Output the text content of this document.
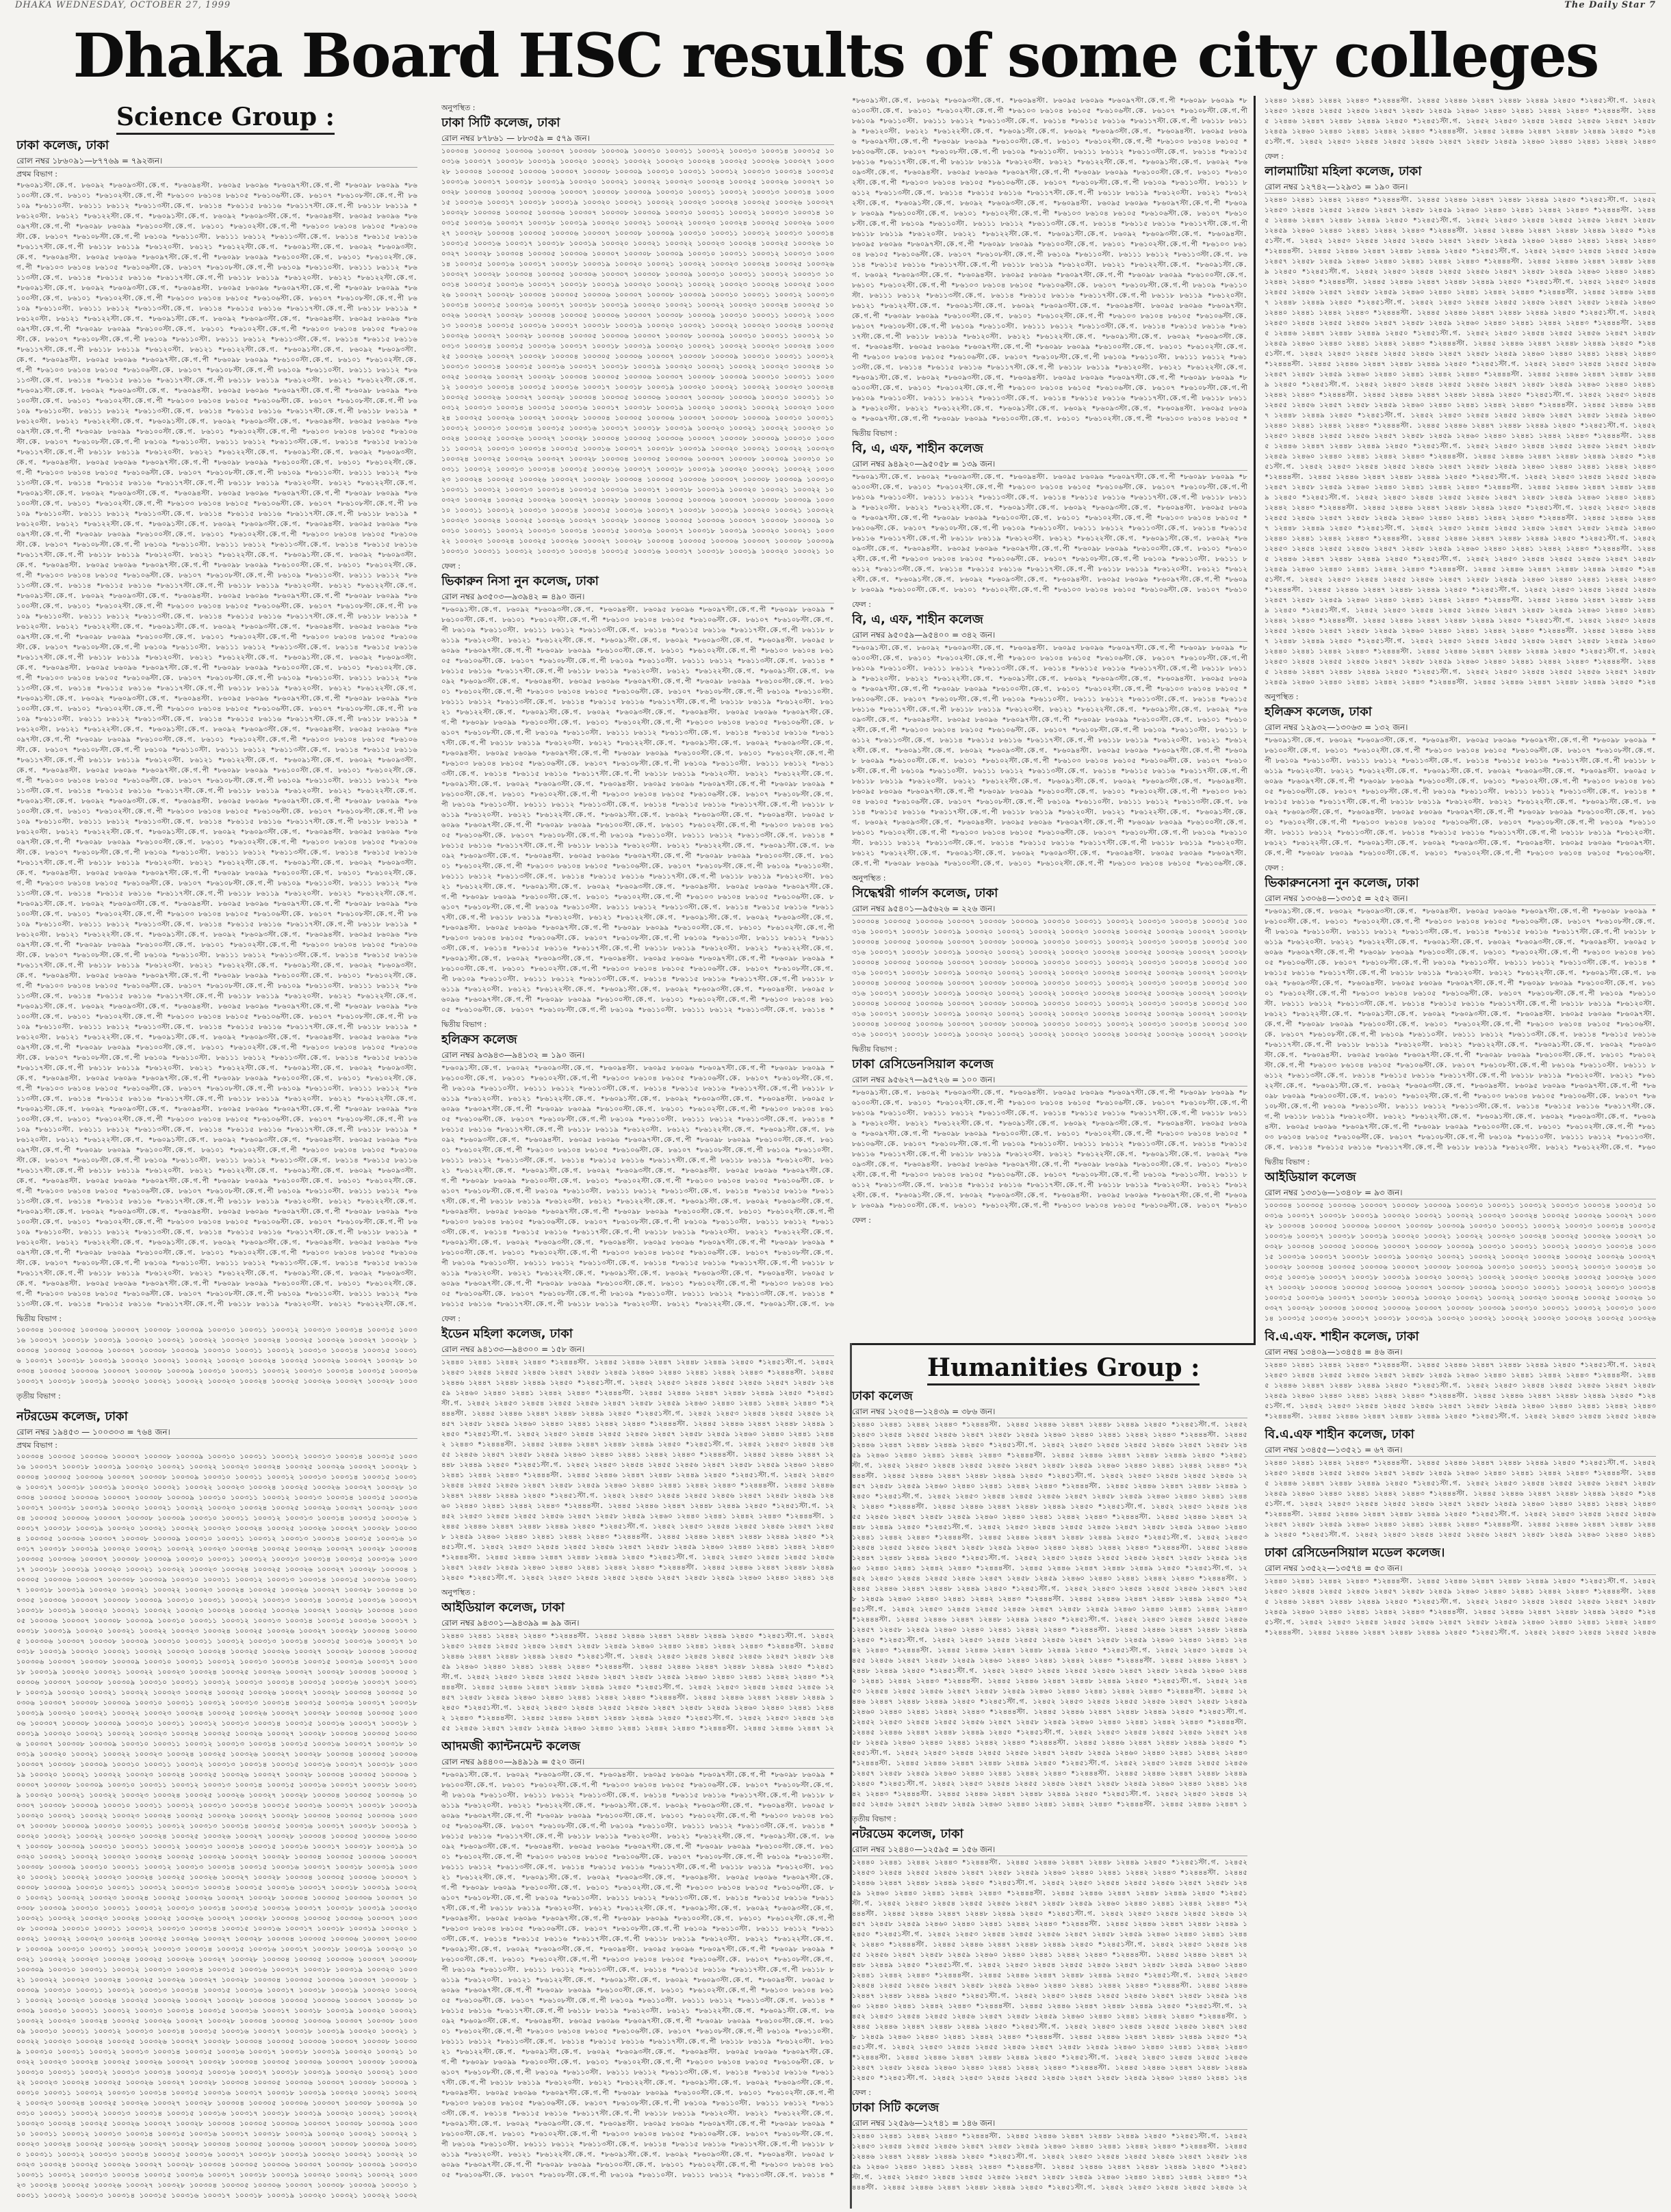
DHAKA WEDNESDAY, OCTOBER 27, 1999	The Daily Star 7
Dhaka Board HSC results of some city colleges
Science Group :
ঢাকা কলেজ, ঢাকা
রোল নম্বর ১৮৬০৯১—৮৭৭৬৯ = ৭৯২জন।
প্রথম বিভাগ :
*৮৬০৯১স্টা.কে.গ. ৮৬০৯২ *৮৬০৯৩স্টা.কে.গ. *৮৬০৯৪স্টা. ৮৬০৯৫ ৮৬০৯৬ *৮৬০৯৭স্টা.কে.গ.পী *৮৬০৯৮ ৮৬০৯৯ *৮৬১০০স্টা.কে.গ. ৮৬১০১ *৮৬১০২স্টা.কে.গ.পী *৮৬১০৩ ৮৬১০৪ ৮৬১০৫ *৮৬১০৬স্টা.কে. ৮৬১০৭ *৮৬১০৮স্টা.কে.গ.পী ৮৬১০৯ *৮৬১১০স্টা. ৮৬১১১ ৮৬১১২ *৮৬১১৩স্টা.কে.গ. ৮৬১১৪ *৮৬১১৫ ৮৬১১৬ *৮৬১১৭স্টা.কে.গ.পী ৮৬১১৮ ৮৬১১৯ *৮৬১২০স্টা. ৮৬১২১ *৮৬১২২স্টা.কে.গ. *৮৬০৯১স্টা.কে.গ. ৮৬০৯২ *৮৬০৯৩স্টা.কে.গ. *৮৬০৯৪স্টা. ৮৬০৯৫ ৮৬০৯৬ *৮৬০৯৭স্টা.কে.গ.পী *৮৬০৯৮ ৮৬০৯৯ *৮৬১০০স্টা.কে.গ. ৮৬১০১ *৮৬১০২স্টা.কে.গ.পী *৮৬১০৩ ৮৬১০৪ ৮৬১০৫ *৮৬১০৬স্টা.কে. ৮৬১০৭ *৮৬১০৮স্টা.কে.গ.পী ৮৬১০৯ *৮৬১১০স্টা. ৮৬১১১ ৮৬১১২ *৮৬১১৩স্টা.কে.গ. ৮৬১১৪ *৮৬১১৫ ৮৬১১৬ *৮৬১১৭স্টা.কে.গ.পী ৮৬১১৮ ৮৬১১৯ *৮৬১২০স্টা. ৮৬১২১ *৮৬১২২স্টা.কে.গ. *৮৬০৯১স্টা.কে.গ. ৮৬০৯২ *৮৬০৯৩স্টা.কে.গ. *৮৬০৯৪স্টা. ৮৬০৯৫ ৮৬০৯৬ *৮৬০৯৭স্টা.কে.গ.পী *৮৬০৯৮ ৮৬০৯৯ *৮৬১০০স্টা.কে.গ. ৮৬১০১ *৮৬১০২স্টা.কে.গ.পী *৮৬১০৩ ৮৬১০৪ ৮৬১০৫ *৮৬১০৬স্টা.কে. ৮৬১০৭ *৮৬১০৮স্টা.কে.গ.পী ৮৬১০৯ *৮৬১১০স্টা. ৮৬১১১ ৮৬১১২ *৮৬১১৩স্টা.কে.গ. ৮৬১১৪ *৮৬১১৫ ৮৬১১৬ *৮৬১১৭স্টা.কে.গ.পী ৮৬১১৮ ৮৬১১৯ *৮৬১২০স্টা. ৮৬১২১ *৮৬১২২স্টা.কে.গ. *৮৬০৯১স্টা.কে.গ. ৮৬০৯২ *৮৬০৯৩স্টা.কে.গ. *৮৬০৯৪স্টা. ৮৬০৯৫ ৮৬০৯৬ *৮৬০৯৭স্টা.কে.গ.পী *৮৬০৯৮ ৮৬০৯৯ *৮৬১০০স্টা.কে.গ. ৮৬১০১ *৮৬১০২স্টা.কে.গ.পী *৮৬১০৩ ৮৬১০৪ ৮৬১০৫ *৮৬১০৬স্টা.কে. ৮৬১০৭ *৮৬১০৮স্টা.কে.গ.পী ৮৬১০৯ *৮৬১১০স্টা. ৮৬১১১ ৮৬১১২ *৮৬১১৩স্টা.কে.গ. ৮৬১১৪ *৮৬১১৫ ৮৬১১৬ *৮৬১১৭স্টা.কে.গ.পী ৮৬১১৮ ৮৬১১৯ *৮৬১২০স্টা. ৮৬১২১ *৮৬১২২স্টা.কে.গ. *৮৬০৯১স্টা.কে.গ. ৮৬০৯২ *৮৬০৯৩স্টা.কে.গ. *৮৬০৯৪স্টা. ৮৬০৯৫ ৮৬০৯৬ *৮৬০৯৭স্টা.কে.গ.পী *৮৬০৯৮ ৮৬০৯৯ *৮৬১০০স্টা.কে.গ. ৮৬১০১ *৮৬১০২স্টা.কে.গ.পী *৮৬১০৩ ৮৬১০৪ ৮৬১০৫ *৮৬১০৬স্টা.কে. ৮৬১০৭ *৮৬১০৮স্টা.কে.গ.পী ৮৬১০৯ *৮৬১১০স্টা. ৮৬১১১ ৮৬১১২ *৮৬১১৩স্টা.কে.গ. ৮৬১১৪ *৮৬১১৫ ৮৬১১৬ *৮৬১১৭স্টা.কে.গ.পী ৮৬১১৮ ৮৬১১৯ *৮৬১২০স্টা. ৮৬১২১ *৮৬১২২স্টা.কে.গ. *৮৬০৯১স্টা.কে.গ. ৮৬০৯২ *৮৬০৯৩স্টা.কে.গ. *৮৬০৯৪স্টা. ৮৬০৯৫ ৮৬০৯৬ *৮৬০৯৭স্টা.কে.গ.পী *৮৬০৯৮ ৮৬০৯৯ *৮৬১০০স্টা.কে.গ. ৮৬১০১ *৮৬১০২স্টা.কে.গ.পী *৮৬১০৩ ৮৬১০৪ ৮৬১০৫ *৮৬১০৬স্টা.কে. ৮৬১০৭ *৮৬১০৮স্টা.কে.গ.পী ৮৬১০৯ *৮৬১১০স্টা. ৮৬১১১ ৮৬১১২ *৮৬১১৩স্টা.কে.গ. ৮৬১১৪ *৮৬১১৫ ৮৬১১৬ *৮৬১১৭স্টা.কে.গ.পী ৮৬১১৮ ৮৬১১৯ *৮৬১২০স্টা. ৮৬১২১ *৮৬১২২স্টা.কে.গ. *৮৬০৯১স্টা.কে.গ. ৮৬০৯২ *৮৬০৯৩স্টা.কে.গ. *৮৬০৯৪স্টা. ৮৬০৯৫ ৮৬০৯৬ *৮৬০৯৭স্টা.কে.গ.পী *৮৬০৯৮ ৮৬০৯৯ *৮৬১০০স্টা.কে.গ. ৮৬১০১ *৮৬১০২স্টা.কে.গ.পী *৮৬১০৩ ৮৬১০৪ ৮৬১০৫ *৮৬১০৬স্টা.কে. ৮৬১০৭ *৮৬১০৮স্টা.কে.গ.পী ৮৬১০৯ *৮৬১১০স্টা. ৮৬১১১ ৮৬১১২ *৮৬১১৩স্টা.কে.গ. ৮৬১১৪ *৮৬১১৫ ৮৬১১৬ *৮৬১১৭স্টা.কে.গ.পী ৮৬১১৮ ৮৬১১৯ *৮৬১২০স্টা. ৮৬১২১ *৮৬১২২স্টা.কে.গ. *৮৬০৯১স্টা.কে.গ. ৮৬০৯২ *৮৬০৯৩স্টা.কে.গ. *৮৬০৯৪স্টা. ৮৬০৯৫ ৮৬০৯৬ *৮৬০৯৭স্টা.কে.গ.পী *৮৬০৯৮ ৮৬০৯৯ *৮৬১০০স্টা.কে.গ. ৮৬১০১ *৮৬১০২স্টা.কে.গ.পী *৮৬১০৩ ৮৬১০৪ ৮৬১০৫ *৮৬১০৬স্টা.কে. ৮৬১০৭ *৮৬১০৮স্টা.কে.গ.পী ৮৬১০৯ *৮৬১১০স্টা. ৮৬১১১ ৮৬১১২ *৮৬১১৩স্টা.কে.গ. ৮৬১১৪ *৮৬১১৫ ৮৬১১৬ *৮৬১১৭স্টা.কে.গ.পী ৮৬১১৮ ৮৬১১৯ *৮৬১২০স্টা. ৮৬১২১ *৮৬১২২স্টা.কে.গ. *৮৬০৯১স্টা.কে.গ. ৮৬০৯২ *৮৬০৯৩স্টা.কে.গ. *৮৬০৯৪স্টা. ৮৬০৯৫ ৮৬০৯৬ *৮৬০৯৭স্টা.কে.গ.পী *৮৬০৯৮ ৮৬০৯৯ *৮৬১০০স্টা.কে.গ. ৮৬১০১ *৮৬১০২স্টা.কে.গ.পী *৮৬১০৩ ৮৬১০৪ ৮৬১০৫ *৮৬১০৬স্টা.কে. ৮৬১০৭ *৮৬১০৮স্টা.কে.গ.পী ৮৬১০৯ *৮৬১১০স্টা. ৮৬১১১ ৮৬১১২ *৮৬১১৩স্টা.কে.গ. ৮৬১১৪ *৮৬১১৫ ৮৬১১৬ *৮৬১১৭স্টা.কে.গ.পী ৮৬১১৮ ৮৬১১৯ *৮৬১২০স্টা. ৮৬১২১ *৮৬১২২স্টা.কে.গ. *৮৬০৯১স্টা.কে.গ. ৮৬০৯২ *৮৬০৯৩স্টা.কে.গ. *৮৬০৯৪স্টা. ৮৬০৯৫ ৮৬০৯৬ *৮৬০৯৭স্টা.কে.গ.পী *৮৬০৯৮ ৮৬০৯৯ *৮৬১০০স্টা.কে.গ. ৮৬১০১ *৮৬১০২স্টা.কে.গ.পী *৮৬১০৩ ৮৬১০৪ ৮৬১০৫ *৮৬১০৬স্টা.কে. ৮৬১০৭ *৮৬১০৮স্টা.কে.গ.পী ৮৬১০৯ *৮৬১১০স্টা. ৮৬১১১ ৮৬১১২ *৮৬১১৩স্টা.কে.গ. ৮৬১১৪ *৮৬১১৫ ৮৬১১৬ *৮৬১১৭স্টা.কে.গ.পী ৮৬১১৮ ৮৬১১৯ *৮৬১২০স্টা. ৮৬১২১ *৮৬১২২স্টা.কে.গ. *৮৬০৯১স্টা.কে.গ. ৮৬০৯২ *৮৬০৯৩স্টা.কে.গ. *৮৬০৯৪স্টা. ৮৬০৯৫ ৮৬০৯৬ *৮৬০৯৭স্টা.কে.গ.পী *৮৬০৯৮ ৮৬০৯৯ *৮৬১০০স্টা.কে.গ. ৮৬১০১ *৮৬১০২স্টা.কে.গ.পী *৮৬১০৩ ৮৬১০৪ ৮৬১০৫ *৮৬১০৬স্টা.কে. ৮৬১০৭ *৮৬১০৮স্টা.কে.গ.পী ৮৬১০৯ *৮৬১১০স্টা. ৮৬১১১ ৮৬১১২ *৮৬১১৩স্টা.কে.গ. ৮৬১১৪ *৮৬১১৫ ৮৬১১৬ *৮৬১১৭স্টা.কে.গ.পী ৮৬১১৮ ৮৬১১৯ *৮৬১২০স্টা. ৮৬১২১ *৮৬১২২স্টা.কে.গ. *৮৬০৯১স্টা.কে.গ. ৮৬০৯২ *৮৬০৯৩স্টা.কে.গ. *৮৬০৯৪স্টা. ৮৬০৯৫ ৮৬০৯৬ *৮৬০৯৭স্টা.কে.গ.পী *৮৬০৯৮ ৮৬০৯৯ *৮৬১০০স্টা.কে.গ. ৮৬১০১ *৮৬১০২স্টা.কে.গ.পী *৮৬১০৩ ৮৬১০৪ ৮৬১০৫ *৮৬১০৬স্টা.কে. ৮৬১০৭ *৮৬১০৮স্টা.কে.গ.পী ৮৬১০৯ *৮৬১১০স্টা. ৮৬১১১ ৮৬১১২ *৮৬১১৩স্টা.কে.গ. ৮৬১১৪ *৮৬১১৫ ৮৬১১৬ *৮৬১১৭স্টা.কে.গ.পী ৮৬১১৮ ৮৬১১৯ *৮৬১২০স্টা. ৮৬১২১ *৮৬১২২স্টা.কে.গ. *৮৬০৯১স্টা.কে.গ. ৮৬০৯২ *৮৬০৯৩স্টা.কে.গ. *৮৬০৯৪স্টা. ৮৬০৯৫ ৮৬০৯৬ *৮৬০৯৭স্টা.কে.গ.পী *৮৬০৯৮ ৮৬০৯৯ *৮৬১০০স্টা.কে.গ. ৮৬১০১ *৮৬১০২স্টা.কে.গ.পী *৮৬১০৩ ৮৬১০৪ ৮৬১০৫ *৮৬১০৬স্টা.কে. ৮৬১০৭ *৮৬১০৮স্টা.কে.গ.পী ৮৬১০৯ *৮৬১১০স্টা. ৮৬১১১ ৮৬১১২ *৮৬১১৩স্টা.কে.গ. ৮৬১১৪ *৮৬১১৫ ৮৬১১৬ *৮৬১১৭স্টা.কে.গ.পী ৮৬১১৮ ৮৬১১৯ *৮৬১২০স্টা. ৮৬১২১ *৮৬১২২স্টা.কে.গ. *৮৬০৯১স্টা.কে.গ. ৮৬০৯২ *৮৬০৯৩স্টা.কে.গ. *৮৬০৯৪স্টা. ৮৬০৯৫ ৮৬০৯৬ *৮৬০৯৭স্টা.কে.গ.পী *৮৬০৯৮ ৮৬০৯৯ *৮৬১০০স্টা.কে.গ. ৮৬১০১ *৮৬১০২স্টা.কে.গ.পী *৮৬১০৩ ৮৬১০৪ ৮৬১০৫ *৮৬১০৬স্টা.কে. ৮৬১০৭ *৮৬১০৮স্টা.কে.গ.পী ৮৬১০৯ *৮৬১১০স্টা. ৮৬১১১ ৮৬১১২ *৮৬১১৩স্টা.কে.গ. ৮৬১১৪ *৮৬১১৫ ৮৬১১৬ *৮৬১১৭স্টা.কে.গ.পী ৮৬১১৮ ৮৬১১৯ *৮৬১২০স্টা. ৮৬১২১ *৮৬১২২স্টা.কে.গ. *৮৬০৯১স্টা.কে.গ. ৮৬০৯২ *৮৬০৯৩স্টা.কে.গ. *৮৬০৯৪স্টা. ৮৬০৯৫ ৮৬০৯৬ *৮৬০৯৭স্টা.কে.গ.পী *৮৬০৯৮ ৮৬০৯৯ *৮৬১০০স্টা.কে.গ. ৮৬১০১ *৮৬১০২স্টা.কে.গ.পী *৮৬১০৩ ৮৬১০৪ ৮৬১০৫ *৮৬১০৬স্টা.কে. ৮৬১০৭ *৮৬১০৮স্টা.কে.গ.পী ৮৬১০৯ *৮৬১১০স্টা. ৮৬১১১ ৮৬১১২ *৮৬১১৩স্টা.কে.গ. ৮৬১১৪ *৮৬১১৫ ৮৬১১৬ *৮৬১১৭স্টা.কে.গ.পী ৮৬১১৮ ৮৬১১৯ *৮৬১২০স্টা. ৮৬১২১ *৮৬১২২স্টা.কে.গ. *৮৬০৯১স্টা.কে.গ. ৮৬০৯২ *৮৬০৯৩স্টা.কে.গ. *৮৬০৯৪স্টা. ৮৬০৯৫ ৮৬০৯৬ *৮৬০৯৭স্টা.কে.গ.পী *৮৬০৯৮ ৮৬০৯৯ *৮৬১০০স্টা.কে.গ. ৮৬১০১ *৮৬১০২স্টা.কে.গ.পী *৮৬১০৩ ৮৬১০৪ ৮৬১০৫ *৮৬১০৬স্টা.কে. ৮৬১০৭ *৮৬১০৮স্টা.কে.গ.পী ৮৬১০৯ *৮৬১১০স্টা. ৮৬১১১ ৮৬১১২ *৮৬১১৩স্টা.কে.গ. ৮৬১১৪ *৮৬১১৫ ৮৬১১৬ *৮৬১১৭স্টা.কে.গ.পী ৮৬১১৮ ৮৬১১৯ *৮৬১২০স্টা. ৮৬১২১ *৮৬১২২স্টা.কে.গ. *৮৬০৯১স্টা.কে.গ. ৮৬০৯২ *৮৬০৯৩স্টা.কে.গ. *৮৬০৯৪স্টা. ৮৬০৯৫ ৮৬০৯৬ *৮৬০৯৭স্টা.কে.গ.পী *৮৬০৯৮ ৮৬০৯৯ *৮৬১০০স্টা.কে.গ. ৮৬১০১ *৮৬১০২স্টা.কে.গ.পী *৮৬১০৩ ৮৬১০৪ ৮৬১০৫ *৮৬১০৬স্টা.কে. ৮৬১০৭ *৮৬১০৮স্টা.কে.গ.পী ৮৬১০৯ *৮৬১১০স্টা. ৮৬১১১ ৮৬১১২ *৮৬১১৩স্টা.কে.গ. ৮৬১১৪ *৮৬১১৫ ৮৬১১৬ *৮৬১১৭স্টা.কে.গ.পী ৮৬১১৮ ৮৬১১৯ *৮৬১২০স্টা. ৮৬১২১ *৮৬১২২স্টা.কে.গ. *৮৬০৯১স্টা.কে.গ. ৮৬০৯২ *৮৬০৯৩স্টা.কে.গ. *৮৬০৯৪স্টা. ৮৬০৯৫ ৮৬০৯৬ *৮৬০৯৭স্টা.কে.গ.পী *৮৬০৯৮ ৮৬০৯৯ *৮৬১০০স্টা.কে.গ. ৮৬১০১ *৮৬১০২স্টা.কে.গ.পী *৮৬১০৩ ৮৬১০৪ ৮৬১০৫ *৮৬১০৬স্টা.কে. ৮৬১০৭ *৮৬১০৮স্টা.কে.গ.পী ৮৬১০৯ *৮৬১১০স্টা. ৮৬১১১ ৮৬১১২ *৮৬১১৩স্টা.কে.গ. ৮৬১১৪ *৮৬১১৫ ৮৬১১৬ *৮৬১১৭স্টা.কে.গ.পী ৮৬১১৮ ৮৬১১৯ *৮৬১২০স্টা. ৮৬১২১ *৮৬১২২স্টা.কে.গ. *৮৬০৯১স্টা.কে.গ. ৮৬০৯২ *৮৬০৯৩স্টা.কে.গ. *৮৬০৯৪স্টা. ৮৬০৯৫ ৮৬০৯৬ *৮৬০৯৭স্টা.কে.গ.পী *৮৬০৯৮ ৮৬০৯৯ *৮৬১০০স্টা.কে.গ. ৮৬১০১ *৮৬১০২স্টা.কে.গ.পী *৮৬১০৩ ৮৬১০৪ ৮৬১০৫ *৮৬১০৬স্টা.কে. ৮৬১০৭ *৮৬১০৮স্টা.কে.গ.পী ৮৬১০৯ *৮৬১১০স্টা. ৮৬১১১ ৮৬১১২ *৮৬১১৩স্টা.কে.গ. ৮৬১১৪ *৮৬১১৫ ৮৬১১৬ *৮৬১১৭স্টা.কে.গ.পী ৮৬১১৮ ৮৬১১৯ *৮৬১২০স্টা. ৮৬১২১ *৮৬১২২স্টা.কে.গ. *৮৬০৯১স্টা.কে.গ. ৮৬০৯২ *৮৬০৯৩স্টা.কে.গ. *৮৬০৯৪স্টা. ৮৬০৯৫ ৮৬০৯৬ *৮৬০৯৭স্টা.কে.গ.পী *৮৬০৯৮ ৮৬০৯৯ *৮৬১০০স্টা.কে.গ. ৮৬১০১ *৮৬১০২স্টা.কে.গ.পী *৮৬১০৩ ৮৬১০৪ ৮৬১০৫ *৮৬১০৬স্টা.কে. ৮৬১০৭ *৮৬১০৮স্টা.কে.গ.পী ৮৬১০৯ *৮৬১১০স্টা. ৮৬১১১ ৮৬১১২ *৮৬১১৩স্টা.কে.গ. ৮৬১১৪ *৮৬১১৫ ৮৬১১৬ *৮৬১১৭স্টা.কে.গ.পী ৮৬১১৮ ৮৬১১৯ *৮৬১২০স্টা. ৮৬১২১ *৮৬১২২স্টা.কে.গ. *৮৬০৯১স্টা.কে.গ. ৮৬০৯২ *৮৬০৯৩স্টা.কে.গ. *৮৬০৯৪স্টা. ৮৬০৯৫ ৮৬০৯৬ *৮৬০৯৭স্টা.কে.গ.পী *৮৬০৯৮ ৮৬০৯৯ *৮৬১০০স্টা.কে.গ. ৮৬১০১ *৮৬১০২স্টা.কে.গ.পী *৮৬১০৩ ৮৬১০৪ ৮৬১০৫ *৮৬১০৬স্টা.কে. ৮৬১০৭ *৮৬১০৮স্টা.কে.গ.পী ৮৬১০৯ *৮৬১১০স্টা. ৮৬১১১ ৮৬১১২ *৮৬১১৩স্টা.কে.গ. ৮৬১১৪ *৮৬১১৫ ৮৬১১৬ *৮৬১১৭স্টা.কে.গ.পী ৮৬১১৮ ৮৬১১৯ *৮৬১২০স্টা. ৮৬১২১ *৮৬১২২স্টা.কে.গ. *৮৬০৯১স্টা.কে.গ. ৮৬০৯২ *৮৬০৯৩স্টা.কে.গ. *৮৬০৯৪স্টা. ৮৬০৯৫ ৮৬০৯৬ *৮৬০৯৭স্টা.কে.গ.পী *৮৬০৯৮ ৮৬০৯৯ *৮৬১০০স্টা.কে.গ. ৮৬১০১ *৮৬১০২স্টা.কে.গ.পী *৮৬১০৩ ৮৬১০৪ ৮৬১০৫ *৮৬১০৬স্টা.কে. ৮৬১০৭ *৮৬১০৮স্টা.কে.গ.পী ৮৬১০৯ *৮৬১১০স্টা. ৮৬১১১ ৮৬১১২ *৮৬১১৩স্টা.কে.গ. ৮৬১১৪ *৮৬১১৫ ৮৬১১৬ *৮৬১১৭স্টা.কে.গ.পী ৮৬১১৮ ৮৬১১৯ *৮৬১২০স্টা. ৮৬১২১ *৮৬১২২স্টা.কে.গ. *৮৬০৯১স্টা.কে.গ. ৮৬০৯২ *৮৬০৯৩স্টা.কে.গ. *৮৬০৯৪স্টা. ৮৬০৯৫ ৮৬০৯৬ *৮৬০৯৭স্টা.কে.গ.পী *৮৬০৯৮ ৮৬০৯৯ *৮৬১০০স্টা.কে.গ. ৮৬১০১ *৮৬১০২স্টা.কে.গ.পী *৮৬১০৩ ৮৬১০৪ ৮৬১০৫ *৮৬১০৬স্টা.কে. ৮৬১০৭ *৮৬১০৮স্টা.কে.গ.পী ৮৬১০৯ *৮৬১১০স্টা. ৮৬১১১ ৮৬১১২ *৮৬১১৩স্টা.কে.গ. ৮৬১১৪ *৮৬১১৫ ৮৬১১৬ *৮৬১১৭স্টা.কে.গ.পী ৮৬১১৮ ৮৬১১৯ *৮৬১২০স্টা. ৮৬১২১ *৮৬১২২স্টা.কে.গ. *৮৬০৯১স্টা.কে.গ. ৮৬০৯২ *৮৬০৯৩স্টা.কে.গ. *৮৬০৯৪স্টা. ৮৬০৯৫ ৮৬০৯৬ *৮৬০৯৭স্টা.কে.গ.পী *৮৬০৯৮ ৮৬০৯৯ *৮৬১০০স্টা.কে.গ. ৮৬১০১ *৮৬১০২স্টা.কে.গ.পী *৮৬১০৩ ৮৬১০৪ ৮৬১০৫ *৮৬১০৬স্টা.কে. ৮৬১০৭ *৮৬১০৮স্টা.কে.গ.পী ৮৬১০৯ *৮৬১১০স্টা. ৮৬১১১ ৮৬১১২ *৮৬১১৩স্টা.কে.গ. ৮৬১১৪ *৮৬১১৫ ৮৬১১৬ *৮৬১১৭স্টা.কে.গ.পী ৮৬১১৮ ৮৬১১৯ *৮৬১২০স্টা. ৮৬১২১ *৮৬১২২স্টা.কে.গ. *৮৬০৯১স্টা.কে.গ. ৮৬০৯২ *৮৬০৯৩স্টা.কে.গ. *৮৬০৯৪স্টা. ৮৬০৯৫ ৮৬০৯৬ *৮৬০৯৭স্টা.কে.গ.পী *৮৬০৯৮ ৮৬০৯৯ *৮৬১০০স্টা.কে.গ. ৮৬১০১ *৮৬১০২স্টা.কে.গ.পী *৮৬১০৩ ৮৬১০৪ ৮৬১০৫ *৮৬১০৬স্টা.কে. ৮৬১০৭ *৮৬১০৮স্টা.কে.গ.পী ৮৬১০৯ *৮৬১১০স্টা. ৮৬১১১ ৮৬১১২ *৮৬১১৩স্টা.কে.গ. ৮৬১১৪ *৮৬১১৫ ৮৬১১৬ *৮৬১১৭স্টা.কে.গ.পী ৮৬১১৮ ৮৬১১৯ *৮৬১২০স্টা. ৮৬১২১ *৮৬১২২স্টা.কে.গ. *৮৬০৯১স্টা.কে.গ. ৮৬০৯২ *৮৬০৯৩স্টা.কে.গ. *৮৬০৯৪স্টা. ৮৬০৯৫ ৮৬০৯৬ *৮৬০৯৭স্টা.কে.গ.পী *৮৬০৯৮ ৮৬০৯৯ *৮৬১০০স্টা.কে.গ. ৮৬১০১ *৮৬১০২স্টা.কে.গ.পী *৮৬১০৩ ৮৬১০৪ ৮৬১০৫ *৮৬১০৬স্টা.কে. ৮৬১০৭ *৮৬১০৮স্টা.কে.গ.পী ৮৬১০৯ *৮৬১১০স্টা. ৮৬১১১ ৮৬১১২ *৮৬১১৩স্টা.কে.গ. ৮৬১১৪ *৮৬১১৫ ৮৬১১৬ *৮৬১১৭স্টা.কে.গ.পী ৮৬১১৮ ৮৬১১৯ *৮৬১২০স্টা. ৮৬১২১ *৮৬১২২স্টা.কে.গ. *৮৬০৯১স্টা.কে.গ. ৮৬০৯২ *৮৬০৯৩স্টা.কে.গ. *৮৬০৯৪স্টা. ৮৬০৯৫ ৮৬০৯৬ *৮৬০৯৭স্টা.কে.গ.পী *৮৬০৯৮ ৮৬০৯৯ *৮৬১০০স্টা.কে.গ. ৮৬১০১ *৮৬১০২স্টা.কে.গ.পী *৮৬১০৩ ৮৬১০৪ ৮৬১০৫ *৮৬১০৬স্টা.কে. ৮৬১০৭ *৮৬১০৮স্টা.কে.গ.পী ৮৬১০৯ *৮৬১১০স্টা. ৮৬১১১ ৮৬১১২ *৮৬১১৩স্টা.কে.গ. ৮৬১১৪ *৮৬১১৫ ৮৬১১৬ *৮৬১১৭স্টা.কে.গ.পী ৮৬১১৮ ৮৬১১৯ *৮৬১২০স্টা. ৮৬১২১ *৮৬১২২স্টা.কে.গ. *৮৬০৯১স্টা.কে.গ. ৮৬০৯২ *৮৬০৯৩স্টা.কে.গ. *৮৬০৯৪স্টা. ৮৬০৯৫ ৮৬০৯৬ *৮৬০৯৭স্টা.কে.গ.পী *৮৬০৯৮ ৮৬০৯৯ *৮৬১০০স্টা.কে.গ. ৮৬১০১ *৮৬১০২স্টা.কে.গ.পী *৮৬১০৩ ৮৬১০৪ ৮৬১০৫ *৮৬১০৬স্টা.কে. ৮৬১০৭ *৮৬১০৮স্টা.কে.গ.পী ৮৬১০৯ *৮৬১১০স্টা. ৮৬১১১ ৮৬১১২ *৮৬১১৩স্টা.কে.গ. ৮৬১১৪ *৮৬১১৫ ৮৬১১৬ *৮৬১১৭স্টা.কে.গ.পী ৮৬১১৮ ৮৬১১৯ *৮৬১২০স্টা. ৮৬১২১ *৮৬১২২স্টা.কে.গ. *৮৬০৯১স্টা.কে.গ. ৮৬০৯২ *৮৬০৯৩স্টা.কে.গ. *৮৬০৯৪স্টা. ৮৬০৯৫ ৮৬০৯৬ *৮৬০৯৭স্টা.কে.গ.পী *৮৬০৯৮ ৮৬০৯৯ *৮৬১০০স্টা.কে.গ. ৮৬১০১ *৮৬১০২স্টা.কে.গ.পী *৮৬১০৩ ৮৬১০৪ ৮৬১০৫ *৮৬১০৬স্টা.কে. ৮৬১০৭ *৮৬১০৮স্টা.কে.গ.পী ৮৬১০৯ *৮৬১১০স্টা. ৮৬১১১ ৮৬১১২ *৮৬১১৩স্টা.কে.গ. ৮৬১১৪ *৮৬১১৫ ৮৬১১৬ *৮৬১১৭স্টা.কে.গ.পী ৮৬১১৮ ৮৬১১৯ *৮৬১২০স্টা. ৮৬১২১ *৮৬১২২স্টা.কে.গ. *৮৬০৯১স্টা.কে.গ. ৮৬০৯২ *৮৬০৯৩স্টা.কে.গ. *৮৬০৯৪স্টা. ৮৬০৯৫ ৮৬০৯৬ *৮৬০৯৭স্টা.কে.গ.পী *৮৬০৯৮ ৮৬০৯৯ *৮৬১০০স্টা.কে.গ. ৮৬১০১ *৮৬১০২স্টা.কে.গ.পী *৮৬১০৩ ৮৬১০৪ ৮৬১০৫ *৮৬১০৬স্টা.কে. ৮৬১০৭ *৮৬১০৮স্টা.কে.গ.পী ৮৬১০৯ *৮৬১১০স্টা. ৮৬১১১ ৮৬১১২ *৮৬১১৩স্টা.কে.গ. ৮৬১১৪ *৮৬১১৫ ৮৬১১৬ *৮৬১১৭স্টা.কে.গ.পী ৮৬১১৮ ৮৬১১৯ *৮৬১২০স্টা. ৮৬১২১ *৮৬১২২স্টা.কে.গ. *৮৬০৯১স্টা.কে.গ. ৮৬০৯২ *৮৬০৯৩স্টা.কে.গ. *৮৬০৯৪স্টা. ৮৬০৯৫ ৮৬০৯৬ *৮৬০৯৭স্টা.কে.গ.পী *৮৬০৯৮ ৮৬০৯৯ *৮৬১০০স্টা.কে.গ. ৮৬১০১ *৮৬১০২স্টা.কে.গ.পী *৮৬১০৩ ৮৬১০৪ ৮৬১০৫ *৮৬১০৬স্টা.কে. ৮৬১০৭ *৮৬১০৮স্টা.কে.গ.পী ৮৬১০৯ *৮৬১১০স্টা. ৮৬১১১ ৮৬১১২ *৮৬১১৩স্টা.কে.গ. ৮৬১১৪ *৮৬১১৫ ৮৬১১৬ *৮৬১১৭স্টা.কে.গ.পী ৮৬১১৮ ৮৬১১৯ *৮৬১২০স্টা. ৮৬১২১ *৮৬১২২স্টা.কে.গ. *৮৬০৯১স্টা.কে.গ. ৮৬০৯২ *৮৬০৯৩স্টা.কে.গ. *৮৬০৯৪স্টা. ৮৬০৯৫ ৮৬০৯৬ *৮৬০৯৭স্টা.কে.গ.পী *৮৬০৯৮ ৮৬০৯৯ *৮৬১০০স্টা.কে.গ. ৮৬১০১ *৮৬১০২স্টা.কে.গ.পী *৮৬১০৩ ৮৬১০৪ ৮৬১০৫ *৮৬১০৬স্টা.কে. ৮৬১০৭ *৮৬১০৮স্টা.কে.গ.পী ৮৬১০৯ *৮৬১১০স্টা. ৮৬১১১ ৮৬১১২ *৮৬১১৩স্টা.কে.গ. ৮৬১১৪ *৮৬১১৫ ৮৬১১৬ *৮৬১১৭স্টা.কে.গ.পী ৮৬১১৮ ৮৬১১৯ *৮৬১২০স্টা. ৮৬১২১ *৮৬১২২স্টা.কে.গ. *৮৬০৯১স্টা.কে.গ. ৮৬০৯২ *৮৬০৯৩স্টা.কে.গ. *৮৬০৯৪স্টা. ৮৬০৯৫ ৮৬০৯৬ *৮৬০৯৭স্টা.কে.গ.পী *৮৬০৯৮ ৮৬০৯৯ *৮৬১০০স্টা.কে.গ. ৮৬১০১ *৮৬১০২স্টা.কে.গ.পী *৮৬১০৩ ৮৬১০৪ ৮৬১০৫ *৮৬১০৬স্টা.কে. ৮৬১০৭ *৮৬১০৮স্টা.কে.গ.পী ৮৬১০৯ *৮৬১১০স্টা. ৮৬১১১ ৮৬১১২ *৮৬১১৩স্টা.কে.গ. ৮৬১১৪ *৮৬১১৫ ৮৬১১৬ *৮৬১১৭স্টা.কে.গ.পী ৮৬১১৮ ৮৬১১৯ *৮৬১২০স্টা. ৮৬১২১ *৮৬১২২স্টা.কে.গ.
দ্বিতীয় বিভাগ :
১০০৩০৪ ১০০৩০৫ ১০০৩০৬ ১০০৩০৭ ১০০৩০৮ ১০০৩০৯ ১০০৩১০ ১০০৩১১ ১০০৩১২ ১০০৩১৩ ১০০৩১৪ ১০০৩১৫ ১০০৩১৬ ১০০৩১৭ ১০০৩১৮ ১০০৩১৯ ১০০৩২০ ১০০৩২১ ১০০৩২২ ১০০৩২৩ ১০০৩২৪ ১০০৩২৫ ১০০৩২৬ ১০০৩২৭ ১০০৩২৮ ১০০৩০৪ ১০০৩০৫ ১০০৩০৬ ১০০৩০৭ ১০০৩০৮ ১০০৩০৯ ১০০৩১০ ১০০৩১১ ১০০৩১২ ১০০৩১৩ ১০০৩১৪ ১০০৩১৫ ১০০৩১৬ ১০০৩১৭ ১০০৩১৮ ১০০৩১৯ ১০০৩২০ ১০০৩২১ ১০০৩২২ ১০০৩২৩ ১০০৩২৪ ১০০৩২৫ ১০০৩২৬ ১০০৩২৭ ১০০৩২৮ ১০০৩০৪ ১০০৩০৫ ১০০৩০৬ ১০০৩০৭ ১০০৩০৮ ১০০৩০৯ ১০০৩১০ ১০০৩১১ ১০০৩১২ ১০০৩১৩ ১০০৩১৪ ১০০৩১৫ ১০০৩১৬ ১০০৩১৭ ১০০৩১৮ ১০০৩১৯ ১০০৩২০ ১০০৩২১ ১০০৩২২ ১০০৩২৩ ১০০৩২৪ ১০০৩২৫ ১০০৩২৬ ১০০৩২৭ ১০০৩২৮ ১০০৩
তৃতীয় বিভাগ :
নটরডেম কলেজ, ঢাকা
রোল নম্বর ১৯৪৫৩ — ১০০৩০৩ = ৭৬৪ জন।
প্রথম বিভাগ :
১০০৩০৪ ১০০৩০৫ ১০০৩০৬ ১০০৩০৭ ১০০৩০৮ ১০০৩০৯ ১০০৩১০ ১০০৩১১ ১০০৩১২ ১০০৩১৩ ১০০৩১৪ ১০০৩১৫ ১০০৩১৬ ১০০৩১৭ ১০০৩১৮ ১০০৩১৯ ১০০৩২০ ১০০৩২১ ১০০৩২২ ১০০৩২৩ ১০০৩২৪ ১০০৩২৫ ১০০৩২৬ ১০০৩২৭ ১০০৩২৮ ১০০৩০৪ ১০০৩০৫ ১০০৩০৬ ১০০৩০৭ ১০০৩০৮ ১০০৩০৯ ১০০৩১০ ১০০৩১১ ১০০৩১২ ১০০৩১৩ ১০০৩১৪ ১০০৩১৫ ১০০৩১৬ ১০০৩১৭ ১০০৩১৮ ১০০৩১৯ ১০০৩২০ ১০০৩২১ ১০০৩২২ ১০০৩২৩ ১০০৩২৪ ১০০৩২৫ ১০০৩২৬ ১০০৩২৭ ১০০৩২৮ ১০০৩০৪ ১০০৩০৫ ১০০৩০৬ ১০০৩০৭ ১০০৩০৮ ১০০৩০৯ ১০০৩১০ ১০০৩১১ ১০০৩১২ ১০০৩১৩ ১০০৩১৪ ১০০৩১৫ ১০০৩১৬ ১০০৩১৭ ১০০৩১৮ ১০০৩১৯ ১০০৩২০ ১০০৩২১ ১০০৩২২ ১০০৩২৩ ১০০৩২৪ ১০০৩২৫ ১০০৩২৬ ১০০৩২৭ ১০০৩২৮ ১০০৩০৪ ১০০৩০৫ ১০০৩০৬ ১০০৩০৭ ১০০৩০৮ ১০০৩০৯ ১০০৩১০ ১০০৩১১ ১০০৩১২ ১০০৩১৩ ১০০৩১৪ ১০০৩১৫ ১০০৩১৬ ১০০৩১৭ ১০০৩১৮ ১০০৩১৯ ১০০৩২০ ১০০৩২১ ১০০৩২২ ১০০৩২৩ ১০০৩২৪ ১০০৩২৫ ১০০৩২৬ ১০০৩২৭ ১০০৩২৮ ১০০৩০৪ ১০০৩০৫ ১০০৩০৬ ১০০৩০৭ ১০০৩০৮ ১০০৩০৯ ১০০৩১০ ১০০৩১১ ১০০৩১২ ১০০৩১৩ ১০০৩১৪ ১০০৩১৫ ১০০৩১৬ ১০০৩১৭ ১০০৩১৮ ১০০৩১৯ ১০০৩২০ ১০০৩২১ ১০০৩২২ ১০০৩২৩ ১০০৩২৪ ১০০৩২৫ ১০০৩২৬ ১০০৩২৭ ১০০৩২৮ ১০০৩০৪ ১০০৩০৫ ১০০৩০৬ ১০০৩০৭ ১০০৩০৮ ১০০৩০৯ ১০০৩১০ ১০০৩১১ ১০০৩১২ ১০০৩১৩ ১০০৩১৪ ১০০৩১৫ ১০০৩১৬ ১০০৩১৭ ১০০৩১৮ ১০০৩১৯ ১০০৩২০ ১০০৩২১ ১০০৩২২ ১০০৩২৩ ১০০৩২৪ ১০০৩২৫ ১০০৩২৬ ১০০৩২৭ ১০০৩২৮ ১০০৩০৪ ১০০৩০৫ ১০০৩০৬ ১০০৩০৭ ১০০৩০৮ ১০০৩০৯ ১০০৩১০ ১০০৩১১ ১০০৩১২ ১০০৩১৩ ১০০৩১৪ ১০০৩১৫ ১০০৩১৬ ১০০৩১৭ ১০০৩১৮ ১০০৩১৯ ১০০৩২০ ১০০৩২১ ১০০৩২২ ১০০৩২৩ ১০০৩২৪ ১০০৩২৫ ১০০৩২৬ ১০০৩২৭ ১০০৩২৮ ১০০৩০৪ ১০০৩০৫ ১০০৩০৬ ১০০৩০৭ ১০০৩০৮ ১০০৩০৯ ১০০৩১০ ১০০৩১১ ১০০৩১২ ১০০৩১৩ ১০০৩১৪ ১০০৩১৫ ১০০৩১৬ ১০০৩১৭ ১০০৩১৮ ১০০৩১৯ ১০০৩২০ ১০০৩২১ ১০০৩২২ ১০০৩২৩ ১০০৩২৪ ১০০৩২৫ ১০০৩২৬ ১০০৩২৭ ১০০৩২৮ ১০০৩০৪ ১০০৩০৫ ১০০৩০৬ ১০০৩০৭ ১০০৩০৮ ১০০৩০৯ ১০০৩১০ ১০০৩১১ ১০০৩১২ ১০০৩১৩ ১০০৩১৪ ১০০৩১৫ ১০০৩১৬ ১০০৩১৭ ১০০৩১৮ ১০০৩১৯ ১০০৩২০ ১০০৩২১ ১০০৩২২ ১০০৩২৩ ১০০৩২৪ ১০০৩২৫ ১০০৩২৬ ১০০৩২৭ ১০০৩২৮ ১০০৩০৪ ১০০৩০৫ ১০০৩০৬ ১০০৩০৭ ১০০৩০৮ ১০০৩০৯ ১০০৩১০ ১০০৩১১ ১০০৩১২ ১০০৩১৩ ১০০৩১৪ ১০০৩১৫ ১০০৩১৬ ১০০৩১৭ ১০০৩১৮ ১০০৩১৯ ১০০৩২০ ১০০৩২১ ১০০৩২২ ১০০৩২৩ ১০০৩২৪ ১০০৩২৫ ১০০৩২৬ ১০০৩২৭ ১০০৩২৮ ১০০৩০৪ ১০০৩০৫ ১০০৩০৬ ১০০৩০৭ ১০০৩০৮ ১০০৩০৯ ১০০৩১০ ১০০৩১১ ১০০৩১২ ১০০৩১৩ ১০০৩১৪ ১০০৩১৫ ১০০৩১৬ ১০০৩১৭ ১০০৩১৮ ১০০৩১৯ ১০০৩২০ ১০০৩২১ ১০০৩২২ ১০০৩২৩ ১০০৩২৪ ১০০৩২৫ ১০০৩২৬ ১০০৩২৭ ১০০৩২৮ ১০০৩০৪ ১০০৩০৫ ১০০৩০৬ ১০০৩০৭ ১০০৩০৮ ১০০৩০৯ ১০০৩১০ ১০০৩১১ ১০০৩১২ ১০০৩১৩ ১০০৩১৪ ১০০৩১৫ ১০০৩১৬ ১০০৩১৭ ১০০৩১৮ ১০০৩১৯ ১০০৩২০ ১০০৩২১ ১০০৩২২ ১০০৩২৩ ১০০৩২৪ ১০০৩২৫ ১০০৩২৬ ১০০৩২৭ ১০০৩২৮ ১০০৩০৪ ১০০৩০৫ ১০০৩০৬ ১০০৩০৭ ১০০৩০৮ ১০০৩০৯ ১০০৩১০ ১০০৩১১ ১০০৩১২ ১০০৩১৩ ১০০৩১৪ ১০০৩১৫ ১০০৩১৬ ১০০৩১৭ ১০০৩১৮ ১০০৩১৯ ১০০৩২০ ১০০৩২১ ১০০৩২২ ১০০৩২৩ ১০০৩২৪ ১০০৩২৫ ১০০৩২৬ ১০০৩২৭ ১০০৩২৮ ১০০৩০৪ ১০০৩০৫ ১০০৩০৬ ১০০৩০৭ ১০০৩০৮ ১০০৩০৯ ১০০৩১০ ১০০৩১১ ১০০৩১২ ১০০৩১৩ ১০০৩১৪ ১০০৩১৫ ১০০৩১৬ ১০০৩১৭ ১০০৩১৮ ১০০৩১৯ ১০০৩২০ ১০০৩২১ ১০০৩২২ ১০০৩২৩ ১০০৩২৪ ১০০৩২৫ ১০০৩২৬ ১০০৩২৭ ১০০৩২৮ ১০০৩০৪ ১০০৩০৫ ১০০৩০৬ ১০০৩০৭ ১০০৩০৮ ১০০৩০৯ ১০০৩১০ ১০০৩১১ ১০০৩১২ ১০০৩১৩ ১০০৩১৪ ১০০৩১৫ ১০০৩১৬ ১০০৩১৭ ১০০৩১৮ ১০০৩১৯ ১০০৩২০ ১০০৩২১ ১০০৩২২ ১০০৩২৩ ১০০৩২৪ ১০০৩২৫ ১০০৩২৬ ১০০৩২৭ ১০০৩২৮ ১০০৩০৪ ১০০৩০৫ ১০০৩০৬ ১০০৩০৭ ১০০৩০৮ ১০০৩০৯ ১০০৩১০ ১০০৩১১ ১০০৩১২ ১০০৩১৩ ১০০৩১৪ ১০০৩১৫ ১০০৩১৬ ১০০৩১৭ ১০০৩১৮ ১০০৩১৯ ১০০৩২০ ১০০৩২১ ১০০৩২২ ১০০৩২৩ ১০০৩২৪ ১০০৩২৫ ১০০৩২৬ ১০০৩২৭ ১০০৩২৮ ১০০৩০৪ ১০০৩০৫ ১০০৩০৬ ১০০৩০৭ ১০০৩০৮ ১০০৩০৯ ১০০৩১০ ১০০৩১১ ১০০৩১২ ১০০৩১৩ ১০০৩১৪ ১০০৩১৫ ১০০৩১৬ ১০০৩১৭ ১০০৩১৮ ১০০৩১৯ ১০০৩২০ ১০০৩২১ ১০০৩২২ ১০০৩২৩ ১০০৩২৪ ১০০৩২৫ ১০০৩২৬ ১০০৩২৭ ১০০৩২৮ ১০০৩০৪ ১০০৩০৫ ১০০৩০৬ ১০০৩০৭ ১০০৩০৮ ১০০৩০৯ ১০০৩১০ ১০০৩১১ ১০০৩১২ ১০০৩১৩ ১০০৩১৪ ১০০৩১৫ ১০০৩১৬ ১০০৩১৭ ১০০৩১৮ ১০০৩১৯ ১০০৩২০ ১০০৩২১ ১০০৩২২ ১০০৩২৩ ১০০৩২৪ ১০০৩২৫ ১০০৩২৬ ১০০৩২৭ ১০০৩২৮ ১০০৩০৪ ১০০৩০৫ ১০০৩০৬ ১০০৩০৭ ১০০৩০৮ ১০০৩০৯ ১০০৩১০ ১০০৩১১ ১০০৩১২ ১০০৩১৩ ১০০৩১৪ ১০০৩১৫ ১০০৩১৬ ১০০৩১৭ ১০০৩১৮ ১০০৩১৯ ১০০৩২০ ১০০৩২১ ১০০৩২২ ১০০৩২৩ ১০০৩২৪ ১০০৩২৫ ১০০৩২৬ ১০০৩২৭ ১০০৩২৮ ১০০৩০৪ ১০০৩০৫ ১০০৩০৬ ১০০৩০৭ ১০০৩০৮ ১০০৩০৯ ১০০৩১০ ১০০৩১১ ১০০৩১২ ১০০৩১৩ ১০০৩১৪ ১০০৩১৫ ১০০৩১৬ ১০০৩১৭ ১০০৩১৮ ১০০৩১৯ ১০০৩২০ ১০০৩২১ ১০০৩২২ ১০০৩২৩ ১০০৩২৪ ১০০৩২৫ ১০০৩২৬ ১০০৩২৭ ১০০৩২৮ ১০০৩০৪ ১০০৩০৫ ১০০৩০৬ ১০০৩০৭ ১০০৩০৮ ১০০৩০৯ ১০০৩১০ ১০০৩১১ ১০০৩১২ ১০০৩১৩ ১০০৩১৪ ১০০৩১৫ ১০০৩১৬ ১০০৩১৭ ১০০৩১৮ ১০০৩১৯ ১০০৩২০ ১০০৩২১ ১০০৩২২ ১০০৩২৩ ১০০৩২৪ ১০০৩২৫ ১০০৩২৬ ১০০৩২৭ ১০০৩২৮ ১০০৩০৪ ১০০৩০৫ ১০০৩০৬ ১০০৩০৭ ১০০৩০৮ ১০০৩০৯ ১০০৩১০ ১০০৩১১ ১০০৩১২ ১০০৩১৩ ১০০৩১৪ ১০০৩১৫ ১০০৩১৬ ১০০৩১৭ ১০০৩১৮ ১০০৩১৯ ১০০৩২০ ১০০৩২১ ১০০৩২২ ১০০৩২৩ ১০০৩২৪ ১০০৩২৫ ১০০৩২৬ ১০০৩২৭ ১০০৩২৮ ১০০৩০৪ ১০০৩০৫ ১০০৩০৬ ১০০৩০৭ ১০০৩০৮ ১০০৩০৯ ১০০৩১০ ১০০৩১১ ১০০৩১২ ১০০৩১৩ ১০০৩১৪ ১০০৩১৫ ১০০৩১৬ ১০০৩১৭ ১০০৩১৮ ১০০৩১৯ ১০০৩২০ ১০০৩২১ ১০০৩২২ ১০০৩২৩ ১০০৩২৪ ১০০৩২৫ ১০০৩২৬ ১০০৩২৭ ১০০৩২৮ ১০০৩০৪ ১০০৩০৫ ১০০৩০৬ ১০০৩০৭ ১০০৩০৮ ১০০৩০৯ ১০০৩১০ ১০০৩১১ ১০০৩১২ ১০০৩১৩ ১০০৩১৪ ১০০৩১৫ ১০০৩১৬ ১০০৩১৭ ১০০৩১৮ ১০০৩১৯ ১০০৩২০ ১০০৩২১ ১০০৩২২ ১০০৩২৩ ১০০৩২৪ ১০০৩২৫ ১০০৩২৬ ১০০৩২৭ ১০০৩২৮ ১০০৩০৪ ১০০৩০৫ ১০০৩০৬ ১০০৩০৭ ১০০৩০৮ ১০০৩০৯ ১০০৩১০ ১০০৩১১ ১০০৩১২ ১০০৩১৩ ১০০৩১৪ ১০০৩১৫ ১০০৩১৬ ১০০৩১৭ ১০০৩১৮ ১০০৩১৯ ১০০৩২০ ১০০৩২১ ১০০৩২২ ১০০৩২৩ ১০০৩২৪ ১০০৩২৫ ১০০৩২৬ ১০০৩২৭ ১০০৩২৮ ১০০৩০৪ ১০০৩০৫ ১০০৩০৬ ১০০৩০৭ ১০০৩০৮ ১০০৩০৯ ১০০৩১০ ১০০৩১১ ১০০৩১২ ১০০৩১৩ ১০০৩১৪ ১০০৩১৫ ১০০৩১৬ ১০০৩১৭ ১০০৩১৮ ১০০৩১৯ ১০০৩২০ ১০০৩২১ ১০০৩২২ ১০০৩২৩ ১০০৩২৪ ১০০৩২৫ ১০০৩২৬ ১০০৩২৭ ১০০৩২৮ ১০০৩০৪ ১০০৩০৫ ১০০৩০৬ ১০০৩০৭ ১০০৩০৮ ১০০৩০৯ ১০০৩১০ ১০০৩১১ ১০০৩১২ ১০০৩১৩ ১০০৩১৪ ১০০৩১৫ ১০০৩১৬ ১০০৩১৭ ১০০৩১৮ ১০০৩১৯ ১০০৩২০ ১০০৩২১ ১০০৩২২ ১০০৩২৩ ১০০৩২৪ ১০০৩২৫ ১০০৩২৬ ১০০৩২৭ ১০০৩২৮ ১০০৩০৪ ১০০৩০৫ ১০০৩০৬ ১০০৩০৭ ১০০৩০৮ ১০০৩০৯ ১০০৩১০ ১০০৩১১ ১০০৩১২ ১০০৩১৩ ১০০৩১৪ ১০০৩১৫ ১০০৩১৬ ১০০৩১৭ ১০০৩১৮ ১০০৩১৯ ১০০৩২০ ১০০৩২১ ১০০৩২২ ১০০৩২৩ ১০০৩২৪ ১০০৩২৫ ১০০৩২৬ ১০০৩২৭ ১০০৩২৮ ১০০৩০৪ ১০০৩০৫ ১০০৩০৬ ১০০৩০৭ ১০০৩০৮ ১০০৩০৯ ১০০৩১০ ১০০৩১১ ১০০৩১২ ১০০৩১৩ ১০০৩১৪ ১০০৩১৫ ১০০৩১৬ ১০০৩১৭ ১০০৩১৮ ১০০৩১৯ ১০০৩২০ ১০০৩২১ ১০০৩২২ ১০০৩২৩ ১০০৩২৪ ১০০৩২৫ ১০০৩২৬ ১০০৩২৭ ১০০৩২৮ ১০০৩০৪ ১০০৩০৫ ১০০৩০৬ ১০০৩০৭ ১০০৩০৮ ১০০৩০৯ ১০০৩১০ ১০০৩১১ ১০০৩১২ ১০০৩১৩ ১০০৩১৪ ১০০৩১৫ ১০০৩১৬ ১০০৩১৭ ১০০৩১৮ ১০০৩১৯ ১০০৩২০ ১০০৩২১ ১০০৩২২ ১০০৩২৩ ১০০৩২৪ ১০০৩২৫ ১০০৩২৬ ১০০৩২৭ ১০০৩২৮ ১০০৩০৪ ১০০৩০৫ ১০০৩০৬ ১০০৩০৭ ১০০৩০৮ ১০০৩০৯ ১০০৩১০ ১০০৩১১ ১০০৩১২ ১০০৩১৩ ১০০৩১৪ ১০০৩১৫ ১০০৩১৬ ১০০৩১৭ ১০০৩১৮ ১০০৩১৯ ১০০৩২০ ১০০৩২১ ১০০৩২২ ১০০৩২৩ ১০০৩২৪ ১০০৩২৫ ১০০৩২৬ ১০০৩২৭ ১০০৩২৮ ১০০৩০৪ ১০০৩০৫ ১০০৩০৬ ১০০৩০৭ ১০০৩০৮ ১০০৩০৯ ১০০৩১০ ১০০৩১১ ১০০৩১২ ১০০৩১৩ ১০০৩১৪ ১০০৩১৫ ১০০৩১৬ ১০০৩১৭ ১০০৩১৮ ১০০৩১৯ ১০০৩২০ ১০০৩২১ ১০০৩২২ ১০০৩২৩ ১০০৩২৪ ১০০৩২৫ ১০০৩২৬ ১০০৩২৭ ১০০৩২৮ ১০০৩০৪ ১০০৩০৫ ১০০৩০৬ ১০০৩০৭ ১০০৩০৮ ১০০৩০৯ ১০০৩১০ ১০০৩১১ ১০০৩১২ ১০০৩১৩ ১০০৩১৪ ১০০৩১৫ ১০০৩১৬ ১০০৩১৭ ১০০৩১৮ ১০০৩১৯ ১০০৩২০ ১০০৩২১ ১০০৩২২ ১০০৩২৩ ১০০৩২৪ ১০০৩২৫ ১০০৩২৬ ১০০৩২৭ ১০০৩২৮ ১০০৩০৪ ১০০৩০৫ ১০০৩০৬ ১০০৩০৭ ১০০৩০৮ ১০০৩০৯ ১০০৩১০ ১০০৩১১ ১০০৩১২ ১০০৩১৩ ১০০৩১৪ ১০০৩১৫ ১০০৩১৬ ১০০৩১৭ ১০০৩১৮ ১০০৩১৯ ১০০৩২০ ১০০৩২১ ১০০৩২২ ১০০৩২৩ ১০০৩২৪ ১০০৩২৫ ১০০৩২৬ ১০০৩২৭ ১০০৩২৮ ১০০৩০৪ ১০০৩০৫ ১০০৩০৬ ১০০৩০৭ ১০০৩০৮ ১০০৩০৯ ১০০৩১০ ১০০৩১১ ১০০৩১২ ১০০৩১৩ ১০০৩১৪ ১০০৩১৫ ১০০৩১৬ ১০০৩১৭ ১০০৩১৮ ১০০৩১৯ ১০০৩২০ ১০০৩২১ ১০০৩২২ ১০০৩২৩ ১০০৩২৪ ১০০৩২৫ ১০০৩২৬ ১০০৩২৭ ১০০৩২৮ ১০০৩০৪ ১০০৩০৫ ১০০৩০৬ ১০০৩০৭ ১০০৩০৮ ১০০৩০৯ ১০০৩১০ ১০০৩১১ ১০০৩১২ ১০০৩১৩ ১০০৩১৪ ১০০৩১৫ ১০০৩১৬ ১০০৩১৭ ১০০৩১৮ ১০০৩১৯ ১০০৩২০ ১০০৩২১ ১০০৩২২ ১০০৩২৩ ১০০৩২৪ ১০০৩২৫ ১০০৩২৬ ১০০৩২৭ ১০০৩২৮ ১০০৩০৪ ১০০৩০৫ ১০০৩০৬ ১০০৩০৭ ১০০৩০৮ ১০০৩০৯ ১০০৩১০ ১০০৩১১ ১০০৩১২ ১০০৩১৩ ১০০৩১৪ ১০০৩১৫ ১০০৩১৬ ১০০৩১৭ ১০০৩১৮ ১০০৩১৯ ১০০৩২০ ১০০৩২১ ১০০৩২২ ১০০৩২
অনুপস্থিত :
ঢাকা সিটি কলেজ, ঢাকা
রোল নম্বর ৮৭৮৬১ — ৮৮৩৫৯ = ৫৭৯ জন।
১০০৩০৪ ১০০৩০৫ ১০০৩০৬ ১০০৩০৭ ১০০৩০৮ ১০০৩০৯ ১০০৩১০ ১০০৩১১ ১০০৩১২ ১০০৩১৩ ১০০৩১৪ ১০০৩১৫ ১০০৩১৬ ১০০৩১৭ ১০০৩১৮ ১০০৩১৯ ১০০৩২০ ১০০৩২১ ১০০৩২২ ১০০৩২৩ ১০০৩২৪ ১০০৩২৫ ১০০৩২৬ ১০০৩২৭ ১০০৩২৮ ১০০৩০৪ ১০০৩০৫ ১০০৩০৬ ১০০৩০৭ ১০০৩০৮ ১০০৩০৯ ১০০৩১০ ১০০৩১১ ১০০৩১২ ১০০৩১৩ ১০০৩১৪ ১০০৩১৫ ১০০৩১৬ ১০০৩১৭ ১০০৩১৮ ১০০৩১৯ ১০০৩২০ ১০০৩২১ ১০০৩২২ ১০০৩২৩ ১০০৩২৪ ১০০৩২৫ ১০০৩২৬ ১০০৩২৭ ১০০৩২৮ ১০০৩০৪ ১০০৩০৫ ১০০৩০৬ ১০০৩০৭ ১০০৩০৮ ১০০৩০৯ ১০০৩১০ ১০০৩১১ ১০০৩১২ ১০০৩১৩ ১০০৩১৪ ১০০৩১৫ ১০০৩১৬ ১০০৩১৭ ১০০৩১৮ ১০০৩১৯ ১০০৩২০ ১০০৩২১ ১০০৩২২ ১০০৩২৩ ১০০৩২৪ ১০০৩২৫ ১০০৩২৬ ১০০৩২৭ ১০০৩২৮ ১০০৩০৪ ১০০৩০৫ ১০০৩০৬ ১০০৩০৭ ১০০৩০৮ ১০০৩০৯ ১০০৩১০ ১০০৩১১ ১০০৩১২ ১০০৩১৩ ১০০৩১৪ ১০০৩১৫ ১০০৩১৬ ১০০৩১৭ ১০০৩১৮ ১০০৩১৯ ১০০৩২০ ১০০৩২১ ১০০৩২২ ১০০৩২৩ ১০০৩২৪ ১০০৩২৫ ১০০৩২৬ ১০০৩২৭ ১০০৩২৮ ১০০৩০৪ ১০০৩০৫ ১০০৩০৬ ১০০৩০৭ ১০০৩০৮ ১০০৩০৯ ১০০৩১০ ১০০৩১১ ১০০৩১২ ১০০৩১৩ ১০০৩১৪ ১০০৩১৫ ১০০৩১৬ ১০০৩১৭ ১০০৩১৮ ১০০৩১৯ ১০০৩২০ ১০০৩২১ ১০০৩২২ ১০০৩২৩ ১০০৩২৪ ১০০৩২৫ ১০০৩২৬ ১০০৩২৭ ১০০৩২৮ ১০০৩০৪ ১০০৩০৫ ১০০৩০৬ ১০০৩০৭ ১০০৩০৮ ১০০৩০৯ ১০০৩১০ ১০০৩১১ ১০০৩১২ ১০০৩১৩ ১০০৩১৪ ১০০৩১৫ ১০০৩১৬ ১০০৩১৭ ১০০৩১৮ ১০০৩১৯ ১০০৩২০ ১০০৩২১ ১০০৩২২ ১০০৩২৩ ১০০৩২৪ ১০০৩২৫ ১০০৩২৬ ১০০৩২৭ ১০০৩২৮ ১০০৩০৪ ১০০৩০৫ ১০০৩০৬ ১০০৩০৭ ১০০৩০৮ ১০০৩০৯ ১০০৩১০ ১০০৩১১ ১০০৩১২ ১০০৩১৩ ১০০৩১৪ ১০০৩১৫ ১০০৩১৬ ১০০৩১৭ ১০০৩১৮ ১০০৩১৯ ১০০৩২০ ১০০৩২১ ১০০৩২২ ১০০৩২৩ ১০০৩২৪ ১০০৩২৫ ১০০৩২৬ ১০০৩২৭ ১০০৩২৮ ১০০৩০৪ ১০০৩০৫ ১০০৩০৬ ১০০৩০৭ ১০০৩০৮ ১০০৩০৯ ১০০৩১০ ১০০৩১১ ১০০৩১২ ১০০৩১৩ ১০০৩১৪ ১০০৩১৫ ১০০৩১৬ ১০০৩১৭ ১০০৩১৮ ১০০৩১৯ ১০০৩২০ ১০০৩২১ ১০০৩২২ ১০০৩২৩ ১০০৩২৪ ১০০৩২৫ ১০০৩২৬ ১০০৩২৭ ১০০৩২৮ ১০০৩০৪ ১০০৩০৫ ১০০৩০৬ ১০০৩০৭ ১০০৩০৮ ১০০৩০৯ ১০০৩১০ ১০০৩১১ ১০০৩১২ ১০০৩১৩ ১০০৩১৪ ১০০৩১৫ ১০০৩১৬ ১০০৩১৭ ১০০৩১৮ ১০০৩১৯ ১০০৩২০ ১০০৩২১ ১০০৩২২ ১০০৩২৩ ১০০৩২৪ ১০০৩২৫ ১০০৩২৬ ১০০৩২৭ ১০০৩২৮ ১০০৩০৪ ১০০৩০৫ ১০০৩০৬ ১০০৩০৭ ১০০৩০৮ ১০০৩০৯ ১০০৩১০ ১০০৩১১ ১০০৩১২ ১০০৩১৩ ১০০৩১৪ ১০০৩১৫ ১০০৩১৬ ১০০৩১৭ ১০০৩১৮ ১০০৩১৯ ১০০৩২০ ১০০৩২১ ১০০৩২২ ১০০৩২৩ ১০০৩২৪ ১০০৩২৫ ১০০৩২৬ ১০০৩২৭ ১০০৩২৮ ১০০৩০৪ ১০০৩০৫ ১০০৩০৬ ১০০৩০৭ ১০০৩০৮ ১০০৩০৯ ১০০৩১০ ১০০৩১১ ১০০৩১২ ১০০৩১৩ ১০০৩১৪ ১০০৩১৫ ১০০৩১৬ ১০০৩১৭ ১০০৩১৮ ১০০৩১৯ ১০০৩২০ ১০০৩২১ ১০০৩২২ ১০০৩২৩ ১০০৩২৪ ১০০৩২৫ ১০০৩২৬ ১০০৩২৭ ১০০৩২৮ ১০০৩০৪ ১০০৩০৫ ১০০৩০৬ ১০০৩০৭ ১০০৩০৮ ১০০৩০৯ ১০০৩১০ ১০০৩১১ ১০০৩১২ ১০০৩১৩ ১০০৩১৪ ১০০৩১৫ ১০০৩১৬ ১০০৩১৭ ১০০৩১৮ ১০০৩১৯ ১০০৩২০ ১০০৩২১ ১০০৩২২ ১০০৩২৩ ১০০৩২৪ ১০০৩২৫ ১০০৩২৬ ১০০৩২৭ ১০০৩২৮ ১০০৩০৪ ১০০৩০৫ ১০০৩০৬ ১০০৩০৭ ১০০৩০৮ ১০০৩০৯ ১০০৩১০ ১০০৩১১ ১০০৩১২ ১০০৩১৩ ১০০৩১৪ ১০০৩১৫ ১০০৩১৬ ১০০৩১৭ ১০০৩১৮ ১০০৩১৯ ১০০৩২০ ১০০৩২১ ১০০৩২২ ১০০৩২৩ ১০০৩২৪ ১০০৩২৫ ১০০৩২৬ ১০০৩২৭ ১০০৩২৮ ১০০৩০৪ ১০০৩০৫ ১০০৩০৬ ১০০৩০৭ ১০০৩০৮ ১০০৩০৯ ১০০৩১০ ১০০৩১১ ১০০৩১২ ১০০৩১৩ ১০০৩১৪ ১০০৩১৫ ১০০৩১৬ ১০০৩১৭ ১০০৩১৮ ১০০৩১৯ ১০০৩২০ ১০০৩২১ ১০০৩২২ ১০০৩২৩ ১০০৩২৪ ১০০৩২৫ ১০০৩২৬ ১০০৩২৭ ১০০৩২৮ ১০০৩০৪ ১০০৩০৫ ১০০৩০৬ ১০০৩০৭ ১০০৩০৮ ১০০৩০৯ ১০০৩১০ ১০০৩১১ ১০০৩১২ ১০০৩১৩ ১০০৩১৪ ১০০৩১৫ ১০০৩১৬ ১০০৩১৭ ১০০৩১৮ ১০০৩১৯ ১০০৩২০ ১০০৩২১ ১০০৩২২ ১০০৩২৩ ১০০৩২৪ ১০০৩২৫ ১০০৩২৬ ১০০৩২৭ ১০০৩২৮ ১০০৩০৪ ১০০৩০৫ ১০০৩০৬ ১০০৩০৭ ১০০৩০৮ ১০০৩০৯ ১০০৩১০ ১০০৩১১ ১০০৩১২ ১০০৩১৩ ১০০৩১৪ ১০০৩১৫ ১০০৩১৬ ১০০৩১৭ ১০০৩১৮ ১০০৩১৯ ১০০৩২০ ১০০৩২১ ১০০৩২২ ১০০৩২৩ ১০০৩২৪ ১০০৩২৫ ১০০৩২৬ ১০০৩২৭ ১০০৩২৮ ১০০৩০৪ ১০০৩০৫ ১০০৩০৬ ১০০৩০৭ ১০০৩০৮ ১০০৩০৯ ১০০৩১০ ১০০৩১১ ১০০৩১২ ১০০৩১৩ ১০০৩১৪ ১০০৩১৫ ১০০৩১৬ ১০০৩১৭ ১০০৩১৮ ১০০৩১৯ ১০০৩২০ ১০০৩২১ ১০০৩২২ ১০০৩২৩ ১০০৩২৪ ১০০৩২৫ ১০০৩২৬ ১০০৩২৭ ১০০৩২৮ ১০০৩০৪ ১০০৩০৫ ১০০৩০৬ ১০০৩০৭ ১০০৩০৮ ১০০৩০৯ ১০০৩১০ ১০০৩১১ ১০০৩১২ ১০০৩১৩ ১০০৩১৪ ১০০৩১৫ ১০০৩১৬ ১০০৩১৭ ১০০৩১৮ ১০০৩১৯ ১০০৩২০ ১০০৩২১ ১০০৩২২ ১০০৩২৩ ১০০৩২৪ ১০০৩২৫ ১০০৩২৬ ১০০৩২৭ ১০০৩২৮ ১০০৩০৪ ১০০৩০৫ ১০০৩০৬ ১০০৩০৭ ১০০৩০৮ ১০০৩০৯ ১০০৩১০ ১০০৩১১ ১০০৩১২ ১০০৩১৩ ১০০৩১৪ ১০০৩১৫ ১০০৩১৬ ১০০৩১৭ ১০০৩১৮ ১০০৩১৯ ১০০৩২০ ১০০৩২১ ১০০৩২২ ১০০৩২৩ ১০০৩২৪ ১০০৩২৫ ১০০৩২৬ ১০০৩২৭ ১০০৩২৮ ১০০৩০৪ ১০০৩০৫ ১০০৩০৬ ১০০৩০৭ ১০০৩০৮ ১০০৩০৯ ১০০৩১০ ১০০৩১১ ১০০৩১২ ১০০৩১৩ ১০০৩১৪ ১০০৩১৫ ১০০৩১৬ ১০০৩১৭ ১০০৩১৮ ১০০৩১৯ ১০০৩২০ ১০০৩২১ ১০
ফেল :
ভিকারুন নিসা নুন কলেজ, ঢাকা
রোল নম্বর ৯৩৫০৩—৯৩৯৪২ = ৪৯০ জন।
*৮৬০৯১স্টা.কে.গ. ৮৬০৯২ *৮৬০৯৩স্টা.কে.গ. *৮৬০৯৪স্টা. ৮৬০৯৫ ৮৬০৯৬ *৮৬০৯৭স্টা.কে.গ.পী *৮৬০৯৮ ৮৬০৯৯ *৮৬১০০স্টা.কে.গ. ৮৬১০১ *৮৬১০২স্টা.কে.গ.পী *৮৬১০৩ ৮৬১০৪ ৮৬১০৫ *৮৬১০৬স্টা.কে. ৮৬১০৭ *৮৬১০৮স্টা.কে.গ.পী ৮৬১০৯ *৮৬১১০স্টা. ৮৬১১১ ৮৬১১২ *৮৬১১৩স্টা.কে.গ. ৮৬১১৪ *৮৬১১৫ ৮৬১১৬ *৮৬১১৭স্টা.কে.গ.পী ৮৬১১৮ ৮৬১১৯ *৮৬১২০স্টা. ৮৬১২১ *৮৬১২২স্টা.কে.গ. *৮৬০৯১স্টা.কে.গ. ৮৬০৯২ *৮৬০৯৩স্টা.কে.গ. *৮৬০৯৪স্টা. ৮৬০৯৫ ৮৬০৯৬ *৮৬০৯৭স্টা.কে.গ.পী *৮৬০৯৮ ৮৬০৯৯ *৮৬১০০স্টা.কে.গ. ৮৬১০১ *৮৬১০২স্টা.কে.গ.পী *৮৬১০৩ ৮৬১০৪ ৮৬১০৫ *৮৬১০৬স্টা.কে. ৮৬১০৭ *৮৬১০৮স্টা.কে.গ.পী ৮৬১০৯ *৮৬১১০স্টা. ৮৬১১১ ৮৬১১২ *৮৬১১৩স্টা.কে.গ. ৮৬১১৪ *৮৬১১৫ ৮৬১১৬ *৮৬১১৭স্টা.কে.গ.পী ৮৬১১৮ ৮৬১১৯ *৮৬১২০স্টা. ৮৬১২১ *৮৬১২২স্টা.কে.গ. *৮৬০৯১স্টা.কে.গ. ৮৬০৯২ *৮৬০৯৩স্টা.কে.গ. *৮৬০৯৪স্টা. ৮৬০৯৫ ৮৬০৯৬ *৮৬০৯৭স্টা.কে.গ.পী *৮৬০৯৮ ৮৬০৯৯ *৮৬১০০স্টা.কে.গ. ৮৬১০১ *৮৬১০২স্টা.কে.গ.পী *৮৬১০৩ ৮৬১০৪ ৮৬১০৫ *৮৬১০৬স্টা.কে. ৮৬১০৭ *৮৬১০৮স্টা.কে.গ.পী ৮৬১০৯ *৮৬১১০স্টা. ৮৬১১১ ৮৬১১২ *৮৬১১৩স্টা.কে.গ. ৮৬১১৪ *৮৬১১৫ ৮৬১১৬ *৮৬১১৭স্টা.কে.গ.পী ৮৬১১৮ ৮৬১১৯ *৮৬১২০স্টা. ৮৬১২১ *৮৬১২২স্টা.কে.গ. *৮৬০৯১স্টা.কে.গ. ৮৬০৯২ *৮৬০৯৩স্টা.কে.গ. *৮৬০৯৪স্টা. ৮৬০৯৫ ৮৬০৯৬ *৮৬০৯৭স্টা.কে.গ.পী *৮৬০৯৮ ৮৬০৯৯ *৮৬১০০স্টা.কে.গ. ৮৬১০১ *৮৬১০২স্টা.কে.গ.পী *৮৬১০৩ ৮৬১০৪ ৮৬১০৫ *৮৬১০৬স্টা.কে. ৮৬১০৭ *৮৬১০৮স্টা.কে.গ.পী ৮৬১০৯ *৮৬১১০স্টা. ৮৬১১১ ৮৬১১২ *৮৬১১৩স্টা.কে.গ. ৮৬১১৪ *৮৬১১৫ ৮৬১১৬ *৮৬১১৭স্টা.কে.গ.পী ৮৬১১৮ ৮৬১১৯ *৮৬১২০স্টা. ৮৬১২১ *৮৬১২২স্টা.কে.গ. *৮৬০৯১স্টা.কে.গ. ৮৬০৯২ *৮৬০৯৩স্টা.কে.গ. *৮৬০৯৪স্টা. ৮৬০৯৫ ৮৬০৯৬ *৮৬০৯৭স্টা.কে.গ.পী *৮৬০৯৮ ৮৬০৯৯ *৮৬১০০স্টা.কে.গ. ৮৬১০১ *৮৬১০২স্টা.কে.গ.পী *৮৬১০৩ ৮৬১০৪ ৮৬১০৫ *৮৬১০৬স্টা.কে. ৮৬১০৭ *৮৬১০৮স্টা.কে.গ.পী ৮৬১০৯ *৮৬১১০স্টা. ৮৬১১১ ৮৬১১২ *৮৬১১৩স্টা.কে.গ. ৮৬১১৪ *৮৬১১৫ ৮৬১১৬ *৮৬১১৭স্টা.কে.গ.পী ৮৬১১৮ ৮৬১১৯ *৮৬১২০স্টা. ৮৬১২১ *৮৬১২২স্টা.কে.গ. *৮৬০৯১স্টা.কে.গ. ৮৬০৯২ *৮৬০৯৩স্টা.কে.গ. *৮৬০৯৪স্টা. ৮৬০৯৫ ৮৬০৯৬ *৮৬০৯৭স্টা.কে.গ.পী *৮৬০৯৮ ৮৬০৯৯ *৮৬১০০স্টা.কে.গ. ৮৬১০১ *৮৬১০২স্টা.কে.গ.পী *৮৬১০৩ ৮৬১০৪ ৮৬১০৫ *৮৬১০৬স্টা.কে. ৮৬১০৭ *৮৬১০৮স্টা.কে.গ.পী ৮৬১০৯ *৮৬১১০স্টা. ৮৬১১১ ৮৬১১২ *৮৬১১৩স্টা.কে.গ. ৮৬১১৪ *৮৬১১৫ ৮৬১১৬ *৮৬১১৭স্টা.কে.গ.পী ৮৬১১৮ ৮৬১১৯ *৮৬১২০স্টা. ৮৬১২১ *৮৬১২২স্টা.কে.গ. *৮৬০৯১স্টা.কে.গ. ৮৬০৯২ *৮৬০৯৩স্টা.কে.গ. *৮৬০৯৪স্টা. ৮৬০৯৫ ৮৬০৯৬ *৮৬০৯৭স্টা.কে.গ.পী *৮৬০৯৮ ৮৬০৯৯ *৮৬১০০স্টা.কে.গ. ৮৬১০১ *৮৬১০২স্টা.কে.গ.পী *৮৬১০৩ ৮৬১০৪ ৮৬১০৫ *৮৬১০৬স্টা.কে. ৮৬১০৭ *৮৬১০৮স্টা.কে.গ.পী ৮৬১০৯ *৮৬১১০স্টা. ৮৬১১১ ৮৬১১২ *৮৬১১৩স্টা.কে.গ. ৮৬১১৪ *৮৬১১৫ ৮৬১১৬ *৮৬১১৭স্টা.কে.গ.পী ৮৬১১৮ ৮৬১১৯ *৮৬১২০স্টা. ৮৬১২১ *৮৬১২২স্টা.কে.গ. *৮৬০৯১স্টা.কে.গ. ৮৬০৯২ *৮৬০৯৩স্টা.কে.গ. *৮৬০৯৪স্টা. ৮৬০৯৫ ৮৬০৯৬ *৮৬০৯৭স্টা.কে.গ.পী *৮৬০৯৮ ৮৬০৯৯ *৮৬১০০স্টা.কে.গ. ৮৬১০১ *৮৬১০২স্টা.কে.গ.পী *৮৬১০৩ ৮৬১০৪ ৮৬১০৫ *৮৬১০৬স্টা.কে. ৮৬১০৭ *৮৬১০৮স্টা.কে.গ.পী ৮৬১০৯ *৮৬১১০স্টা. ৮৬১১১ ৮৬১১২ *৮৬১১৩স্টা.কে.গ. ৮৬১১৪ *৮৬১১৫ ৮৬১১৬ *৮৬১১৭স্টা.কে.গ.পী ৮৬১১৮ ৮৬১১৯ *৮৬১২০স্টা. ৮৬১২১ *৮৬১২২স্টা.কে.গ. *৮৬০৯১স্টা.কে.গ. ৮৬০৯২ *৮৬০৯৩স্টা.কে.গ. *৮৬০৯৪স্টা. ৮৬০৯৫ ৮৬০৯৬ *৮৬০৯৭স্টা.কে.গ.পী *৮৬০৯৮ ৮৬০৯৯ *৮৬১০০স্টা.কে.গ. ৮৬১০১ *৮৬১০২স্টা.কে.গ.পী *৮৬১০৩ ৮৬১০৪ ৮৬১০৫ *৮৬১০৬স্টা.কে. ৮৬১০৭ *৮৬১০৮স্টা.কে.গ.পী ৮৬১০৯ *৮৬১১০স্টা. ৮৬১১১ ৮৬১১২ *৮৬১১৩স্টা.কে.গ. ৮৬১১৪ *৮৬১১৫ ৮৬১১৬ *৮৬১১৭স্টা.কে.গ.পী ৮৬১১৮ ৮৬১১৯ *৮৬১২০স্টা. ৮৬১২১ *৮৬১২২স্টা.কে.গ. *৮৬০৯১স্টা.কে.গ. ৮৬০৯২ *৮৬০৯৩স্টা.কে.গ. *৮৬০৯৪স্টা. ৮৬০৯৫ ৮৬০৯৬ *৮৬০৯৭স্টা.কে.গ.পী *৮৬০৯৮ ৮৬০৯৯ *৮৬১০০স্টা.কে.গ. ৮৬১০১ *৮৬১০২স্টা.কে.গ.পী *৮৬১০৩ ৮৬১০৪ ৮৬১০৫ *৮৬১০৬স্টা.কে. ৮৬১০৭ *৮৬১০৮স্টা.কে.গ.পী ৮৬১০৯ *৮৬১১০স্টা. ৮৬১১১ ৮৬১১২ *৮৬১১৩স্টা.কে.গ. ৮৬১১৪ *৮৬১১৫ ৮৬১১৬ *৮৬১১৭স্টা.কে.গ.পী ৮৬১১৮ ৮৬১১৯ *৮৬১২০স্টা. ৮৬১২১ *৮৬১২২স্টা.কে.গ. *৮৬০৯১স্টা.কে.গ. ৮৬০৯২ *৮৬০৯৩স্টা.কে.গ. *৮৬০৯৪স্টা. ৮৬০৯৫ ৮৬০৯৬ *৮৬০৯৭স্টা.কে.গ.পী *৮৬০৯৮ ৮৬০৯৯ *৮৬১০০স্টা.কে.গ. ৮৬১০১ *৮৬১০২স্টা.কে.গ.পী *৮৬১০৩ ৮৬১০৪ ৮৬১০৫ *৮৬১০৬স্টা.কে. ৮৬১০৭ *৮৬১০৮স্টা.কে.গ.পী ৮৬১০৯ *৮৬১১০স্টা. ৮৬১১১ ৮৬১১২ *৮৬১১৩স্টা.কে.গ. ৮৬১১৪ *৮৬১১৫ ৮৬১১৬ *৮৬১১৭স্টা.কে.গ.পী ৮৬১১৮ ৮৬১১৯ *৮৬১২০স্টা. ৮৬১২১ *৮৬১২২স্টা.কে.গ. *৮৬০৯১স্টা.কে.গ. ৮৬০৯২ *৮৬০৯৩স্টা.কে.গ. *৮৬০৯৪স্টা. ৮৬০৯৫ ৮৬০৯৬ *৮৬০৯৭স্টা.কে.গ.পী *৮৬০৯৮ ৮৬০৯৯ *৮৬১০০স্টা.কে.গ. ৮৬১০১ *৮৬১০২স্টা.কে.গ.পী *৮৬১০৩ ৮৬১০৪ ৮৬১০৫ *৮৬১০৬স্টা.কে. ৮৬১০৭ *৮৬১০৮স্টা.কে.গ.পী ৮৬১০৯ *৮৬১১০স্টা. ৮৬১১১ ৮৬১১২ *৮৬১১৩স্টা.কে.গ. ৮৬১১৪ *
দ্বিতীয় বিভাগ :
হলিক্রস কলেজ
রোল নম্বর ৯৩৯৪৩—৯৪১৩২ = ১৯০ জন।
*৮৬০৯১স্টা.কে.গ. ৮৬০৯২ *৮৬০৯৩স্টা.কে.গ. *৮৬০৯৪স্টা. ৮৬০৯৫ ৮৬০৯৬ *৮৬০৯৭স্টা.কে.গ.পী *৮৬০৯৮ ৮৬০৯৯ *৮৬১০০স্টা.কে.গ. ৮৬১০১ *৮৬১০২স্টা.কে.গ.পী *৮৬১০৩ ৮৬১০৪ ৮৬১০৫ *৮৬১০৬স্টা.কে. ৮৬১০৭ *৮৬১০৮স্টা.কে.গ.পী ৮৬১০৯ *৮৬১১০স্টা. ৮৬১১১ ৮৬১১২ *৮৬১১৩স্টা.কে.গ. ৮৬১১৪ *৮৬১১৫ ৮৬১১৬ *৮৬১১৭স্টা.কে.গ.পী ৮৬১১৮ ৮৬১১৯ *৮৬১২০স্টা. ৮৬১২১ *৮৬১২২স্টা.কে.গ. *৮৬০৯১স্টা.কে.গ. ৮৬০৯২ *৮৬০৯৩স্টা.কে.গ. *৮৬০৯৪স্টা. ৮৬০৯৫ ৮৬০৯৬ *৮৬০৯৭স্টা.কে.গ.পী *৮৬০৯৮ ৮৬০৯৯ *৮৬১০০স্টা.কে.গ. ৮৬১০১ *৮৬১০২স্টা.কে.গ.পী *৮৬১০৩ ৮৬১০৪ ৮৬১০৫ *৮৬১০৬স্টা.কে. ৮৬১০৭ *৮৬১০৮স্টা.কে.গ.পী ৮৬১০৯ *৮৬১১০স্টা. ৮৬১১১ ৮৬১১২ *৮৬১১৩স্টা.কে.গ. ৮৬১১৪ *৮৬১১৫ ৮৬১১৬ *৮৬১১৭স্টা.কে.গ.পী ৮৬১১৮ ৮৬১১৯ *৮৬১২০স্টা. ৮৬১২১ *৮৬১২২স্টা.কে.গ. *৮৬০৯১স্টা.কে.গ. ৮৬০৯২ *৮৬০৯৩স্টা.কে.গ. *৮৬০৯৪স্টা. ৮৬০৯৫ ৮৬০৯৬ *৮৬০৯৭স্টা.কে.গ.পী *৮৬০৯৮ ৮৬০৯৯ *৮৬১০০স্টা.কে.গ. ৮৬১০১ *৮৬১০২স্টা.কে.গ.পী *৮৬১০৩ ৮৬১০৪ ৮৬১০৫ *৮৬১০৬স্টা.কে. ৮৬১০৭ *৮৬১০৮স্টা.কে.গ.পী ৮৬১০৯ *৮৬১১০স্টা. ৮৬১১১ ৮৬১১২ *৮৬১১৩স্টা.কে.গ. ৮৬১১৪ *৮৬১১৫ ৮৬১১৬ *৮৬১১৭স্টা.কে.গ.পী ৮৬১১৮ ৮৬১১৯ *৮৬১২০স্টা. ৮৬১২১ *৮৬১২২স্টা.কে.গ. *৮৬০৯১স্টা.কে.গ. ৮৬০৯২ *৮৬০৯৩স্টা.কে.গ. *৮৬০৯৪স্টা. ৮৬০৯৫ ৮৬০৯৬ *৮৬০৯৭স্টা.কে.গ.পী *৮৬০৯৮ ৮৬০৯৯ *৮৬১০০স্টা.কে.গ. ৮৬১০১ *৮৬১০২স্টা.কে.গ.পী *৮৬১০৩ ৮৬১০৪ ৮৬১০৫ *৮৬১০৬স্টা.কে. ৮৬১০৭ *৮৬১০৮স্টা.কে.গ.পী ৮৬১০৯ *৮৬১১০স্টা. ৮৬১১১ ৮৬১১২ *৮৬১১৩স্টা.কে.গ. ৮৬১১৪ *৮৬১১৫ ৮৬১১৬ *৮৬১১৭স্টা.কে.গ.পী ৮৬১১৮ ৮৬১১৯ *৮৬১২০স্টা. ৮৬১২১ *৮৬১২২স্টা.কে.গ. *৮৬০৯১স্টা.কে.গ. ৮৬০৯২ *৮৬০৯৩স্টা.কে.গ. *৮৬০৯৪স্টা. ৮৬০৯৫ ৮৬০৯৬ *৮৬০৯৭স্টা.কে.গ.পী *৮৬০৯৮ ৮৬০৯৯ *৮৬১০০স্টা.কে.গ. ৮৬১০১ *৮৬১০২স্টা.কে.গ.পী *৮৬১০৩ ৮৬১০৪ ৮৬১০৫ *৮৬১০৬স্টা.কে. ৮৬১০৭ *৮৬১০৮স্টা.কে.গ.পী ৮৬১০৯ *৮৬১১০স্টা. ৮৬১১১ ৮৬১১২ *৮৬১১৩স্টা.কে.গ. ৮৬১১৪ *৮৬১১৫ ৮৬১১৬ *৮৬১১৭স্টা.কে.গ.পী ৮৬১১৮ ৮৬১১৯ *৮৬১২০স্টা. ৮৬১২১ *৮৬১২২স্টা.কে.গ. *৮৬০৯১স্টা.কে.গ. ৮৬০৯২ *৮৬০৯৩স্টা.কে.গ. *৮৬০৯৪স্টা. ৮৬০৯৫ ৮৬০৯৬ *৮৬০৯৭স্টা.কে.গ.পী *৮৬০৯৮ ৮৬০৯৯ *৮৬১০০স্টা.কে.গ. ৮৬১০১ *৮৬১০২স্টা.কে.গ.পী *৮৬১০৩ ৮৬১০৪ ৮৬১০৫ *৮৬১০৬স্টা.কে. ৮৬১০৭ *৮৬১০৮স্টা.কে.গ.পী ৮৬১০৯ *৮৬১১০স্টা. ৮৬১১১ ৮৬১১২ *৮৬১১৩স্টা.কে.গ. ৮৬১১৪ *৮৬১১৫ ৮৬১১৬ *৮৬১১৭স্টা.কে.গ.পী ৮৬১১৮ ৮৬১১৯ *৮৬১২০স্টা. ৮৬১২১ *৮৬১২২স্টা.কে.গ. *৮৬০৯১স্টা.কে.গ. ৮৬০৯২ *৮৬০৯৩স্টা.কে.গ. *৮৬০৯৪স্টা. ৮৬০৯৫ ৮৬০৯৬ *৮৬০৯৭স্টা.কে.গ.পী *৮৬০৯৮ ৮৬০৯৯ *৮৬১০০স্টা.কে.গ. ৮৬১০১ *৮৬১০২স্টা.কে.গ.পী *৮৬১০৩ ৮৬১০৪ ৮৬১০৫ *৮৬১০৬স্টা.কে. ৮৬১০৭ *৮৬১০৮স্টা.কে.গ.পী ৮৬১০৯ *৮৬১১০স্টা. ৮৬১১১ ৮৬১১২ *৮৬১১৩স্টা.কে.গ. ৮৬১১৪ *৮৬১১৫ ৮৬১১৬ *৮৬১১৭স্টা.কে.গ.পী ৮৬১১৮ ৮৬১১৯ *৮৬১২০স্টা. ৮৬১২১ *৮৬১২২স্টা.কে.গ. *৮৬০৯১স্টা.কে.গ. ৮৬
ফেল :
ইডেন মহিলা কলেজ, ঢাকা
রোল নম্বর ৯৪১৩৩—৯৪৩০০ = ১৫৮ জন।
১২৪৪০ ১২৪৪১ ১২৪৪২ ১২৪৪৩ *১২৪৪৪স্টা. ১২৪৪৫ ১২৪৪৬ ১২৪৪৭ ১২৪৪৮ ১২৪৪৯ ১২৪৫০ *১২৪৫১স্টা.গ. ১২৪৫২ ১২৪৫৩ ১২৪৫৪ ১২৪৫৫ ১২৪৫৬ ১২৪৫৭ ১২৪৫৮ ১২৪৫৯ ১২৪৬০ ১২৪৪০ ১২৪৪১ ১২৪৪২ ১২৪৪৩ *১২৪৪৪স্টা. ১২৪৪৫ ১২৪৪৬ ১২৪৪৭ ১২৪৪৮ ১২৪৪৯ ১২৪৫০ *১২৪৫১স্টা.গ. ১২৪৫২ ১২৪৫৩ ১২৪৫৪ ১২৪৫৫ ১২৪৫৬ ১২৪৫৭ ১২৪৫৮ ১২৪৫৯ ১২৪৬০ ১২৪৪০ ১২৪৪১ ১২৪৪২ ১২৪৪৩ *১২৪৪৪স্টা. ১২৪৪৫ ১২৪৪৬ ১২৪৪৭ ১২৪৪৮ ১২৪৪৯ ১২৪৫০ *১২৪৫১স্টা.গ. ১২৪৫২ ১২৪৫৩ ১২৪৫৪ ১২৪৫৫ ১২৪৫৬ ১২৪৫৭ ১২৪৫৮ ১২৪৫৯ ১২৪৬০ ১২৪৪০ ১২৪৪১ ১২৪৪২ ১২৪৪৩ *১২৪৪৪স্টা. ১২৪৪৫ ১২৪৪৬ ১২৪৪৭ ১২৪৪৮ ১২৪৪৯ ১২৪৫০ *১২৪৫১স্টা.গ. ১২৪৫২ ১২৪৫৩ ১২৪৫৪ ১২৪৫৫ ১২৪৫৬ ১২৪৫৭ ১২৪৫৮ ১২৪৫৯ ১২৪৬০ ১২৪৪০ ১২৪৪১ ১২৪৪২ ১২৪৪৩ *১২৪৪৪স্টা. ১২৪৪৫ ১২৪৪৬ ১২৪৪৭ ১২৪৪৮ ১২৪৪৯ ১২৪৫০ *১২৪৫১স্টা.গ. ১২৪৫২ ১২৪৫৩ ১২৪৫৪ ১২৪৫৫ ১২৪৫৬ ১২৪৫৭ ১২৪৫৮ ১২৪৫৯ ১২৪৬০ ১২৪৪০ ১২৪৪১ ১২৪৪২ ১২৪৪৩ *১২৪৪৪স্টা. ১২৪৪৫ ১২৪৪৬ ১২৪৪৭ ১২৪৪৮ ১২৪৪৯ ১২৪৫০ *১২৪৫১স্টা.গ. ১২৪৫২ ১২৪৫৩ ১২৪৫৪ ১২৪৫৫ ১২৪৫৬ ১২৪৫৭ ১২৪৫৮ ১২৪৫৯ ১২৪৬০ ১২৪৪০ ১২৪৪১ ১২৪৪২ ১২৪৪৩ *১২৪৪৪স্টা. ১২৪৪৫ ১২৪৪৬ ১২৪৪৭ ১২৪৪৮ ১২৪৪৯ ১২৪৫০ *১২৪৫১স্টা.গ. ১২৪৫২ ১২৪৫৩ ১২৪৫৪ ১২৪৫৫ ১২৪৫৬ ১২৪৫৭ ১২৪৫৮ ১২৪৫৯ ১২৪৬০ ১২৪৪০ ১২৪৪১ ১২৪৪২ ১২৪৪৩ *১২৪৪৪স্টা. ১২৪৪৫ ১২৪৪৬ ১২৪৪৭ ১২৪৪৮ ১২৪৪৯ ১২৪৫০ *১২৪৫১স্টা.গ. ১২৪৫২ ১২৪৫৩ ১২৪৫৪ ১২৪৫৫ ১২৪৫৬ ১২৪৫৭ ১২৪৫৮ ১২৪৫৯ ১২৪৬০ ১২৪৪০ ১২৪৪১ ১২৪৪২ ১২৪৪৩ *১২৪৪৪স্টা. ১২৪৪৫ ১২৪৪৬ ১২৪৪৭ ১২৪৪৮ ১২৪৪৯ ১২৪৫০ *১২৪৫১স্টা.গ. ১২৪৫২ ১২৪৫৩ ১২৪৫৪ ১২৪৫৫ ১২৪৫৬ ১২৪৫৭ ১২৪৫৮ ১২৪৫৯ ১২৪৬০ ১২৪৪০ ১২৪৪১ ১২৪৪২ ১২৪৪৩ *১২৪৪৪স্টা. ১২৪৪৫ ১২৪৪৬ ১২৪৪৭ ১২৪৪৮ ১২৪৪৯ ১২৪৫০ *১২৪৫১স্টা.গ. ১২৪৫২ ১২৪৫৩ ১২৪৫৪ ১২৪৫৫ ১২৪৫৬ ১২৪৫৭ ১২৪৫৮ ১২৪৫৯ ১২৪৬০ ১২৪৪০ ১২৪৪১ ১২৪৪২ ১২৪৪৩ *১২৪৪৪স্টা. ১২৪৪৫ ১২৪৪৬ ১২৪৪৭ ১২৪৪৮ ১২৪৪৯ ১২৪৫০ *১২৪৫১স্টা.গ. ১২৪৫২ ১২৪৫৩ ১২৪৫৪ ১২৪৫৫ ১২৪৫৬ ১২৪৫৭ ১২৪৫৮ ১২৪৫৯ ১২৪৬০ ১২৪৪০ ১২৪৪১ ১২৪৪২ ১২৪৪৩ *১২৪৪৪স্টা. ১২৪৪৫ ১২৪৪৬ ১২৪৪৭ ১২৪৪৮ ১২৪৪৯ ১২৪৫০ *১২৪৫১স্টা.গ. ১২৪৫২ ১২৪৫৩ ১২৪৫৪ ১২৪৫৫ ১২৪৫৬ ১২৪৫৭ ১২৪৫৮ ১২৪৫৯ ১২৪৬০ ১২৪৪০ ১২৪৪১ ১২৪৪২ ১২৪৪৩ *১২৪৪৪স্টা. ১২৪৪৫ ১২৪৪৬ ১২৪৪৭ ১২৪৪৮ ১২৪৪৯ ১২৪৫০ *১২৪৫১স্টা.গ. ১২৪৫২ ১২৪৫৩ ১২৪৫৪ ১২৪৫৫ ১২৪৫৬ ১২৪৫৭ ১২৪৫৮ ১২৪৫৯ ১২৪৬০ ১২৪৪০ ১২৪৪১ ১২৪৪২ ১২৪৪৩ *১২৪৪৪স্টা. ১২৪৪৫ ১২৪৪৬ ১২৪৪৭ ১২৪৪৮ ১২৪৪৯ ১২৪৫০ *১২৪৫১স্টা.গ. ১২৪৫২ ১২৪৫৩ ১২৪৫৪ ১২৪৫৫ ১২৪৫৬ ১২৪৫৭ ১২৪৫৮ ১২৪৫৯ ১২৪৬০ ১২৪৪০ ১২৪৪১ ১২৪
অনুপস্থিত :
আইডিয়াল কলেজ, ঢাকা
রোল নম্বর ৯৪৩০১—৯৪৩৯৯ = ৯৯ জন।
১২৪৪০ ১২৪৪১ ১২৪৪২ ১২৪৪৩ *১২৪৪৪স্টা. ১২৪৪৫ ১২৪৪৬ ১২৪৪৭ ১২৪৪৮ ১২৪৪৯ ১২৪৫০ *১২৪৫১স্টা.গ. ১২৪৫২ ১২৪৫৩ ১২৪৫৪ ১২৪৫৫ ১২৪৫৬ ১২৪৫৭ ১২৪৫৮ ১২৪৫৯ ১২৪৬০ ১২৪৪০ ১২৪৪১ ১২৪৪২ ১২৪৪৩ *১২৪৪৪স্টা. ১২৪৪৫ ১২৪৪৬ ১২৪৪৭ ১২৪৪৮ ১২৪৪৯ ১২৪৫০ *১২৪৫১স্টা.গ. ১২৪৫২ ১২৪৫৩ ১২৪৫৪ ১২৪৫৫ ১২৪৫৬ ১২৪৫৭ ১২৪৫৮ ১২৪৫৯ ১২৪৬০ ১২৪৪০ ১২৪৪১ ১২৪৪২ ১২৪৪৩ *১২৪৪৪স্টা. ১২৪৪৫ ১২৪৪৬ ১২৪৪৭ ১২৪৪৮ ১২৪৪৯ ১২৪৫০ *১২৪৫১স্টা.গ. ১২৪৫২ ১২৪৫৩ ১২৪৫৪ ১২৪৫৫ ১২৪৫৬ ১২৪৫৭ ১২৪৫৮ ১২৪৫৯ ১২৪৬০ ১২৪৪০ ১২৪৪১ ১২৪৪২ ১২৪৪৩ *১২৪৪৪স্টা. ১২৪৪৫ ১২৪৪৬ ১২৪৪৭ ১২৪৪৮ ১২৪৪৯ ১২৪৫০ *১২৪৫১স্টা.গ. ১২৪৫২ ১২৪৫৩ ১২৪৫৪ ১২৪৫৫ ১২৪৫৬ ১২৪৫৭ ১২৪৫৮ ১২৪৫৯ ১২৪৬০ ১২৪৪০ ১২৪৪১ ১২৪৪২ ১২৪৪৩ *১২৪৪৪স্টা. ১২৪৪৫ ১২৪৪৬ ১২৪৪৭ ১২৪৪৮ ১২৪৪৯ ১২৪৫০ *১২৪৫১স্টা.গ. ১২৪৫২ ১২৪৫৩ ১২৪৫৪ ১২৪৫৫ ১২৪৫৬ ১২৪৫৭ ১২৪৫৮ ১২৪৫৯ ১২৪৬০ ১২৪৪০ ১২৪৪১ ১২৪৪২ ১২৪৪৩ *১২৪৪৪স্টা. ১২৪৪৫ ১২৪৪৬ ১২৪৪৭ ১২৪৪৮ ১২৪৪৯ ১২৪৫০ *১২৪৫১স্টা.গ. ১২৪৫২ ১২৪৫৩ ১২৪৫৪ ১২৪৫৫ ১২৪৫৬ ১২৪৫৭ ১২৪৫৮ ১২৪৫৯ ১২৪৬০ ১২৪৪০ ১২৪৪১ ১২৪৪২ ১২৪৪৩ *১২৪৪৪স্টা. ১২৪৪৫ ১২৪৪৬ ১২৪৪৭ ১২
আদমজী ক্যান্টনমেন্ট কলেজ
রোল নম্বর ৯৪৪০০—৯৪৯১৯ = ৫২০ জন।
*৮৬০৯১স্টা.কে.গ. ৮৬০৯২ *৮৬০৯৩স্টা.কে.গ. *৮৬০৯৪স্টা. ৮৬০৯৫ ৮৬০৯৬ *৮৬০৯৭স্টা.কে.গ.পী *৮৬০৯৮ ৮৬০৯৯ *৮৬১০০স্টা.কে.গ. ৮৬১০১ *৮৬১০২স্টা.কে.গ.পী *৮৬১০৩ ৮৬১০৪ ৮৬১০৫ *৮৬১০৬স্টা.কে. ৮৬১০৭ *৮৬১০৮স্টা.কে.গ.পী ৮৬১০৯ *৮৬১১০স্টা. ৮৬১১১ ৮৬১১২ *৮৬১১৩স্টা.কে.গ. ৮৬১১৪ *৮৬১১৫ ৮৬১১৬ *৮৬১১৭স্টা.কে.গ.পী ৮৬১১৮ ৮৬১১৯ *৮৬১২০স্টা. ৮৬১২১ *৮৬১২২স্টা.কে.গ. *৮৬০৯১স্টা.কে.গ. ৮৬০৯২ *৮৬০৯৩স্টা.কে.গ. *৮৬০৯৪স্টা. ৮৬০৯৫ ৮৬০৯৬ *৮৬০৯৭স্টা.কে.গ.পী *৮৬০৯৮ ৮৬০৯৯ *৮৬১০০স্টা.কে.গ. ৮৬১০১ *৮৬১০২স্টা.কে.গ.পী *৮৬১০৩ ৮৬১০৪ ৮৬১০৫ *৮৬১০৬স্টা.কে. ৮৬১০৭ *৮৬১০৮স্টা.কে.গ.পী ৮৬১০৯ *৮৬১১০স্টা. ৮৬১১১ ৮৬১১২ *৮৬১১৩স্টা.কে.গ. ৮৬১১৪ *৮৬১১৫ ৮৬১১৬ *৮৬১১৭স্টা.কে.গ.পী ৮৬১১৮ ৮৬১১৯ *৮৬১২০স্টা. ৮৬১২১ *৮৬১২২স্টা.কে.গ. *৮৬০৯১স্টা.কে.গ. ৮৬০৯২ *৮৬০৯৩স্টা.কে.গ. *৮৬০৯৪স্টা. ৮৬০৯৫ ৮৬০৯৬ *৮৬০৯৭স্টা.কে.গ.পী *৮৬০৯৮ ৮৬০৯৯ *৮৬১০০স্টা.কে.গ. ৮৬১০১ *৮৬১০২স্টা.কে.গ.পী *৮৬১০৩ ৮৬১০৪ ৮৬১০৫ *৮৬১০৬স্টা.কে. ৮৬১০৭ *৮৬১০৮স্টা.কে.গ.পী ৮৬১০৯ *৮৬১১০স্টা. ৮৬১১১ ৮৬১১২ *৮৬১১৩স্টা.কে.গ. ৮৬১১৪ *৮৬১১৫ ৮৬১১৬ *৮৬১১৭স্টা.কে.গ.পী ৮৬১১৮ ৮৬১১৯ *৮৬১২০স্টা. ৮৬১২১ *৮৬১২২স্টা.কে.গ. *৮৬০৯১স্টা.কে.গ. ৮৬০৯২ *৮৬০৯৩স্টা.কে.গ. *৮৬০৯৪স্টা. ৮৬০৯৫ ৮৬০৯৬ *৮৬০৯৭স্টা.কে.গ.পী *৮৬০৯৮ ৮৬০৯৯ *৮৬১০০স্টা.কে.গ. ৮৬১০১ *৮৬১০২স্টা.কে.গ.পী *৮৬১০৩ ৮৬১০৪ ৮৬১০৫ *৮৬১০৬স্টা.কে. ৮৬১০৭ *৮৬১০৮স্টা.কে.গ.পী ৮৬১০৯ *৮৬১১০স্টা. ৮৬১১১ ৮৬১১২ *৮৬১১৩স্টা.কে.গ. ৮৬১১৪ *৮৬১১৫ ৮৬১১৬ *৮৬১১৭স্টা.কে.গ.পী ৮৬১১৮ ৮৬১১৯ *৮৬১২০স্টা. ৮৬১২১ *৮৬১২২স্টা.কে.গ. *৮৬০৯১স্টা.কে.গ. ৮৬০৯২ *৮৬০৯৩স্টা.কে.গ. *৮৬০৯৪স্টা. ৮৬০৯৫ ৮৬০৯৬ *৮৬০৯৭স্টা.কে.গ.পী *৮৬০৯৮ ৮৬০৯৯ *৮৬১০০স্টা.কে.গ. ৮৬১০১ *৮৬১০২স্টা.কে.গ.পী *৮৬১০৩ ৮৬১০৪ ৮৬১০৫ *৮৬১০৬স্টা.কে. ৮৬১০৭ *৮৬১০৮স্টা.কে.গ.পী ৮৬১০৯ *৮৬১১০স্টা. ৮৬১১১ ৮৬১১২ *৮৬১১৩স্টা.কে.গ. ৮৬১১৪ *৮৬১১৫ ৮৬১১৬ *৮৬১১৭স্টা.কে.গ.পী ৮৬১১৮ ৮৬১১৯ *৮৬১২০স্টা. ৮৬১২১ *৮৬১২২স্টা.কে.গ. *৮৬০৯১স্টা.কে.গ. ৮৬০৯২ *৮৬০৯৩স্টা.কে.গ. *৮৬০৯৪স্টা. ৮৬০৯৫ ৮৬০৯৬ *৮৬০৯৭স্টা.কে.গ.পী *৮৬০৯৮ ৮৬০৯৯ *৮৬১০০স্টা.কে.গ. ৮৬১০১ *৮৬১০২স্টা.কে.গ.পী *৮৬১০৩ ৮৬১০৪ ৮৬১০৫ *৮৬১০৬স্টা.কে. ৮৬১০৭ *৮৬১০৮স্টা.কে.গ.পী ৮৬১০৯ *৮৬১১০স্টা. ৮৬১১১ ৮৬১১২ *৮৬১১৩স্টা.কে.গ. ৮৬১১৪ *৮৬১১৫ ৮৬১১৬ *৮৬১১৭স্টা.কে.গ.পী ৮৬১১৮ ৮৬১১৯ *৮৬১২০স্টা. ৮৬১২১ *৮৬১২২স্টা.কে.গ. *৮৬০৯১স্টা.কে.গ. ৮৬০৯২ *৮৬০৯৩স্টা.কে.গ. *৮৬০৯৪স্টা. ৮৬০৯৫ ৮৬০৯৬ *৮৬০৯৭স্টা.কে.গ.পী *৮৬০৯৮ ৮৬০৯৯ *৮৬১০০স্টা.কে.গ. ৮৬১০১ *৮৬১০২স্টা.কে.গ.পী *৮৬১০৩ ৮৬১০৪ ৮৬১০৫ *৮৬১০৬স্টা.কে. ৮৬১০৭ *৮৬১০৮স্টা.কে.গ.পী ৮৬১০৯ *৮৬১১০স্টা. ৮৬১১১ ৮৬১১২ *৮৬১১৩স্টা.কে.গ. ৮৬১১৪ *৮৬১১৫ ৮৬১১৬ *৮৬১১৭স্টা.কে.গ.পী ৮৬১১৮ ৮৬১১৯ *৮৬১২০স্টা. ৮৬১২১ *৮৬১২২স্টা.কে.গ. *৮৬০৯১স্টা.কে.গ. ৮৬০৯২ *৮৬০৯৩স্টা.কে.গ. *৮৬০৯৪স্টা. ৮৬০৯৫ ৮৬০৯৬ *৮৬০৯৭স্টা.কে.গ.পী *৮৬০৯৮ ৮৬০৯৯ *৮৬১০০স্টা.কে.গ. ৮৬১০১ *৮৬১০২স্টা.কে.গ.পী *৮৬১০৩ ৮৬১০৪ ৮৬১০৫ *৮৬১০৬স্টা.কে. ৮৬১০৭ *৮৬১০৮স্টা.কে.গ.পী ৮৬১০৯ *৮৬১১০স্টা. ৮৬১১১ ৮৬১১২ *৮৬১১৩স্টা.কে.গ. ৮৬১১৪ *৮৬১১৫ ৮৬১১৬ *৮৬১১৭স্টা.কে.গ.পী ৮৬১১৮ ৮৬১১৯ *৮৬১২০স্টা. ৮৬১২১ *৮৬১২২স্টা.কে.গ. *৮৬০৯১স্টা.কে.গ. ৮৬০৯২ *৮৬০৯৩স্টা.কে.গ. *৮৬০৯৪স্টা. ৮৬০৯৫ ৮৬০৯৬ *৮৬০৯৭স্টা.কে.গ.পী *৮৬০৯৮ ৮৬০৯৯ *৮৬১০০স্টা.কে.গ. ৮৬১০১ *৮৬১০২স্টা.কে.গ.পী *৮৬১০৩ ৮৬১০৪ ৮৬১০৫ *৮৬১০৬স্টা.কে. ৮৬১০৭ *৮৬১০৮স্টা.কে.গ.পী ৮৬১০৯ *৮৬১১০স্টা. ৮৬১১১ ৮৬১১২ *৮৬১১৩স্টা.কে.গ. ৮৬১১৪ *৮৬১১৫ ৮৬১১৬ *৮৬১১৭স্টা.কে.গ.পী ৮৬১১৮ ৮৬১১৯ *৮৬১২০স্টা. ৮৬১২১ *৮৬১২২স্টা.কে.গ. *৮৬০৯১স্টা.কে.গ. ৮৬০৯২ *৮৬০৯৩স্টা.কে.গ. *৮৬০৯৪স্টা. ৮৬০৯৫ ৮৬০৯৬ *৮৬০৯৭স্টা.কে.গ.পী *৮৬০৯৮ ৮৬০৯৯ *৮৬১০০স্টা.কে.গ. ৮৬১০১ *৮৬১০২স্টা.কে.গ.পী *৮৬১০৩ ৮৬১০৪ ৮৬১০৫ *৮৬১০৬স্টা.কে. ৮৬১০৭ *৮৬১০৮স্টা.কে.গ.পী ৮৬১০৯ *৮৬১১০স্টা. ৮৬১১১ ৮৬১১২ *৮৬১১৩স্টা.কে.গ. ৮৬১১৪ *৮৬১১৫ ৮৬১১৬ *৮৬১১৭স্টা.কে.গ.পী ৮৬১১৮ ৮৬১১৯ *৮৬১২০স্টা. ৮৬১২১ *৮৬১২২স্টা.কে.গ. *৮৬০৯১স্টা.কে.গ. ৮৬০৯২ *৮৬০৯৩স্টা.কে.গ. *৮৬০৯৪স্টা. ৮৬০৯৫ ৮৬০৯৬ *৮৬০৯৭স্টা.কে.গ.পী *৮৬০৯৮ ৮৬০৯৯ *৮৬১০০স্টা.কে.গ. ৮৬১০১ *৮৬১০২স্টা.কে.গ.পী *৮৬১০৩ ৮৬১০৪ ৮৬১০৫ *৮৬১০৬স্টা.কে. ৮৬১০৭ *৮৬১০৮স্টা.কে.গ.পী ৮৬১০৯ *৮৬১১০স্টা. ৮৬১১১ ৮৬১১২ *৮৬১১৩স্টা.কে.গ. ৮৬১১৪ *৮৬১১৫ ৮৬১১৬ *৮৬১১৭স্টা.কে.গ.পী ৮৬১১৮ ৮৬১১৯ *৮৬১২০স্টা. ৮৬১২১ *৮৬১২২স্টা.কে.গ. *৮৬০৯১স্টা.কে.গ. ৮৬০৯২ *৮৬০৯৩স্টা.কে.গ. *৮৬০৯৪স্টা. ৮৬০৯৫ ৮৬০৯৬ *৮৬০৯৭স্টা.কে.গ.পী *৮৬০৯৮ ৮৬০৯৯ *৮৬১০০স্টা.কে.গ. ৮৬১০১ *৮৬১০২স্টা.কে.গ.পী *৮৬১০৩ ৮৬১০৪ ৮৬১০৫ *৮৬১০৬স্টা.কে. ৮৬১০৭ *৮৬১০৮স্টা.কে.গ.পী ৮৬১০৯ *৮৬১১০স্টা. ৮৬১১১ ৮৬১১২ *৮৬১১৩স্টা.কে.গ. ৮৬১১৪ *
*৮৬০৯১স্টা.কে.গ. ৮৬০৯২ *৮৬০৯৩স্টা.কে.গ. *৮৬০৯৪স্টা. ৮৬০৯৫ ৮৬০৯৬ *৮৬০৯৭স্টা.কে.গ.পী *৮৬০৯৮ ৮৬০৯৯ *৮৬১০০স্টা.কে.গ. ৮৬১০১ *৮৬১০২স্টা.কে.গ.পী *৮৬১০৩ ৮৬১০৪ ৮৬১০৫ *৮৬১০৬স্টা.কে. ৮৬১০৭ *৮৬১০৮স্টা.কে.গ.পী ৮৬১০৯ *৮৬১১০স্টা. ৮৬১১১ ৮৬১১২ *৮৬১১৩স্টা.কে.গ. ৮৬১১৪ *৮৬১১৫ ৮৬১১৬ *৮৬১১৭স্টা.কে.গ.পী ৮৬১১৮ ৮৬১১৯ *৮৬১২০স্টা. ৮৬১২১ *৮৬১২২স্টা.কে.গ. *৮৬০৯১স্টা.কে.গ. ৮৬০৯২ *৮৬০৯৩স্টা.কে.গ. *৮৬০৯৪স্টা. ৮৬০৯৫ ৮৬০৯৬ *৮৬০৯৭স্টা.কে.গ.পী *৮৬০৯৮ ৮৬০৯৯ *৮৬১০০স্টা.কে.গ. ৮৬১০১ *৮৬১০২স্টা.কে.গ.পী *৮৬১০৩ ৮৬১০৪ ৮৬১০৫ *৮৬১০৬স্টা.কে. ৮৬১০৭ *৮৬১০৮স্টা.কে.গ.পী ৮৬১০৯ *৮৬১১০স্টা. ৮৬১১১ ৮৬১১২ *৮৬১১৩স্টা.কে.গ. ৮৬১১৪ *৮৬১১৫ ৮৬১১৬ *৮৬১১৭স্টা.কে.গ.পী ৮৬১১৮ ৮৬১১৯ *৮৬১২০স্টা. ৮৬১২১ *৮৬১২২স্টা.কে.গ. *৮৬০৯১স্টা.কে.গ. ৮৬০৯২ *৮৬০৯৩স্টা.কে.গ. *৮৬০৯৪স্টা. ৮৬০৯৫ ৮৬০৯৬ *৮৬০৯৭স্টা.কে.গ.পী *৮৬০৯৮ ৮৬০৯৯ *৮৬১০০স্টা.কে.গ. ৮৬১০১ *৮৬১০২স্টা.কে.গ.পী *৮৬১০৩ ৮৬১০৪ ৮৬১০৫ *৮৬১০৬স্টা.কে. ৮৬১০৭ *৮৬১০৮স্টা.কে.গ.পী ৮৬১০৯ *৮৬১১০স্টা. ৮৬১১১ ৮৬১১২ *৮৬১১৩স্টা.কে.গ. ৮৬১১৪ *৮৬১১৫ ৮৬১১৬ *৮৬১১৭স্টা.কে.গ.পী ৮৬১১৮ ৮৬১১৯ *৮৬১২০স্টা. ৮৬১২১ *৮৬১২২স্টা.কে.গ. *৮৬০৯১স্টা.কে.গ. ৮৬০৯২ *৮৬০৯৩স্টা.কে.গ. *৮৬০৯৪স্টা. ৮৬০৯৫ ৮৬০৯৬ *৮৬০৯৭স্টা.কে.গ.পী *৮৬০৯৮ ৮৬০৯৯ *৮৬১০০স্টা.কে.গ. ৮৬১০১ *৮৬১০২স্টা.কে.গ.পী *৮৬১০৩ ৮৬১০৪ ৮৬১০৫ *৮৬১০৬স্টা.কে. ৮৬১০৭ *৮৬১০৮স্টা.কে.গ.পী ৮৬১০৯ *৮৬১১০স্টা. ৮৬১১১ ৮৬১১২ *৮৬১১৩স্টা.কে.গ. ৮৬১১৪ *৮৬১১৫ ৮৬১১৬ *৮৬১১৭স্টা.কে.গ.পী ৮৬১১৮ ৮৬১১৯ *৮৬১২০স্টা. ৮৬১২১ *৮৬১২২স্টা.কে.গ. *৮৬০৯১স্টা.কে.গ. ৮৬০৯২ *৮৬০৯৩স্টা.কে.গ. *৮৬০৯৪স্টা. ৮৬০৯৫ ৮৬০৯৬ *৮৬০৯৭স্টা.কে.গ.পী *৮৬০৯৮ ৮৬০৯৯ *৮৬১০০স্টা.কে.গ. ৮৬১০১ *৮৬১০২স্টা.কে.গ.পী *৮৬১০৩ ৮৬১০৪ ৮৬১০৫ *৮৬১০৬স্টা.কে. ৮৬১০৭ *৮৬১০৮স্টা.কে.গ.পী ৮৬১০৯ *৮৬১১০স্টা. ৮৬১১১ ৮৬১১২ *৮৬১১৩স্টা.কে.গ. ৮৬১১৪ *৮৬১১৫ ৮৬১১৬ *৮৬১১৭স্টা.কে.গ.পী ৮৬১১৮ ৮৬১১৯ *৮৬১২০স্টা. ৮৬১২১ *৮৬১২২স্টা.কে.গ. *৮৬০৯১স্টা.কে.গ. ৮৬০৯২ *৮৬০৯৩স্টা.কে.গ. *৮৬০৯৪স্টা. ৮৬০৯৫ ৮৬০৯৬ *৮৬০৯৭স্টা.কে.গ.পী *৮৬০৯৮ ৮৬০৯৯ *৮৬১০০স্টা.কে.গ. ৮৬১০১ *৮৬১০২স্টা.কে.গ.পী *৮৬১০৩ ৮৬১০৪ ৮৬১০৫ *৮৬১০৬স্টা.কে. ৮৬১০৭ *৮৬১০৮স্টা.কে.গ.পী ৮৬১০৯ *৮৬১১০স্টা. ৮৬১১১ ৮৬১১২ *৮৬১১৩স্টা.কে.গ. ৮৬১১৪ *৮৬১১৫ ৮৬১১৬ *৮৬১১৭স্টা.কে.গ.পী ৮৬১১৮ ৮৬১১৯ *৮৬১২০স্টা. ৮৬১২১ *৮৬১২২স্টা.কে.গ. *৮৬০৯১স্টা.কে.গ. ৮৬০৯২ *৮৬০৯৩স্টা.কে.গ. *৮৬০৯৪স্টা. ৮৬০৯৫ ৮৬০৯৬ *৮৬০৯৭স্টা.কে.গ.পী *৮৬০৯৮ ৮৬০৯৯ *৮৬১০০স্টা.কে.গ. ৮৬১০১ *৮৬১০২স্টা.কে.গ.পী *৮৬১০৩ ৮৬১০৪ ৮৬১০৫ *৮৬১০৬স্টা.কে. ৮৬১০৭ *৮৬১০৮স্টা.কে.গ.পী ৮৬১০৯ *৮৬১১০স্টা. ৮৬১১১ ৮৬১১২ *৮৬১১৩স্টা.কে.গ. ৮৬১১৪ *৮৬১১৫ ৮৬১১৬ *৮৬১১৭স্টা.কে.গ.পী ৮৬১১৮ ৮৬১১৯ *৮৬১২০স্টা. ৮৬১২১ *৮৬১২২স্টা.কে.গ. *৮৬০৯১স্টা.কে.গ. ৮৬০৯২ *৮৬০৯৩স্টা.কে.গ. *৮৬০৯৪স্টা. ৮৬০৯৫ ৮৬০৯৬ *৮৬০৯৭স্টা.কে.গ.পী *৮৬০৯৮ ৮৬০৯৯ *৮৬১০০স্টা.কে.গ. ৮৬১০১ *৮৬১০২স্টা.কে.গ.পী *৮৬১০৩ ৮৬১০৪ ৮৬১০৫ *৮৬১০৬স্টা.কে. ৮৬১০৭ *৮৬১০৮স্টা.কে.গ.পী ৮৬১০৯ *৮৬১১০স্টা. ৮৬১১১ ৮৬১১২ *৮৬১১৩স্টা.কে.গ. ৮৬১১৪ *৮৬১১৫ ৮৬১১৬ *৮৬১১৭স্টা.কে.গ.পী ৮৬১১৮ ৮৬১১৯ *৮৬১২০স্টা. ৮৬১২১ *৮৬১২২স্টা.কে.গ. *৮৬০৯১স্টা.কে.গ. ৮৬০৯২ *৮৬০৯৩স্টা.কে.গ. *৮৬০৯৪স্টা. ৮৬০৯৫ ৮৬০৯৬ *৮৬০৯৭স্টা.কে.গ.পী *৮৬০৯৮ ৮৬০৯৯ *৮৬১০০স্টা.কে.গ. ৮৬১০১ *৮৬১০২স্টা.কে.গ.পী *৮৬১০৩ ৮৬১০৪ ৮৬১০৫ *৮৬১০৬স্টা.কে. ৮৬১০৭ *৮৬১০৮স্টা.কে.গ.পী ৮৬১০৯ *৮৬১১০স্টা. ৮৬১১১ ৮৬১১২ *৮৬১১৩স্টা.কে.গ. ৮৬১১৪ *৮৬১১৫ ৮৬১১৬ *৮৬১১৭স্টা.কে.গ.পী ৮৬১১৮ ৮৬১১৯ *৮৬১২০স্টা. ৮৬১২১ *৮৬১২২স্টা.কে.গ. *৮৬০৯১স্টা.কে.গ. ৮৬০৯২ *৮৬০৯৩স্টা.কে.গ. *৮৬০৯৪স্টা. ৮৬০৯৫ ৮৬০৯৬ *৮৬০৯৭স্টা.কে.গ.পী *৮৬০৯৮ ৮৬০৯৯ *৮৬১০০স্টা.কে.গ. ৮৬১০১ *৮৬১০২স্টা.কে.গ.পী *৮৬১০৩ ৮৬১০৪ ৮৬১০৫ *
দ্বিতীয় বিভাগ :
বি, এ, এফ, শাহীন কলেজ
রোল নম্বর ৯৪৯২০—৯৫০৫৮ = ১৩৯ জন।
*৮৬০৯১স্টা.কে.গ. ৮৬০৯২ *৮৬০৯৩স্টা.কে.গ. *৮৬০৯৪স্টা. ৮৬০৯৫ ৮৬০৯৬ *৮৬০৯৭স্টা.কে.গ.পী *৮৬০৯৮ ৮৬০৯৯ *৮৬১০০স্টা.কে.গ. ৮৬১০১ *৮৬১০২স্টা.কে.গ.পী *৮৬১০৩ ৮৬১০৪ ৮৬১০৫ *৮৬১০৬স্টা.কে. ৮৬১০৭ *৮৬১০৮স্টা.কে.গ.পী ৮৬১০৯ *৮৬১১০স্টা. ৮৬১১১ ৮৬১১২ *৮৬১১৩স্টা.কে.গ. ৮৬১১৪ *৮৬১১৫ ৮৬১১৬ *৮৬১১৭স্টা.কে.গ.পী ৮৬১১৮ ৮৬১১৯ *৮৬১২০স্টা. ৮৬১২১ *৮৬১২২স্টা.কে.গ. *৮৬০৯১স্টা.কে.গ. ৮৬০৯২ *৮৬০৯৩স্টা.কে.গ. *৮৬০৯৪স্টা. ৮৬০৯৫ ৮৬০৯৬ *৮৬০৯৭স্টা.কে.গ.পী *৮৬০৯৮ ৮৬০৯৯ *৮৬১০০স্টা.কে.গ. ৮৬১০১ *৮৬১০২স্টা.কে.গ.পী *৮৬১০৩ ৮৬১০৪ ৮৬১০৫ *৮৬১০৬স্টা.কে. ৮৬১০৭ *৮৬১০৮স্টা.কে.গ.পী ৮৬১০৯ *৮৬১১০স্টা. ৮৬১১১ ৮৬১১২ *৮৬১১৩স্টা.কে.গ. ৮৬১১৪ *৮৬১১৫ ৮৬১১৬ *৮৬১১৭স্টা.কে.গ.পী ৮৬১১৮ ৮৬১১৯ *৮৬১২০স্টা. ৮৬১২১ *৮৬১২২স্টা.কে.গ. *৮৬০৯১স্টা.কে.গ. ৮৬০৯২ *৮৬০৯৩স্টা.কে.গ. *৮৬০৯৪স্টা. ৮৬০৯৫ ৮৬০৯৬ *৮৬০৯৭স্টা.কে.গ.পী *৮৬০৯৮ ৮৬০৯৯ *৮৬১০০স্টা.কে.গ. ৮৬১০১ *৮৬১০২স্টা.কে.গ.পী *৮৬১০৩ ৮৬১০৪ ৮৬১০৫ *৮৬১০৬স্টা.কে. ৮৬১০৭ *৮৬১০৮স্টা.কে.গ.পী ৮৬১০৯ *৮৬১১০স্টা. ৮৬১১১ ৮৬১১২ *৮৬১১৩স্টা.কে.গ. ৮৬১১৪ *৮৬১১৫ ৮৬১১৬ *৮৬১১৭স্টা.কে.গ.পী ৮৬১১৮ ৮৬১১৯ *৮৬১২০স্টা. ৮৬১২১ *৮৬১২২স্টা.কে.গ. *৮৬০৯১স্টা.কে.গ. ৮৬০৯২ *৮৬০৯৩স্টা.কে.গ. *৮৬০৯৪স্টা. ৮৬০৯৫ ৮৬০৯৬ *৮৬০৯৭স্টা.কে.গ.পী *৮৬০৯৮ ৮৬০৯৯ *৮৬১০০স্টা.কে.গ. ৮৬১০১ *৮৬১০২স্টা.কে.গ.পী *৮৬১০৩ ৮৬১০৪ ৮৬১০৫ *৮৬১০৬স্টা.কে. ৮৬১০৭ *৮৬১০
ফেল :
বি, এ, এফ, শাহীন কলেজ
রোল নম্বর ৯৫০৫৯—৯৫৪০০ = ৩৪২ জন।
*৮৬০৯১স্টা.কে.গ. ৮৬০৯২ *৮৬০৯৩স্টা.কে.গ. *৮৬০৯৪স্টা. ৮৬০৯৫ ৮৬০৯৬ *৮৬০৯৭স্টা.কে.গ.পী *৮৬০৯৮ ৮৬০৯৯ *৮৬১০০স্টা.কে.গ. ৮৬১০১ *৮৬১০২স্টা.কে.গ.পী *৮৬১০৩ ৮৬১০৪ ৮৬১০৫ *৮৬১০৬স্টা.কে. ৮৬১০৭ *৮৬১০৮স্টা.কে.গ.পী ৮৬১০৯ *৮৬১১০স্টা. ৮৬১১১ ৮৬১১২ *৮৬১১৩স্টা.কে.গ. ৮৬১১৪ *৮৬১১৫ ৮৬১১৬ *৮৬১১৭স্টা.কে.গ.পী ৮৬১১৮ ৮৬১১৯ *৮৬১২০স্টা. ৮৬১২১ *৮৬১২২স্টা.কে.গ. *৮৬০৯১স্টা.কে.গ. ৮৬০৯২ *৮৬০৯৩স্টা.কে.গ. *৮৬০৯৪স্টা. ৮৬০৯৫ ৮৬০৯৬ *৮৬০৯৭স্টা.কে.গ.পী *৮৬০৯৮ ৮৬০৯৯ *৮৬১০০স্টা.কে.গ. ৮৬১০১ *৮৬১০২স্টা.কে.গ.পী *৮৬১০৩ ৮৬১০৪ ৮৬১০৫ *৮৬১০৬স্টা.কে. ৮৬১০৭ *৮৬১০৮স্টা.কে.গ.পী ৮৬১০৯ *৮৬১১০স্টা. ৮৬১১১ ৮৬১১২ *৮৬১১৩স্টা.কে.গ. ৮৬১১৪ *৮৬১১৫ ৮৬১১৬ *৮৬১১৭স্টা.কে.গ.পী ৮৬১১৮ ৮৬১১৯ *৮৬১২০স্টা. ৮৬১২১ *৮৬১২২স্টা.কে.গ. *৮৬০৯১স্টা.কে.গ. ৮৬০৯২ *৮৬০৯৩স্টা.কে.গ. *৮৬০৯৪স্টা. ৮৬০৯৫ ৮৬০৯৬ *৮৬০৯৭স্টা.কে.গ.পী *৮৬০৯৮ ৮৬০৯৯ *৮৬১০০স্টা.কে.গ. ৮৬১০১ *৮৬১০২স্টা.কে.গ.পী *৮৬১০৩ ৮৬১০৪ ৮৬১০৫ *৮৬১০৬স্টা.কে. ৮৬১০৭ *৮৬১০৮স্টা.কে.গ.পী ৮৬১০৯ *৮৬১১০স্টা. ৮৬১১১ ৮৬১১২ *৮৬১১৩স্টা.কে.গ. ৮৬১১৪ *৮৬১১৫ ৮৬১১৬ *৮৬১১৭স্টা.কে.গ.পী ৮৬১১৮ ৮৬১১৯ *৮৬১২০স্টা. ৮৬১২১ *৮৬১২২স্টা.কে.গ. *৮৬০৯১স্টা.কে.গ. ৮৬০৯২ *৮৬০৯৩স্টা.কে.গ. *৮৬০৯৪স্টা. ৮৬০৯৫ ৮৬০৯৬ *৮৬০৯৭স্টা.কে.গ.পী *৮৬০৯৮ ৮৬০৯৯ *৮৬১০০স্টা.কে.গ. ৮৬১০১ *৮৬১০২স্টা.কে.গ.পী *৮৬১০৩ ৮৬১০৪ ৮৬১০৫ *৮৬১০৬স্টা.কে. ৮৬১০৭ *৮৬১০৮স্টা.কে.গ.পী ৮৬১০৯ *৮৬১১০স্টা. ৮৬১১১ ৮৬১১২ *৮৬১১৩স্টা.কে.গ. ৮৬১১৪ *৮৬১১৫ ৮৬১১৬ *৮৬১১৭স্টা.কে.গ.পী ৮৬১১৮ ৮৬১১৯ *৮৬১২০স্টা. ৮৬১২১ *৮৬১২২স্টা.কে.গ. *৮৬০৯১স্টা.কে.গ. ৮৬০৯২ *৮৬০৯৩স্টা.কে.গ. *৮৬০৯৪স্টা. ৮৬০৯৫ ৮৬০৯৬ *৮৬০৯৭স্টা.কে.গ.পী *৮৬০৯৮ ৮৬০৯৯ *৮৬১০০স্টা.কে.গ. ৮৬১০১ *৮৬১০২স্টা.কে.গ.পী *৮৬১০৩ ৮৬১০৪ ৮৬১০৫ *৮৬১০৬স্টা.কে. ৮৬১০৭ *৮৬১০৮স্টা.কে.গ.পী ৮৬১০৯ *৮৬১১০স্টা. ৮৬১১১ ৮৬১১২ *৮৬১১৩স্টা.কে.গ. ৮৬১১৪ *৮৬১১৫ ৮৬১১৬ *৮৬১১৭স্টা.কে.গ.পী ৮৬১১৮ ৮৬১১৯ *৮৬১২০স্টা. ৮৬১২১ *৮৬১২২স্টা.কে.গ. *৮৬০৯১স্টা.কে.গ. ৮৬০৯২ *৮৬০৯৩স্টা.কে.গ. *৮৬০৯৪স্টা. ৮৬০৯৫ ৮৬০৯৬ *৮৬০৯৭স্টা.কে.গ.পী *৮৬০৯৮ ৮৬০৯৯ *৮৬১০০স্টা.কে.গ. ৮৬১০১ *৮৬১০২স্টা.কে.গ.পী *৮৬১০৩ ৮৬১০৪ ৮৬১০৫ *৮৬১০৬স্টা.কে. ৮৬১০৭ *৮৬১০৮স্টা.কে.গ.পী ৮৬১০৯ *৮৬১১০স্টা. ৮৬১১১ ৮৬১১২ *৮৬১১৩স্টা.কে.গ. ৮৬১১৪ *৮৬১১৫ ৮৬১১৬ *৮৬১১৭স্টা.কে.গ.পী ৮৬১১৮ ৮৬১১৯ *৮৬১২০স্টা. ৮৬১২১ *৮৬১২২স্টা.কে.গ. *৮৬০৯১স্টা.কে.গ. ৮৬০৯২ *৮৬০৯৩স্টা.কে.গ. *৮৬০৯৪স্টা. ৮৬০৯৫ ৮৬০৯৬ *৮৬০৯৭স্টা.কে.গ.পী *৮৬০৯৮ ৮৬০৯৯ *৮৬১০০স্টা.কে.গ. ৮৬১০১ *৮৬১০২স্টা.কে.গ.পী *৮৬১০৩ ৮৬১০৪ ৮৬১০৫ *৮৬১০৬স্টা.কে.
অনুপস্থিত :
সিদ্ধেশ্বরী গার্লস কলেজ, ঢাকা
রোল নম্বর ৯৫৪০১—৯৫৬২৬ = ২২৬ জন।
১০০৩০৪ ১০০৩০৫ ১০০৩০৬ ১০০৩০৭ ১০০৩০৮ ১০০৩০৯ ১০০৩১০ ১০০৩১১ ১০০৩১২ ১০০৩১৩ ১০০৩১৪ ১০০৩১৫ ১০০৩১৬ ১০০৩১৭ ১০০৩১৮ ১০০৩১৯ ১০০৩২০ ১০০৩২১ ১০০৩২২ ১০০৩২৩ ১০০৩২৪ ১০০৩২৫ ১০০৩২৬ ১০০৩২৭ ১০০৩২৮ ১০০৩০৪ ১০০৩০৫ ১০০৩০৬ ১০০৩০৭ ১০০৩০৮ ১০০৩০৯ ১০০৩১০ ১০০৩১১ ১০০৩১২ ১০০৩১৩ ১০০৩১৪ ১০০৩১৫ ১০০৩১৬ ১০০৩১৭ ১০০৩১৮ ১০০৩১৯ ১০০৩২০ ১০০৩২১ ১০০৩২২ ১০০৩২৩ ১০০৩২৪ ১০০৩২৫ ১০০৩২৬ ১০০৩২৭ ১০০৩২৮ ১০০৩০৪ ১০০৩০৫ ১০০৩০৬ ১০০৩০৭ ১০০৩০৮ ১০০৩০৯ ১০০৩১০ ১০০৩১১ ১০০৩১২ ১০০৩১৩ ১০০৩১৪ ১০০৩১৫ ১০০৩১৬ ১০০৩১৭ ১০০৩১৮ ১০০৩১৯ ১০০৩২০ ১০০৩২১ ১০০৩২২ ১০০৩২৩ ১০০৩২৪ ১০০৩২৫ ১০০৩২৬ ১০০৩২৭ ১০০৩২৮ ১০০৩০৪ ১০০৩০৫ ১০০৩০৬ ১০০৩০৭ ১০০৩০৮ ১০০৩০৯ ১০০৩১০ ১০০৩১১ ১০০৩১২ ১০০৩১৩ ১০০৩১৪ ১০০৩১৫ ১০০৩১৬ ১০০৩১৭ ১০০৩১৮ ১০০৩১৯ ১০০৩২০ ১০০৩২১ ১০০৩২২ ১০০৩২৩ ১০০৩২৪ ১০০৩২৫ ১০০৩২৬ ১০০৩২৭ ১০০৩২৮ ১০০৩০৪ ১০০৩০৫ ১০০৩০৬ ১০০৩০৭ ১০০৩০৮ ১০০৩০৯ ১০০৩১০ ১০০৩১১ ১০০৩১২ ১০০৩১৩ ১০০৩১৪ ১০০৩১৫ ১০০৩১৬ ১০০৩১৭ ১০০৩১৮ ১০০৩১৯ ১০০৩২০ ১০০৩২১ ১০০৩২২ ১০০৩২৩ ১০০৩২৪ ১০০৩২৫ ১০০৩২৬ ১০০৩২৭ ১০০৩২৮ ১০০৩০৪ ১০০৩০৫ ১০০৩০৬ ১০০৩০৭ ১০০৩০৮ ১০০৩০৯ ১০০৩১০ ১০০৩১১ ১০০৩১২ ১০০৩১৩ ১০০৩১৪ ১০০৩১৫ ১০০৩১৬ ১০০৩১৭ ১০০৩১৮ ১০০৩১৯ ১০০৩২০ ১০০৩২১ ১০০৩২২ ১০০৩২৩ ১০০৩২৪ ১০০৩২৫ ১০০৩২৬ ১০০৩২৭ ১০০৩২৮
দ্বিতীয় বিভাগ :
ঢাকা রেসিডেনসিয়াল কলেজ
রোল নম্বর ৯৫৬২৭—৯৫৭২৬ = ১০০ জন।
*৮৬০৯১স্টা.কে.গ. ৮৬০৯২ *৮৬০৯৩স্টা.কে.গ. *৮৬০৯৪স্টা. ৮৬০৯৫ ৮৬০৯৬ *৮৬০৯৭স্টা.কে.গ.পী *৮৬০৯৮ ৮৬০৯৯ *৮৬১০০স্টা.কে.গ. ৮৬১০১ *৮৬১০২স্টা.কে.গ.পী *৮৬১০৩ ৮৬১০৪ ৮৬১০৫ *৮৬১০৬স্টা.কে. ৮৬১০৭ *৮৬১০৮স্টা.কে.গ.পী ৮৬১০৯ *৮৬১১০স্টা. ৮৬১১১ ৮৬১১২ *৮৬১১৩স্টা.কে.গ. ৮৬১১৪ *৮৬১১৫ ৮৬১১৬ *৮৬১১৭স্টা.কে.গ.পী ৮৬১১৮ ৮৬১১৯ *৮৬১২০স্টা. ৮৬১২১ *৮৬১২২স্টা.কে.গ. *৮৬০৯১স্টা.কে.গ. ৮৬০৯২ *৮৬০৯৩স্টা.কে.গ. *৮৬০৯৪স্টা. ৮৬০৯৫ ৮৬০৯৬ *৮৬০৯৭স্টা.কে.গ.পী *৮৬০৯৮ ৮৬০৯৯ *৮৬১০০স্টা.কে.গ. ৮৬১০১ *৮৬১০২স্টা.কে.গ.পী *৮৬১০৩ ৮৬১০৪ ৮৬১০৫ *৮৬১০৬স্টা.কে. ৮৬১০৭ *৮৬১০৮স্টা.কে.গ.পী ৮৬১০৯ *৮৬১১০স্টা. ৮৬১১১ ৮৬১১২ *৮৬১১৩স্টা.কে.গ. ৮৬১১৪ *৮৬১১৫ ৮৬১১৬ *৮৬১১৭স্টা.কে.গ.পী ৮৬১১৮ ৮৬১১৯ *৮৬১২০স্টা. ৮৬১২১ *৮৬১২২স্টা.কে.গ. *৮৬০৯১স্টা.কে.গ. ৮৬০৯২ *৮৬০৯৩স্টা.কে.গ. *৮৬০৯৪স্টা. ৮৬০৯৫ ৮৬০৯৬ *৮৬০৯৭স্টা.কে.গ.পী *৮৬০৯৮ ৮৬০৯৯ *৮৬১০০স্টা.কে.গ. ৮৬১০১ *৮৬১০২স্টা.কে.গ.পী *৮৬১০৩ ৮৬১০৪ ৮৬১০৫ *৮৬১০৬স্টা.কে. ৮৬১০৭ *৮৬১০৮স্টা.কে.গ.পী ৮৬১০৯ *৮৬১১০স্টা. ৮৬১১১ ৮৬১১২ *৮৬১১৩স্টা.কে.গ. ৮৬১১৪ *৮৬১১৫ ৮৬১১৬ *৮৬১১৭স্টা.কে.গ.পী ৮৬১১৮ ৮৬১১৯ *৮৬১২০স্টা. ৮৬১২১ *৮৬১২২স্টা.কে.গ. *৮৬০৯১স্টা.কে.গ. ৮৬০৯২ *৮৬০৯৩স্টা.কে.গ. *৮৬০৯৪স্টা. ৮৬০৯৫ ৮৬০৯৬ *৮৬০৯৭স্টা.কে.গ.পী *৮৬০৯৮ ৮৬০৯৯ *৮৬১০০স্টা.কে.গ. ৮৬১০১ *৮৬১০২স্টা.কে.গ.পী *৮৬১০৩ ৮৬১০৪ ৮৬১০৫ *৮৬১০৬স্টা.কে. ৮৬১০৭ *৮৬১০
ফেল :
Humanities Group :
ঢাকা কলেজ
রোল নম্বর ১২০৫৪—১২৪৩৯ = ৩৮৬ জন।
১২৪৪০ ১২৪৪১ ১২৪৪২ ১২৪৪৩ *১২৪৪৪স্টা. ১২৪৪৫ ১২৪৪৬ ১২৪৪৭ ১২৪৪৮ ১২৪৪৯ ১২৪৫০ *১২৪৫১স্টা.গ. ১২৪৫২ ১২৪৫৩ ১২৪৫৪ ১২৪৫৫ ১২৪৫৬ ১২৪৫৭ ১২৪৫৮ ১২৪৫৯ ১২৪৬০ ১২৪৪০ ১২৪৪১ ১২৪৪২ ১২৪৪৩ *১২৪৪৪স্টা. ১২৪৪৫ ১২৪৪৬ ১২৪৪৭ ১২৪৪৮ ১২৪৪৯ ১২৪৫০ *১২৪৫১স্টা.গ. ১২৪৫২ ১২৪৫৩ ১২৪৫৪ ১২৪৫৫ ১২৪৫৬ ১২৪৫৭ ১২৪৫৮ ১২৪৫৯ ১২৪৬০ ১২৪৪০ ১২৪৪১ ১২৪৪২ ১২৪৪৩ *১২৪৪৪স্টা. ১২৪৪৫ ১২৪৪৬ ১২৪৪৭ ১২৪৪৮ ১২৪৪৯ ১২৪৫০ *১২৪৫১স্টা.গ. ১২৪৫২ ১২৪৫৩ ১২৪৫৪ ১২৪৫৫ ১২৪৫৬ ১২৪৫৭ ১২৪৫৮ ১২৪৫৯ ১২৪৬০ ১২৪৪০ ১২৪৪১ ১২৪৪২ ১২৪৪৩ *১২৪৪৪স্টা. ১২৪৪৫ ১২৪৪৬ ১২৪৪৭ ১২৪৪৮ ১২৪৪৯ ১২৪৫০ *১২৪৫১স্টা.গ. ১২৪৫২ ১২৪৫৩ ১২৪৫৪ ১২৪৫৫ ১২৪৫৬ ১২৪৫৭ ১২৪৫৮ ১২৪৫৯ ১২৪৬০ ১২৪৪০ ১২৪৪১ ১২৪৪২ ১২৪৪৩ *১২৪৪৪স্টা. ১২৪৪৫ ১২৪৪৬ ১২৪৪৭ ১২৪৪৮ ১২৪৪৯ ১২৪৫০ *১২৪৫১স্টা.গ. ১২৪৫২ ১২৪৫৩ ১২৪৫৪ ১২৪৫৫ ১২৪৫৬ ১২৪৫৭ ১২৪৫৮ ১২৪৫৯ ১২৪৬০ ১২৪৪০ ১২৪৪১ ১২৪৪২ ১২৪৪৩ *১২৪৪৪স্টা. ১২৪৪৫ ১২৪৪৬ ১২৪৪৭ ১২৪৪৮ ১২৪৪৯ ১২৪৫০ *১২৪৫১স্টা.গ. ১২৪৫২ ১২৪৫৩ ১২৪৫৪ ১২৪৫৫ ১২৪৫৬ ১২৪৫৭ ১২৪৫৮ ১২৪৫৯ ১২৪৬০ ১২৪৪০ ১২৪৪১ ১২৪৪২ ১২৪৪৩ *১২৪৪৪স্টা. ১২৪৪৫ ১২৪৪৬ ১২৪৪৭ ১২৪৪৮ ১২৪৪৯ ১২৪৫০ *১২৪৫১স্টা.গ. ১২৪৫২ ১২৪৫৩ ১২৪৫৪ ১২৪৫৫ ১২৪৫৬ ১২৪৫৭ ১২৪৫৮ ১২৪৫৯ ১২৪৬০ ১২৪৪০ ১২৪৪১ ১২৪৪২ ১২৪৪৩ *১২৪৪৪স্টা. ১২৪৪৫ ১২৪৪৬ ১২৪৪৭ ১২৪৪৮ ১২৪৪৯ ১২৪৫০ *১২৪৫১স্টা.গ. ১২৪৫২ ১২৪৫৩ ১২৪৫৪ ১২৪৫৫ ১২৪৫৬ ১২৪৫৭ ১২৪৫৮ ১২৪৫৯ ১২৪৬০ ১২৪৪০ ১২৪৪১ ১২৪৪২ ১২৪৪৩ *১২৪৪৪স্টা. ১২৪৪৫ ১২৪৪৬ ১২৪৪৭ ১২৪৪৮ ১২৪৪৯ ১২৪৫০ *১২৪৫১স্টা.গ. ১২৪৫২ ১২৪৫৩ ১২৪৫৪ ১২৪৫৫ ১২৪৫৬ ১২৪৫৭ ১২৪৫৮ ১২৪৫৯ ১২৪৬০ ১২৪৪০ ১২৪৪১ ১২৪৪২ ১২৪৪৩ *১২৪৪৪স্টা. ১২৪৪৫ ১২৪৪৬ ১২৪৪৭ ১২৪৪৮ ১২৪৪৯ ১২৪৫০ *১২৪৫১স্টা.গ. ১২৪৫২ ১২৪৫৩ ১২৪৫৪ ১২৪৫৫ ১২৪৫৬ ১২৪৫৭ ১২৪৫৮ ১২৪৫৯ ১২৪৬০ ১২৪৪০ ১২৪৪১ ১২৪৪২ ১২৪৪৩ *১২৪৪৪স্টা. ১২৪৪৫ ১২৪৪৬ ১২৪৪৭ ১২৪৪৮ ১২৪৪৯ ১২৪৫০ *১২৪৫১স্টা.গ. ১২৪৫২ ১২৪৫৩ ১২৪৫৪ ১২৪৫৫ ১২৪৫৬ ১২৪৫৭ ১২৪৫৮ ১২৪৫৯ ১২৪৬০ ১২৪৪০ ১২৪৪১ ১২৪৪২ ১২৪৪৩ *১২৪৪৪স্টা. ১২৪৪৫ ১২৪৪৬ ১২৪৪৭ ১২৪৪৮ ১২৪৪৯ ১২৪৫০ *১২৪৫১স্টা.গ. ১২৪৫২ ১২৪৫৩ ১২৪৫৪ ১২৪৫৫ ১২৪৫৬ ১২৪৫৭ ১২৪৫৮ ১২৪৫৯ ১২৪৬০ ১২৪৪০ ১২৪৪১ ১২৪৪২ ১২৪৪৩ *১২৪৪৪স্টা. ১২৪৪৫ ১২৪৪৬ ১২৪৪৭ ১২৪৪৮ ১২৪৪৯ ১২৪৫০ *১২৪৫১স্টা.গ. ১২৪৫২ ১২৪৫৩ ১২৪৫৪ ১২৪৫৫ ১২৪৫৬ ১২৪৫৭ ১২৪৫৮ ১২৪৫৯ ১২৪৬০ ১২৪৪০ ১২৪৪১ ১২৪৪২ ১২৪৪৩ *১২৪৪৪স্টা. ১২৪৪৫ ১২৪৪৬ ১২৪৪৭ ১২৪৪৮ ১২৪৪৯ ১২৪৫০ *১২৪৫১স্টা.গ. ১২৪৫২ ১২৪৫৩ ১২৪৫৪ ১২৪৫৫ ১২৪৫৬ ১২৪৫৭ ১২৪৫৮ ১২৪৫৯ ১২৪৬০ ১২৪৪০ ১২৪৪১ ১২৪৪২ ১২৪৪৩ *১২৪৪৪স্টা. ১২৪৪৫ ১২৪৪৬ ১২৪৪৭ ১২৪৪৮ ১২৪৪৯ ১২৪৫০ *১২৪৫১স্টা.গ. ১২৪৫২ ১২৪৫৩ ১২৪৫৪ ১২৪৫৫ ১২৪৫৬ ১২৪৫৭ ১২৪৫৮ ১২৪৫৯ ১২৪৬০ ১২৪৪০ ১২৪৪১ ১২৪৪২ ১২৪৪৩ *১২৪৪৪স্টা. ১২৪৪৫ ১২৪৪৬ ১২৪৪৭ ১২৪৪৮ ১২৪৪৯ ১২৪৫০ *১২৪৫১স্টা.গ. ১২৪৫২ ১২৪৫৩ ১২৪৫৪ ১২৪৫৫ ১২৪৫৬ ১২৪৫৭ ১২৪৫৮ ১২৪৫৯ ১২৪৬০ ১২৪৪০ ১২৪৪১ ১২৪৪২ ১২৪৪৩ *১২৪৪৪স্টা. ১২৪৪৫ ১২৪৪৬ ১২৪৪৭ ১২৪৪৮ ১২৪৪৯ ১২৪৫০ *১২৪৫১স্টা.গ. ১২৪৫২ ১২৪৫৩ ১২৪৫৪ ১২৪৫৫ ১২৪৫৬ ১২৪৫৭ ১২৪৫৮ ১২৪৫৯ ১২৪৬০ ১২৪৪০ ১২৪৪১ ১২৪৪২ ১২৪৪৩ *১২৪৪৪স্টা. ১২৪৪৫ ১২৪৪৬ ১২৪৪৭ ১২৪৪৮ ১২৪৪৯ ১২৪৫০ *১২৪৫১স্টা.গ. ১২৪৫২ ১২৪৫৩ ১২৪৫৪ ১২৪৫৫ ১২৪৫৬ ১২৪৫৭ ১২৪৫৮ ১২৪৫৯ ১২৪৬০ ১২৪৪০ ১২৪৪১ ১২৪৪২ ১২৪৪৩ *১২৪৪৪স্টা. ১২৪৪৫ ১২৪৪৬ ১২৪৪৭ ১২৪৪৮ ১২৪৪৯ ১২৪৫০ *১২৪৫১স্টা.গ. ১২৪৫২ ১২৪৫৩ ১২৪৫৪ ১২৪৫৫ ১২৪৫৬ ১২৪৫৭ ১২৪৫৮ ১২৪৫৯ ১২৪৬০ ১২৪৪০ ১২৪৪১ ১২৪৪২ ১২৪৪৩ *১২৪৪৪স্টা. ১২৪৪৫ ১২৪৪৬ ১২৪৪৭ ১২৪৪৮ ১২৪৪৯ ১২৪৫০ *১২৪৫১স্টা.গ. ১২৪৫২ ১২৪৫৩ ১২৪৫৪ ১২৪৫৫ ১২৪৫৬ ১২৪৫৭ ১২৪৫৮ ১২৪৫৯ ১২৪৬০ ১২৪৪০ ১২৪৪১ ১২৪৪২ ১২৪৪৩ *১২৪৪৪স্টা. ১২৪৪৫ ১২৪৪৬ ১২৪৪৭ ১২৪৪৮ ১২৪৪৯ ১২৪৫০ *১২৪৫১স্টা.গ. ১২৪৫২ ১২৪৫৩ ১২৪৫৪ ১২৪৫৫ ১২৪৫৬ ১২৪৫৭ ১২৪৫৮ ১২৪৫৯ ১২৪৬০ ১২৪৪০ ১২৪৪১ ১২৪৪২ ১২৪৪৩ *১২৪৪৪স্টা. ১২৪৪৫ ১২৪৪৬ ১২৪৪৭ ১২৪৪৮ ১২৪৪৯ ১২৪৫০ *১২৪৫১স্টা.গ. ১২৪৫২ ১২৪৫৩ ১২৪৫৪ ১২৪৫৫ ১২৪৫৬ ১২৪৫৭ ১২৪৫৮ ১২৪৫৯ ১২৪৬০ ১২৪৪০ ১২৪৪১ ১২৪৪২ ১২৪৪৩ *১২৪৪৪স্টা. ১২৪৪৫ ১২৪৪৬ ১২৪৪৭ ১২৪৪৮ ১২৪৪৯ ১২৪৫০ *১২৪৫১স্টা.গ. ১২৪৫২ ১২৪৫৩ ১২৪৫৪ ১২৪৫৫ ১২৪৫৬ ১২৪৫৭ ১২৪৫৮ ১২৪৫৯ ১২৪৬০ ১২৪৪০ ১২৪৪১ ১২৪৪২ ১২৪৪৩ *১২৪৪৪স্টা. ১২৪৪৫ ১২৪৪৬ ১২৪৪৭ ১২৪৪৮ ১২৪৪৯ ১২৪৫০ *১২৪৫১স্টা.গ. ১২৪৫২ ১২৪৫৩ ১২৪৫৪ ১২৪৫৫ ১২৪৫৬ ১২৪৫৭ ১২৪৫৮ ১২৪৫৯ ১২৪৬০ ১২৪৪০ ১২৪৪১ ১২৪৪২ ১২৪৪৩ *১২৪৪৪স্টা. ১২৪৪৫ ১২৪৪৬ ১২৪৪৭ ১
তৃতীয় বিভাগ :
নটরডেম কলেজ, ঢাকা
রোল নম্বর ১২৪৪০—১২৫৯৫ = ১৫৬ জন।
১২৪৪০ ১২৪৪১ ১২৪৪২ ১২৪৪৩ *১২৪৪৪স্টা. ১২৪৪৫ ১২৪৪৬ ১২৪৪৭ ১২৪৪৮ ১২৪৪৯ ১২৪৫০ *১২৪৫১স্টা.গ. ১২৪৫২ ১২৪৫৩ ১২৪৫৪ ১২৪৫৫ ১২৪৫৬ ১২৪৫৭ ১২৪৫৮ ১২৪৫৯ ১২৪৬০ ১২৪৪০ ১২৪৪১ ১২৪৪২ ১২৪৪৩ *১২৪৪৪স্টা. ১২৪৪৫ ১২৪৪৬ ১২৪৪৭ ১২৪৪৮ ১২৪৪৯ ১২৪৫০ *১২৪৫১স্টা.গ. ১২৪৫২ ১২৪৫৩ ১২৪৫৪ ১২৪৫৫ ১২৪৫৬ ১২৪৫৭ ১২৪৫৮ ১২৪৫৯ ১২৪৬০ ১২৪৪০ ১২৪৪১ ১২৪৪২ ১২৪৪৩ *১২৪৪৪স্টা. ১২৪৪৫ ১২৪৪৬ ১২৪৪৭ ১২৪৪৮ ১২৪৪৯ ১২৪৫০ *১২৪৫১স্টা.গ. ১২৪৫২ ১২৪৫৩ ১২৪৫৪ ১২৪৫৫ ১২৪৫৬ ১২৪৫৭ ১২৪৫৮ ১২৪৫৯ ১২৪৬০ ১২৪৪০ ১২৪৪১ ১২৪৪২ ১২৪৪৩ *১২৪৪৪স্টা. ১২৪৪৫ ১২৪৪৬ ১২৪৪৭ ১২৪৪৮ ১২৪৪৯ ১২৪৫০ *১২৪৫১স্টা.গ. ১২৪৫২ ১২৪৫৩ ১২৪৫৪ ১২৪৫৫ ১২৪৫৬ ১২৪৫৭ ১২৪৫৮ ১২৪৫৯ ১২৪৬০ ১২৪৪০ ১২৪৪১ ১২৪৪২ ১২৪৪৩ *১২৪৪৪স্টা. ১২৪৪৫ ১২৪৪৬ ১২৪৪৭ ১২৪৪৮ ১২৪৪৯ ১২৪৫০ *১২৪৫১স্টা.গ. ১২৪৫২ ১২৪৫৩ ১২৪৫৪ ১২৪৫৫ ১২৪৫৬ ১২৪৫৭ ১২৪৫৮ ১২৪৫৯ ১২৪৬০ ১২৪৪০ ১২৪৪১ ১২৪৪২ ১২৪৪৩ *১২৪৪৪স্টা. ১২৪৪৫ ১২৪৪৬ ১২৪৪৭ ১২৪৪৮ ১২৪৪৯ ১২৪৫০ *১২৪৫১স্টা.গ. ১২৪৫২ ১২৪৫৩ ১২৪৫৪ ১২৪৫৫ ১২৪৫৬ ১২৪৫৭ ১২৪৫৮ ১২৪৫৯ ১২৪৬০ ১২৪৪০ ১২৪৪১ ১২৪৪২ ১২৪৪৩ *১২৪৪৪স্টা. ১২৪৪৫ ১২৪৪৬ ১২৪৪৭ ১২৪৪৮ ১২৪৪৯ ১২৪৫০ *১২৪৫১স্টা.গ. ১২৪৫২ ১২৪৫৩ ১২৪৫৪ ১২৪৫৫ ১২৪৫৬ ১২৪৫৭ ১২৪৫৮ ১২৪৫৯ ১২৪৬০ ১২৪৪০ ১২৪৪১ ১২৪৪২ ১২৪৪৩ *১২৪৪৪স্টা. ১২৪৪৫ ১২৪৪৬ ১২৪৪৭ ১২৪৪৮ ১২৪৪৯ ১২৪৫০ *১২৪৫১স্টা.গ. ১২৪৫২ ১২৪৫৩ ১২৪৫৪ ১২৪৫৫ ১২৪৫৬ ১২৪৫৭ ১২৪৫৮ ১২৪৫৯ ১২৪৬০ ১২৪৪০ ১২৪৪১ ১২৪৪২ ১২৪৪৩ *১২৪৪৪স্টা. ১২৪৪৫ ১২৪৪৬ ১২৪৪৭ ১২৪৪৮ ১২৪৪৯ ১২৪৫০ *১২৪৫১স্টা.গ. ১২৪৫২ ১২৪৫৩ ১২৪৫৪ ১২৪৫৫ ১২৪৫৬ ১২৪৫৭ ১২৪৫৮ ১২৪৫৯ ১২৪৬০ ১২৪৪০ ১২৪৪১ ১২৪৪২ ১২৪৪৩ *১২৪৪৪স্টা. ১২৪৪৫ ১২৪৪৬ ১২৪৪৭ ১২৪৪৮ ১২৪৪৯ ১২৪৫০ *১২৪৫১স্টা.গ. ১২৪৫২ ১২৪৫৩ ১২৪৫৪ ১২৪৫৫ ১২৪৫৬ ১২৪৫৭ ১২৪৫৮ ১২৪৫৯ ১২৪৬০ ১২৪৪০ ১২৪৪১ ১২৪৪২ ১২৪৪৩ *১২৪৪৪স্টা. ১২৪৪৫ ১২৪৪৬ ১২৪৪৭ ১২৪৪৮ ১২৪৪৯ ১২৪৫০ *১২৪৫১স্টা.গ. ১২৪৫২ ১২৪৫৩ ১২৪৫৪ ১২৪৫৫ ১২৪৫৬ ১২৪৫৭ ১২৪৫৮ ১২৪৫৯ ১২৪৬০ ১২৪৪০ ১২৪৪১ ১২৪৪২ ১২৪৪৩ *১২৪৪৪স্টা. ১২৪৪৫ ১২৪৪৬ ১২৪৪৭ ১২৪৪৮ ১২৪৪৯ ১২৪৫০ *১২৪৫১স্টা.গ. ১২৪৫২ ১২৪৫৩ ১২৪৫৪ ১২৪৫৫ ১২৪৫৬ ১২৪৫৭ ১২৪৫৮ ১২৪৫৯ ১২৪৬০ ১২৪৪০ ১২৪৪১ ১২৪৪২ ১২৪৪৩ *১২৪৪৪স্টা. ১২৪৪৫ ১২৪৪৬ ১২৪৪৭ ১২৪৪৮ ১২৪৪৯ ১২৪৫০ *১২৪৫১স্টা.গ. ১২৪৫২ ১২৪৫৩ ১২৪৫৪ ১২৪৫৫ ১২৪৫৬ ১২৪৫৭ ১২৪৫৮ ১২৪৫৯ ১২৪৬০ ১২৪৪০ ১২৪৪১ ১২৪৪২ ১২৪৪৩ *১২৪৪৪স্টা. ১২৪৪৫ ১২৪৪৬ ১২৪৪৭ ১২৪৪৮ ১২৪৪৯ ১২৪৫০ *১২৪৫১স্টা.গ. ১২৪৫২ ১২৪৫৩ ১২৪৫৪ ১২৪৫৫ ১২৪৫৬ ১২৪৫৭ ১২৪৫৮ ১২৪৫৯ ১২৪৬০ ১২৪৪০ ১২৪৪১ ১২৪
ফেল :
ঢাকা সিটি কলেজ
রোল নম্বর ১২৫৯৬—১২৭৪১ = ১৪৬ জন।
১২৪৪০ ১২৪৪১ ১২৪৪২ ১২৪৪৩ *১২৪৪৪স্টা. ১২৪৪৫ ১২৪৪৬ ১২৪৪৭ ১২৪৪৮ ১২৪৪৯ ১২৪৫০ *১২৪৫১স্টা.গ. ১২৪৫২ ১২৪৫৩ ১২৪৫৪ ১২৪৫৫ ১২৪৫৬ ১২৪৫৭ ১২৪৫৮ ১২৪৫৯ ১২৪৬০ ১২৪৪০ ১২৪৪১ ১২৪৪২ ১২৪৪৩ *১২৪৪৪স্টা. ১২৪৪৫ ১২৪৪৬ ১২৪৪৭ ১২৪৪৮ ১২৪৪৯ ১২৪৫০ *১২৪৫১স্টা.গ. ১২৪৫২ ১২৪৫৩ ১২৪৫৪ ১২৪৫৫ ১২৪৫৬ ১২৪৫৭ ১২৪৫৮ ১২৪৫৯ ১২৪৬০ ১২৪৪০ ১২৪৪১ ১২৪৪২ ১২৪৪৩ *১২৪৪৪স্টা. ১২৪৪৫ ১২৪৪৬ ১২৪৪৭ ১২৪৪৮ ১২৪৪৯ ১২৪৫০ *১২৪৫১স্টা.গ. ১২৪৫২ ১২৪৫৩ ১২৪৫৪ ১২৪৫৫ ১২৪৫৬ ১২৪৫৭ ১২৪৫৮ ১২৪৫৯ ১২৪৬০ ১২৪৪০ ১২৪৪১ ১২৪৪২ ১২৪৪৩ *১২৪৪৪স্টা. ১২৪৪৫ ১২৪৪৬ ১২৪৪৭ ১২৪৪৮ ১২৪৪৯ ১২৪৫০ *১২৪৫১স্টা.গ. ১২৪৫২ ১২৪৫৩ ১২৪৫৪ ১২৪৫৫ ১২৪৫৬ ১২
১২৪৪০ ১২৪৪১ ১২৪৪২ ১২৪৪৩ *১২৪৪৪স্টা. ১২৪৪৫ ১২৪৪৬ ১২৪৪৭ ১২৪৪৮ ১২৪৪৯ ১২৪৫০ *১২৪৫১স্টা.গ. ১২৪৫২ ১২৪৫৩ ১২৪৫৪ ১২৪৫৫ ১২৪৫৬ ১২৪৫৭ ১২৪৫৮ ১২৪৫৯ ১২৪৬০ ১২৪৪০ ১২৪৪১ ১২৪৪২ ১২৪৪৩ *১২৪৪৪স্টা. ১২৪৪৫ ১২৪৪৬ ১২৪৪৭ ১২৪৪৮ ১২৪৪৯ ১২৪৫০ *১২৪৫১স্টা.গ. ১২৪৫২ ১২৪৫৩ ১২৪৫৪ ১২৪৫৫ ১২৪৫৬ ১২৪৫৭ ১২৪৫৮ ১২৪৫৯ ১২৪৬০ ১২৪৪০ ১২৪৪১ ১২৪৪২ ১২৪৪৩ *১২৪৪৪স্টা. ১২৪৪৫ ১২৪৪৬ ১২৪৪৭ ১২৪৪৮ ১২৪৪৯ ১২৪৫০ *১২৪৫১স্টা.গ. ১২৪৫২ ১২৪৫৩ ১২৪৫৪ ১২৪৫৫ ১২৪৫৬ ১২৪৫৭ ১২৪৫৮ ১২৪৫৯ ১২৪৬০ ১২৪৪০ ১২৪৪১ ১২৪৪২ ১২৪৪৩
ফেল :
লালমাটিয়া মহিলা কলেজ, ঢাকা
রোল নম্বর ১২৭৪২—১২৯৩১ = ১৯০ জন।
১২৪৪০ ১২৪৪১ ১২৪৪২ ১২৪৪৩ *১২৪৪৪স্টা. ১২৪৪৫ ১২৪৪৬ ১২৪৪৭ ১২৪৪৮ ১২৪৪৯ ১২৪৫০ *১২৪৫১স্টা.গ. ১২৪৫২ ১২৪৫৩ ১২৪৫৪ ১২৪৫৫ ১২৪৫৬ ১২৪৫৭ ১২৪৫৮ ১২৪৫৯ ১২৪৬০ ১২৪৪০ ১২৪৪১ ১২৪৪২ ১২৪৪৩ *১২৪৪৪স্টা. ১২৪৪৫ ১২৪৪৬ ১২৪৪৭ ১২৪৪৮ ১২৪৪৯ ১২৪৫০ *১২৪৫১স্টা.গ. ১২৪৫২ ১২৪৫৩ ১২৪৫৪ ১২৪৫৫ ১২৪৫৬ ১২৪৫৭ ১২৪৫৮ ১২৪৫৯ ১২৪৬০ ১২৪৪০ ১২৪৪১ ১২৪৪২ ১২৪৪৩ *১২৪৪৪স্টা. ১২৪৪৫ ১২৪৪৬ ১২৪৪৭ ১২৪৪৮ ১২৪৪৯ ১২৪৫০ *১২৪৫১স্টা.গ. ১২৪৫২ ১২৪৫৩ ১২৪৫৪ ১২৪৫৫ ১২৪৫৬ ১২৪৫৭ ১২৪৫৮ ১২৪৫৯ ১২৪৬০ ১২৪৪০ ১২৪৪১ ১২৪৪২ ১২৪৪৩ *১২৪৪৪স্টা. ১২৪৪৫ ১২৪৪৬ ১২৪৪৭ ১২৪৪৮ ১২৪৪৯ ১২৪৫০ *১২৪৫১স্টা.গ. ১২৪৫২ ১২৪৫৩ ১২৪৫৪ ১২৪৫৫ ১২৪৫৬ ১২৪৫৭ ১২৪৫৮ ১২৪৫৯ ১২৪৬০ ১২৪৪০ ১২৪৪১ ১২৪৪২ ১২৪৪৩ *১২৪৪৪স্টা. ১২৪৪৫ ১২৪৪৬ ১২৪৪৭ ১২৪৪৮ ১২৪৪৯ ১২৪৫০ *১২৪৫১স্টা.গ. ১২৪৫২ ১২৪৫৩ ১২৪৫৪ ১২৪৫৫ ১২৪৫৬ ১২৪৫৭ ১২৪৫৮ ১২৪৫৯ ১২৪৬০ ১২৪৪০ ১২৪৪১ ১২৪৪২ ১২৪৪৩ *১২৪৪৪স্টা. ১২৪৪৫ ১২৪৪৬ ১২৪৪৭ ১২৪৪৮ ১২৪৪৯ ১২৪৫০ *১২৪৫১স্টা.গ. ১২৪৫২ ১২৪৫৩ ১২৪৫৪ ১২৪৫৫ ১২৪৫৬ ১২৪৫৭ ১২৪৫৮ ১২৪৫৯ ১২৪৬০ ১২৪৪০ ১২৪৪১ ১২৪৪২ ১২৪৪৩ *১২৪৪৪স্টা. ১২৪৪৫ ১২৪৪৬ ১২৪৪৭ ১২৪৪৮ ১২৪৪৯ ১২৪৫০ *১২৪৫১স্টা.গ. ১২৪৫২ ১২৪৫৩ ১২৪৫৪ ১২৪৫৫ ১২৪৫৬ ১২৪৫৭ ১২৪৫৮ ১২৪৫৯ ১২৪৬০ ১২৪৪০ ১২৪৪১ ১২৪৪২ ১২৪৪৩ *১২৪৪৪স্টা. ১২৪৪৫ ১২৪৪৬ ১২৪৪৭ ১২৪৪৮ ১২৪৪৯ ১২৪৫০ *১২৪৫১স্টা.গ. ১২৪৫২ ১২৪৫৩ ১২৪৫৪ ১২৪৫৫ ১২৪৫৬ ১২৪৫৭ ১২৪৫৮ ১২৪৫৯ ১২৪৬০ ১২৪৪০ ১২৪৪১ ১২৪৪২ ১২৪৪৩ *১২৪৪৪স্টা. ১২৪৪৫ ১২৪৪৬ ১২৪৪৭ ১২৪৪৮ ১২৪৪৯ ১২৪৫০ *১২৪৫১স্টা.গ. ১২৪৫২ ১২৪৫৩ ১২৪৫৪ ১২৪৫৫ ১২৪৫৬ ১২৪৫৭ ১২৪৫৮ ১২৪৫৯ ১২৪৬০ ১২৪৪০ ১২৪৪১ ১২৪৪২ ১২৪৪৩ *১২৪৪৪স্টা. ১২৪৪৫ ১২৪৪৬ ১২৪৪৭ ১২৪৪৮ ১২৪৪৯ ১২৪৫০ *১২৪৫১স্টা.গ. ১২৪৫২ ১২৪৫৩ ১২৪৫৪ ১২৪৫৫ ১২৪৫৬ ১২৪৫৭ ১২৪৫৮ ১২৪৫৯ ১২৪৬০ ১২৪৪০ ১২৪৪১ ১২৪৪২ ১২৪৪৩ *১২৪৪৪স্টা. ১২৪৪৫ ১২৪৪৬ ১২৪৪৭ ১২৪৪৮ ১২৪৪৯ ১২৪৫০ *১২৪৫১স্টা.গ. ১২৪৫২ ১২৪৫৩ ১২৪৫৪ ১২৪৫৫ ১২৪৫৬ ১২৪৫৭ ১২৪৫৮ ১২৪৫৯ ১২৪৬০ ১২৪৪০ ১২৪৪১ ১২৪৪২ ১২৪৪৩ *১২৪৪৪স্টা. ১২৪৪৫ ১২৪৪৬ ১২৪৪৭ ১২৪৪৮ ১২৪৪৯ ১২৪৫০ *১২৪৫১স্টা.গ. ১২৪৫২ ১২৪৫৩ ১২৪৫৪ ১২৪৫৫ ১২৪৫৬ ১২৪৫৭ ১২৪৫৮ ১২৪৫৯ ১২৪৬০ ১২৪৪০ ১২৪৪১ ১২৪৪২ ১২৪৪৩ *১২৪৪৪স্টা. ১২৪৪৫ ১২৪৪৬ ১২৪৪৭ ১২৪৪৮ ১২৪৪৯ ১২৪৫০ *১২৪৫১স্টা.গ. ১২৪৫২ ১২৪৫৩ ১২৪৫৪ ১২৪৫৫ ১২৪৫৬ ১২৪৫৭ ১২৪৫৮ ১২৪৫৯ ১২৪৬০ ১২৪৪০ ১২৪৪১ ১২৪৪২ ১২৪৪৩ *১২৪৪৪স্টা. ১২৪৪৫ ১২৪৪৬ ১২৪৪৭ ১২৪৪৮ ১২৪৪৯ ১২৪৫০ *১২৪৫১স্টা.গ. ১২৪৫২ ১২৪৫৩ ১২৪৫৪ ১২৪৫৫ ১২৪৫৬ ১২৪৫৭ ১২৪৫৮ ১২৪৫৯ ১২৪৬০ ১২৪৪০ ১২৪৪১ ১২৪৪২ ১২৪৪৩ *১২৪৪৪স্টা. ১২৪৪৫ ১২৪৪৬ ১২৪৪৭ ১২৪৪৮ ১২৪৪৯ ১২৪৫০ *১২৪৫১স্টা.গ. ১২৪৫২ ১২৪৫৩ ১২৪৫৪ ১২৪৫৫ ১২৪৫৬ ১২৪৫৭ ১২৪৫৮ ১২৪৫৯ ১২৪৬০ ১২৪৪০ ১২৪৪১ ১২৪৪২ ১২৪৪৩ *১২৪৪৪স্টা. ১২৪৪৫ ১২৪৪৬ ১২৪৪৭ ১২৪৪৮ ১২৪৪৯ ১২৪৫০ *১২৪৫১স্টা.গ. ১২৪৫২ ১২৪৫৩ ১২৪৫৪ ১২৪৫৫ ১২৪৫৬ ১২৪৫৭ ১২৪৫৮ ১২৪৫৯ ১২৪৬০ ১২৪৪০ ১২৪৪১ ১২৪৪২ ১২৪৪৩ *১২৪৪৪স্টা. ১২৪৪৫ ১২৪৪৬ ১২৪৪৭ ১২৪৪৮ ১২৪৪৯ ১২৪৫০ *১২৪৫১স্টা.গ. ১২৪৫২ ১২৪৫৩ ১২৪৫৪ ১২৪৫৫ ১২৪৫৬ ১২৪৫৭ ১২৪৫৮ ১২৪৫৯ ১২৪৬০ ১২৪৪০ ১২৪৪১ ১২৪৪২ ১২৪৪৩ *১২৪৪৪স্টা. ১২৪৪৫ ১২৪৪৬ ১২৪৪৭ ১২৪৪৮ ১২৪৪৯ ১২৪৫০ *১২৪৫১স্টা.গ. ১২৪৫২ ১২৪৫৩ ১২৪৫৪ ১২৪৫৫ ১২৪৫৬ ১২৪৫৭ ১২৪৫৮ ১২৪৫৯ ১২৪৬০ ১২৪৪০ ১২৪৪১ ১২৪৪২ ১২৪৪৩ *১২৪৪৪স্টা. ১২৪৪৫ ১২৪৪৬ ১২৪৪৭ ১২৪৪৮ ১২৪৪৯ ১২৪৫০ *১২৪৫১স্টা.গ. ১২৪৫২ ১২৪৫৩ ১২৪৫৪ ১২৪৫৫ ১২৪৫৬ ১২৪৫৭ ১২৪৫৮ ১২৪৫৯ ১২৪৬০ ১২৪৪০ ১২৪৪১ ১২৪৪২ ১২৪৪৩ *১২৪৪৪স্টা. ১২৪৪৫ ১২৪৪৬ ১২৪৪৭ ১২৪৪৮ ১২৪৪৯ ১২৪৫০ *১২৪৫১স্টা.গ. ১২৪৫২ ১২৪৫৩ ১২৪৫৪ ১২৪৫৫ ১২৪৫৬ ১২৪৫৭ ১২৪৫৮ ১২৪৫৯ ১২৪৬০ ১২৪৪০ ১২৪৪১ ১২৪৪২ ১২৪৪৩ *১২৪৪৪স্টা. ১২৪৪৫ ১২৪৪৬ ১২৪৪৭ ১২৪৪৮ ১২৪৪৯ ১২৪৫০ *১২৪৫১স্টা.গ. ১২৪৫২ ১২৪৫৩ ১২৪৫৪ ১২৪৫৫ ১২৪৫৬ ১২৪৫৭ ১২৪৫৮ ১২৪৫৯ ১২৪৬০ ১২৪৪০ ১২৪৪১ ১২৪৪২ ১২৪৪৩ *১২৪৪৪স্টা. ১২৪৪৫ ১২৪৪৬ ১২৪৪৭ ১২৪৪৮ ১২৪৪৯ ১২৪৫০ *১২৪৫১স্টা.গ. ১২৪৫২ ১২৪৫৩ ১২৪৫৪ ১২৪৫৫ ১২৪৫৬ ১২৪৫৭ ১২৪৫৮ ১২৪৫৯ ১২৪৬০ ১২৪৪০ ১২৪৪১ ১২৪৪২ ১২৪৪৩ *১২৪৪৪স্টা. ১২৪৪৫ ১২৪৪৬ ১২৪৪৭ ১২৪৪৮ ১২৪৪৯ ১২৪৫০ *১২৪৫১স্টা.গ. ১২৪৫২ ১২৪৫৩ ১২৪৫৪ ১২৪৫৫ ১২৪৫৬ ১২৪৫৭ ১২৪৫৮ ১২৪৫৯ ১২৪৬০ ১২৪৪০ ১২৪৪১ ১২৪৪২ ১২৪৪৩ *১২৪৪৪স্টা. ১২৪৪৫ ১২৪৪৬ ১২৪৪৭ ১২৪৪৮ ১২৪৪৯ ১২৪৫০ *১২৪৫১স্টা.গ. ১২৪৫২ ১২৪৫৩ ১২৪৫৪ ১২৪৫৫ ১২৪৫৬ ১২৪৫৭ ১২৪৫৮ ১২৪৫৯ ১২৪৬০ ১২৪৪০ ১২৪৪১ ১২৪৪২ ১২৪৪৩ *১২৪৪৪স্টা. ১২৪৪৫ ১২৪৪৬ ১২৪৪৭ ১২৪৪৮ ১২৪৪৯ ১২৪৫০ *১২৪৫১স্টা.গ. ১২৪৫২ ১২৪৫৩ ১২৪৫৪ ১২৪৫৫ ১২৪৫৬ ১২৪৫৭ ১২৪৫৮ ১২৪৫৯ ১২৪৬০ ১২৪৪০ ১২৪৪১ ১২৪৪২ ১২৪৪৩ *১২৪৪৪স্টা. ১২৪৪৫ ১২৪৪৬ ১২৪৪৭ ১২৪৪৮ ১২৪৪৯ ১২৪৫০ *১২৪৫১স্টা.গ. ১২৪৫২ ১২৪৫৩ ১২৪৫৪ ১২৪৫৫ ১২৪৫৬ ১২৪৫৭ ১২৪৫৮ ১২৪৫৯ ১২৪৬০ ১২৪৪০ ১২৪৪১ ১২৪৪২ ১২৪৪৩ *১২৪৪৪স্টা. ১২৪৪৫ ১২৪৪৬ ১২৪৪৭ ১২৪৪৮ ১২৪৪৯ ১২৪৫০ *১২৪৫১স্টা.গ. ১২৪৫২ ১২৪৫৩ ১২৪৫৪ ১২৪৫৫ ১২৪৫৬ ১২৪৫৭ ১২৪৫৮ ১২৪৫৯ ১২৪৬০ ১২৪৪০ ১২৪৪১ ১২৪৪২ ১২৪৪৩ *১২৪৪৪স্টা. ১২৪৪৫ ১২৪৪৬ ১২৪৪৭ ১২৪৪৮ ১২৪৪৯ ১২৪৫০ *১২৪৫১স্টা.গ. ১২৪৫২ ১২৪৫৩ ১২৪৫৪ ১২৪৫৫ ১২৪৫৬ ১২৪৫৭ ১২৪৫৮ ১২৪৫৯ ১২৪৬০ ১২৪৪০ ১২৪৪১ ১২৪৪২ ১২৪৪৩ *১২৪৪৪স্টা. ১২৪৪৫ ১২৪৪৬ ১২৪৪৭ ১২৪৪৮ ১২৪৪৯ ১২৪৫০ *১২৪৫১স্টা.গ. ১২৪৫২ ১২৪৫৩ ১২৪৫৪ ১২৪৫৫ ১২৪৫৬ ১২৪৫৭ ১২৪৫৮ ১২৪৫৯ ১২৪৬০ ১২৪৪০ ১২৪৪১ ১২৪৪২ ১২৪৪৩ *১২৪৪৪স্টা. ১২৪৪৫ ১২৪৪৬ ১২৪৪৭ ১২৪৪৮ ১২৪৪৯ ১২৪৫০ *১২৪৫১স্টা.গ. ১২৪৫২ ১২৪৫৩ ১২৪৫৪ ১২৪৫৫ ১২৪৫৬ ১২৪৫৭ ১২৪৫৮ ১২৪৫৯ ১২৪৬০ ১২৪৪০ ১২৪৪১ ১২৪৪২ ১২৪৪৩ *১২৪৪৪স্টা. ১২৪৪৫ ১২৪৪৬ ১২৪৪৭ ১২৪৪৮ ১২৪৪৯ ১২৪৫০ *১২৪
অনুপস্থিত :
হলিক্রস কলেজ, ঢাকা
রোল নম্বর ১২৯৩২—১৩০৬৩ = ১৩২ জন।
*৮৬০৯১স্টা.কে.গ. ৮৬০৯২ *৮৬০৯৩স্টা.কে.গ. *৮৬০৯৪স্টা. ৮৬০৯৫ ৮৬০৯৬ *৮৬০৯৭স্টা.কে.গ.পী *৮৬০৯৮ ৮৬০৯৯ *৮৬১০০স্টা.কে.গ. ৮৬১০১ *৮৬১০২স্টা.কে.গ.পী *৮৬১০৩ ৮৬১০৪ ৮৬১০৫ *৮৬১০৬স্টা.কে. ৮৬১০৭ *৮৬১০৮স্টা.কে.গ.পী ৮৬১০৯ *৮৬১১০স্টা. ৮৬১১১ ৮৬১১২ *৮৬১১৩স্টা.কে.গ. ৮৬১১৪ *৮৬১১৫ ৮৬১১৬ *৮৬১১৭স্টা.কে.গ.পী ৮৬১১৮ ৮৬১১৯ *৮৬১২০স্টা. ৮৬১২১ *৮৬১২২স্টা.কে.গ. *৮৬০৯১স্টা.কে.গ. ৮৬০৯২ *৮৬০৯৩স্টা.কে.গ. *৮৬০৯৪স্টা. ৮৬০৯৫ ৮৬০৯৬ *৮৬০৯৭স্টা.কে.গ.পী *৮৬০৯৮ ৮৬০৯৯ *৮৬১০০স্টা.কে.গ. ৮৬১০১ *৮৬১০২স্টা.কে.গ.পী *৮৬১০৩ ৮৬১০৪ ৮৬১০৫ *৮৬১০৬স্টা.কে. ৮৬১০৭ *৮৬১০৮স্টা.কে.গ.পী ৮৬১০৯ *৮৬১১০স্টা. ৮৬১১১ ৮৬১১২ *৮৬১১৩স্টা.কে.গ. ৮৬১১৪ *৮৬১১৫ ৮৬১১৬ *৮৬১১৭স্টা.কে.গ.পী ৮৬১১৮ ৮৬১১৯ *৮৬১২০স্টা. ৮৬১২১ *৮৬১২২স্টা.কে.গ. *৮৬০৯১স্টা.কে.গ. ৮৬০৯২ *৮৬০৯৩স্টা.কে.গ. *৮৬০৯৪স্টা. ৮৬০৯৫ ৮৬০৯৬ *৮৬০৯৭স্টা.কে.গ.পী *৮৬০৯৮ ৮৬০৯৯ *৮৬১০০স্টা.কে.গ. ৮৬১০১ *৮৬১০২স্টা.কে.গ.পী *৮৬১০৩ ৮৬১০৪ ৮৬১০৫ *৮৬১০৬স্টা.কে. ৮৬১০৭ *৮৬১০৮স্টা.কে.গ.পী ৮৬১০৯ *৮৬১১০স্টা. ৮৬১১১ ৮৬১১২ *৮৬১১৩স্টা.কে.গ. ৮৬১১৪ *৮৬১১৫ ৮৬১১৬ *৮৬১১৭স্টা.কে.গ.পী ৮৬১১৮ ৮৬১১৯ *৮৬১২০স্টা. ৮৬১২১ *৮৬১২২স্টা.কে.গ. *৮৬০৯১স্টা.কে.গ. ৮৬০৯২ *৮৬০৯৩স্টা.কে.গ. *৮৬০৯৪স্টা. ৮৬০৯৫ ৮৬০৯৬ *৮৬০৯৭স্টা.কে.গ.পী *৮৬০৯৮ ৮৬০৯৯ *৮৬১০০স্টা.কে.গ. ৮৬১০১ *৮৬১০২স্টা.কে.গ.পী *৮৬১০৩ ৮৬১০৪ ৮৬১০৫ *৮৬১০৬স্টা.
ফেল :
ভিকারুননেসা নুন কলেজ, ঢাকা
রোল নম্বর ১৩০৬৪—১৩৩১৫ = ২৫২ জন।
*৮৬০৯১স্টা.কে.গ. ৮৬০৯২ *৮৬০৯৩স্টা.কে.গ. *৮৬০৯৪স্টা. ৮৬০৯৫ ৮৬০৯৬ *৮৬০৯৭স্টা.কে.গ.পী *৮৬০৯৮ ৮৬০৯৯ *৮৬১০০স্টা.কে.গ. ৮৬১০১ *৮৬১০২স্টা.কে.গ.পী *৮৬১০৩ ৮৬১০৪ ৮৬১০৫ *৮৬১০৬স্টা.কে. ৮৬১০৭ *৮৬১০৮স্টা.কে.গ.পী ৮৬১০৯ *৮৬১১০স্টা. ৮৬১১১ ৮৬১১২ *৮৬১১৩স্টা.কে.গ. ৮৬১১৪ *৮৬১১৫ ৮৬১১৬ *৮৬১১৭স্টা.কে.গ.পী ৮৬১১৮ ৮৬১১৯ *৮৬১২০স্টা. ৮৬১২১ *৮৬১২২স্টা.কে.গ. *৮৬০৯১স্টা.কে.গ. ৮৬০৯২ *৮৬০৯৩স্টা.কে.গ. *৮৬০৯৪স্টা. ৮৬০৯৫ ৮৬০৯৬ *৮৬০৯৭স্টা.কে.গ.পী *৮৬০৯৮ ৮৬০৯৯ *৮৬১০০স্টা.কে.গ. ৮৬১০১ *৮৬১০২স্টা.কে.গ.পী *৮৬১০৩ ৮৬১০৪ ৮৬১০৫ *৮৬১০৬স্টা.কে. ৮৬১০৭ *৮৬১০৮স্টা.কে.গ.পী ৮৬১০৯ *৮৬১১০স্টা. ৮৬১১১ ৮৬১১২ *৮৬১১৩স্টা.কে.গ. ৮৬১১৪ *৮৬১১৫ ৮৬১১৬ *৮৬১১৭স্টা.কে.গ.পী ৮৬১১৮ ৮৬১১৯ *৮৬১২০স্টা. ৮৬১২১ *৮৬১২২স্টা.কে.গ. *৮৬০৯১স্টা.কে.গ. ৮৬০৯২ *৮৬০৯৩স্টা.কে.গ. *৮৬০৯৪স্টা. ৮৬০৯৫ ৮৬০৯৬ *৮৬০৯৭স্টা.কে.গ.পী *৮৬০৯৮ ৮৬০৯৯ *৮৬১০০স্টা.কে.গ. ৮৬১০১ *৮৬১০২স্টা.কে.গ.পী *৮৬১০৩ ৮৬১০৪ ৮৬১০৫ *৮৬১০৬স্টা.কে. ৮৬১০৭ *৮৬১০৮স্টা.কে.গ.পী ৮৬১০৯ *৮৬১১০স্টা. ৮৬১১১ ৮৬১১২ *৮৬১১৩স্টা.কে.গ. ৮৬১১৪ *৮৬১১৫ ৮৬১১৬ *৮৬১১৭স্টা.কে.গ.পী ৮৬১১৮ ৮৬১১৯ *৮৬১২০স্টা. ৮৬১২১ *৮৬১২২স্টা.কে.গ. *৮৬০৯১স্টা.কে.গ. ৮৬০৯২ *৮৬০৯৩স্টা.কে.গ. *৮৬০৯৪স্টা. ৮৬০৯৫ ৮৬০৯৬ *৮৬০৯৭স্টা.কে.গ.পী *৮৬০৯৮ ৮৬০৯৯ *৮৬১০০স্টা.কে.গ. ৮৬১০১ *৮৬১০২স্টা.কে.গ.পী *৮৬১০৩ ৮৬১০৪ ৮৬১০৫ *৮৬১০৬স্টা.কে. ৮৬১০৭ *৮৬১০৮স্টা.কে.গ.পী ৮৬১০৯ *৮৬১১০স্টা. ৮৬১১১ ৮৬১১২ *৮৬১১৩স্টা.কে.গ. ৮৬১১৪ *৮৬১১৫ ৮৬১১৬ *৮৬১১৭স্টা.কে.গ.পী ৮৬১১৮ ৮৬১১৯ *৮৬১২০স্টা. ৮৬১২১ *৮৬১২২স্টা.কে.গ. *৮৬০৯১স্টা.কে.গ. ৮৬০৯২ *৮৬০৯৩স্টা.কে.গ. *৮৬০৯৪স্টা. ৮৬০৯৫ ৮৬০৯৬ *৮৬০৯৭স্টা.কে.গ.পী *৮৬০৯৮ ৮৬০৯৯ *৮৬১০০স্টা.কে.গ. ৮৬১০১ *৮৬১০২স্টা.কে.গ.পী *৮৬১০৩ ৮৬১০৪ ৮৬১০৫ *৮৬১০৬স্টা.কে. ৮৬১০৭ *৮৬১০৮স্টা.কে.গ.পী ৮৬১০৯ *৮৬১১০স্টা. ৮৬১১১ ৮৬১১২ *৮৬১১৩স্টা.কে.গ. ৮৬১১৪ *৮৬১১৫ ৮৬১১৬ *৮৬১১৭স্টা.কে.গ.পী ৮৬১১৮ ৮৬১১৯ *৮৬১২০স্টা. ৮৬১২১ *৮৬১২২স্টা.কে.গ. *৮৬০৯১স্টা.কে.গ. ৮৬০৯২ *৮৬০৯৩স্টা.কে.গ. *৮৬০৯৪স্টা. ৮৬০৯৫ ৮৬০৯৬ *৮৬০৯৭স্টা.কে.গ.পী *৮৬০৯৮ ৮৬০৯৯ *৮৬১০০স্টা.কে.গ. ৮৬১০১ *৮৬১০২স্টা.কে.গ.পী *৮৬১০৩ ৮৬১০৪ ৮৬১০৫ *৮৬১০৬স্টা.কে. ৮৬১০৭ *৮৬১০৮স্টা.কে.গ.পী ৮৬১০৯ *৮৬১১০স্টা. ৮৬১১১ ৮৬১১২ *৮৬১১৩স্টা.কে.গ. ৮৬১১৪ *৮৬১১৫ ৮৬১১৬ *৮৬১১৭স্টা.কে.গ.পী ৮৬১১৮ ৮৬১১৯ *৮৬১২০স্টা. ৮৬১২১ *৮৬১২২স্টা.কে.গ. *৮৬০৯১স্টা.কে.গ. ৮৬০৯২ *৮৬০৯৩স্টা.কে.গ. *৮৬০৯৪স্টা. ৮৬০৯৫ ৮৬০৯৬ *৮৬০৯৭স্টা.কে.গ.পী *৮৬০৯৮ ৮৬০৯৯ *৮৬১০০স্টা.কে.গ. ৮৬১০১ *৮৬১০২স্টা.কে.গ.পী *৮৬১০৩ ৮৬১০৪ ৮৬১০৫ *৮৬১০৬স্টা.কে. ৮৬১০৭ *৮৬১০৮স্টা.কে.গ.পী ৮৬১০৯ *৮৬১১০স্টা. ৮৬১১১ ৮৬১১২ *৮৬১১৩স্টা.কে.গ. ৮৬১১৪ *৮৬১১৫ ৮৬১১৬ *৮৬১১৭স্টা.কে.গ.পী ৮৬১১৮ ৮৬১১৯ *৮৬১২০স্টা. ৮৬১২১ *৮৬১২২স্টা.কে.গ. *৮৬০
দ্বিতীয় বিভাগ :
আইডিয়াল কলেজ
রোল নম্বর ১৩৩১৬—১৩৪০৮ = ৯৩ জন।
১০০৩০৪ ১০০৩০৫ ১০০৩০৬ ১০০৩০৭ ১০০৩০৮ ১০০৩০৯ ১০০৩১০ ১০০৩১১ ১০০৩১২ ১০০৩১৩ ১০০৩১৪ ১০০৩১৫ ১০০৩১৬ ১০০৩১৭ ১০০৩১৮ ১০০৩১৯ ১০০৩২০ ১০০৩২১ ১০০৩২২ ১০০৩২৩ ১০০৩২৪ ১০০৩২৫ ১০০৩২৬ ১০০৩২৭ ১০০৩২৮ ১০০৩০৪ ১০০৩০৫ ১০০৩০৬ ১০০৩০৭ ১০০৩০৮ ১০০৩০৯ ১০০৩১০ ১০০৩১১ ১০০৩১২ ১০০৩১৩ ১০০৩১৪ ১০০৩১৫ ১০০৩১৬ ১০০৩১৭ ১০০৩১৮ ১০০৩১৯ ১০০৩২০ ১০০৩২১ ১০০৩২২ ১০০৩২৩ ১০০৩২৪ ১০০৩২৫ ১০০৩২৬ ১০০৩২৭ ১০০৩২৮ ১০০৩০৪ ১০০৩০৫ ১০০৩০৬ ১০০৩০৭ ১০০৩০৮ ১০০৩০৯ ১০০৩১০ ১০০৩১১ ১০০৩১২ ১০০৩১৩ ১০০৩১৪ ১০০৩১৫ ১০০৩১৬ ১০০৩১৭ ১০০৩১৮ ১০০৩১৯ ১০০৩২০ ১০০৩২১ ১০০৩২২ ১০০৩২৩ ১০০৩২৪ ১০০৩২৫ ১০০৩২৬ ১০০৩২৭ ১০০৩২৮ ১০০৩০৪ ১০০৩০৫ ১০০৩০৬ ১০০৩০৭ ১০০৩০৮ ১০০৩০৯ ১০০৩১০ ১০০৩১১ ১০০৩১২ ১০০৩১৩ ১০০৩১৪ ১০০৩১৫ ১০০৩১৬ ১০০৩১৭ ১০০৩১৮ ১০০৩১৯ ১০০৩২০ ১০০৩২১ ১০০৩২২ ১০০৩২৩ ১০০৩২৪ ১০০৩২৫ ১০০৩২৬ ১০০৩২৭ ১০০৩২৮ ১০০৩০৪ ১০০৩০৫ ১০০৩০৬ ১০০৩০৭ ১০০৩০৮ ১০০৩০৯ ১০০৩১০ ১০০৩১১ ১০০৩১২ ১০০৩১৩ ১০০৩১৪ ১০০৩১৫ ১০০৩১৬ ১০০৩১৭ ১০০৩১৮ ১০০৩১৯ ১০০৩২০ ১০০৩২১ ১০০৩২২ ১০০৩২৩ ১০০৩২৪ ১০০৩২৫ ১০০৩২৬ ১০০৩২৭ ১০০৩২৮ ১০০৩০৪ ১০০৩০৫ ১০০৩০৬ ১০০৩০৭ ১০০৩০৮ ১০০৩০৯ ১০০৩১০ ১০০৩১১ ১০০৩১২ ১০০৩১৩ ১০০৩১৪ ১০০৩১৫ ১০০৩১৬ ১০০৩১৭ ১০০৩১৮ ১০০৩১৯ ১০০৩২০ ১০০৩২১ ১০০৩২২ ১০০৩২৩ ১০০৩২৪ ১০০৩২৫ ১০০৩২৬
বি.এ.এফ. শাহীন কলেজ, ঢাকা
রোল নম্বর ১৩৪০৯—১৩৪৫৪ = ৪৬ জন।
১২৪৪০ ১২৪৪১ ১২৪৪২ ১২৪৪৩ *১২৪৪৪স্টা. ১২৪৪৫ ১২৪৪৬ ১২৪৪৭ ১২৪৪৮ ১২৪৪৯ ১২৪৫০ *১২৪৫১স্টা.গ. ১২৪৫২ ১২৪৫৩ ১২৪৫৪ ১২৪৫৫ ১২৪৫৬ ১২৪৫৭ ১২৪৫৮ ১২৪৫৯ ১২৪৬০ ১২৪৪০ ১২৪৪১ ১২৪৪২ ১২৪৪৩ *১২৪৪৪স্টা. ১২৪৪৫ ১২৪৪৬ ১২৪৪৭ ১২৪৪৮ ১২৪৪৯ ১২৪৫০ *১২৪৫১স্টা.গ. ১২৪৫২ ১২৪৫৩ ১২৪৫৪ ১২৪৫৫ ১২৪৫৬ ১২৪৫৭ ১২৪৫৮ ১২৪৫৯ ১২৪৬০ ১২৪৪০ ১২৪৪১ ১২৪৪২ ১২৪৪৩ *১২৪৪৪স্টা. ১২৪৪৫ ১২৪৪৬ ১২৪৪৭ ১২৪৪৮ ১২৪৪৯ ১২৪৫০ *১২৪৫১স্টা.গ. ১২৪৫২ ১২৪৫৩ ১২৪৫৪ ১২৪৫৫ ১২৪৫৬ ১২৪৫৭ ১২৪৫৮ ১২৪৫৯ ১২৪৬০ ১২৪৪০ ১২৪৪১ ১২৪৪২ ১২৪৪৩ *১২৪৪৪স্টা. ১২৪৪৫ ১২৪৪৬ ১২৪৪৭ ১২৪৪৮ ১২৪৪৯ ১২৪৫০ *১২৪৫১স্টা.গ. ১২৪৫২ ১২৪৫৩ ১২৪৫৪ ১২৪৫৫ ১২৪৫৬
বি.এ.এফ শাহীন কলেজ, ঢাকা
রোল নম্বর ১৩৪৫৫—১৩৫২১ = ৬৭ জন।
১২৪৪০ ১২৪৪১ ১২৪৪২ ১২৪৪৩ *১২৪৪৪স্টা. ১২৪৪৫ ১২৪৪৬ ১২৪৪৭ ১২৪৪৮ ১২৪৪৯ ১২৪৫০ *১২৪৫১স্টা.গ. ১২৪৫২ ১২৪৫৩ ১২৪৫৪ ১২৪৫৫ ১২৪৫৬ ১২৪৫৭ ১২৪৫৮ ১২৪৫৯ ১২৪৬০ ১২৪৪০ ১২৪৪১ ১২৪৪২ ১২৪৪৩ *১২৪৪৪স্টা. ১২৪৪৫ ১২৪৪৬ ১২৪৪৭ ১২৪৪৮ ১২৪৪৯ ১২৪৫০ *১২৪৫১স্টা.গ. ১২৪৫২ ১২৪৫৩ ১২৪৫৪ ১২৪৫৫ ১২৪৫৬ ১২৪৫৭ ১২৪৫৮ ১২৪৫৯ ১২৪৬০ ১২৪৪০ ১২৪৪১ ১২৪৪২ ১২৪৪৩ *১২৪৪৪স্টা. ১২৪৪৫ ১২৪৪৬ ১২৪৪৭ ১২৪৪৮ ১২৪৪৯ ১২৪৫০ *১২৪৫১স্টা.গ. ১২৪৫২ ১২৪৫৩ ১২৪৫৪ ১২৪৫৫ ১২৪৫৬ ১২৪৫৭ ১২৪৫৮ ১২৪৫৯ ১২৪৬০ ১২৪৪০ ১২৪৪১ ১২৪৪২ ১২৪৪৩ *১২৪৪৪স্টা. ১২৪৪৫ ১২৪৪৬ ১২৪৪৭ ১২৪৪৮ ১২৪৪৯ ১২৪৫০ *১২৪৫১স্টা.গ. ১২৪৫২ ১২৪৫৩ ১২৪৫৪ ১২৪৫৫ ১২৪৫৬ ১২৪৫৭ ১২৪৫৮ ১২৪৫৯ ১২৪৬০ ১২৪৪০ ১২৪৪১ ১২৪৪২ ১২৪৪৩ *১২৪৪৪স্টা. ১২৪৪৫ ১২৪৪৬ ১২৪৪৭ ১২৪৪৮ ১২৪৪৯ ১২৪৫০ *১২৪৫১স্টা.গ. ১২৪৫২ ১২৪৫৩ ১২৪৫৪ ১২৪৫৫ ১২৪৫৬ ১২৪৫৭ ১২৪৫৮ ১২৪৫৯ ১২৪৬০ ১২৪৪০ ১২৪৪১
ঢাকা রেসিডেনসিয়াল মডেল কলেজ।
রোল নম্বর ১৩৫২২—১৩৫৭৪ = ৫৩ জন।
১২৪৪০ ১২৪৪১ ১২৪৪২ ১২৪৪৩ *১২৪৪৪স্টা. ১২৪৪৫ ১২৪৪৬ ১২৪৪৭ ১২৪৪৮ ১২৪৪৯ ১২৪৫০ *১২৪৫১স্টা.গ. ১২৪৫২ ১২৪৫৩ ১২৪৫৪ ১২৪৫৫ ১২৪৫৬ ১২৪৫৭ ১২৪৫৮ ১২৪৫৯ ১২৪৬০ ১২৪৪০ ১২৪৪১ ১২৪৪২ ১২৪৪৩ *১২৪৪৪স্টা. ১২৪৪৫ ১২৪৪৬ ১২৪৪৭ ১২৪৪৮ ১২৪৪৯ ১২৪৫০ *১২৪৫১স্টা.গ. ১২৪৫২ ১২৪৫৩ ১২৪৫৪ ১২৪৫৫ ১২৪৫৬ ১২৪৫৭ ১২৪৫৮ ১২৪৫৯ ১২৪৬০ ১২৪৪০ ১২৪৪১ ১২৪৪২ ১২৪৪৩ *১২৪৪৪স্টা. ১২৪৪৫ ১২৪৪৬ ১২৪৪৭ ১২৪৪৮ ১২৪৪৯ ১২৪৫০ *১২৪৫১স্টা.গ. ১২৪৫২ ১২৪৫৩ ১২৪৫৪ ১২৪৫৫ ১২৪৫৬ ১২৪৫৭ ১২৪৫৮ ১২৪৫৯ ১২৪৬০ ১২৪৪০ ১২৪৪১ ১২৪৪২ ১২৪৪৩ *১২৪৪৪স্টা. ১২৪৪৫ ১২৪৪৬ ১২৪৪৭ ১২৪৪৮ ১২৪৪৯ ১২৪৫০ *১২৪৫১স্টা.গ. ১২৪৫২ ১২৪৫৩ ১২৪৫৪ ১২৪৫৫ ১২৪৫৬
